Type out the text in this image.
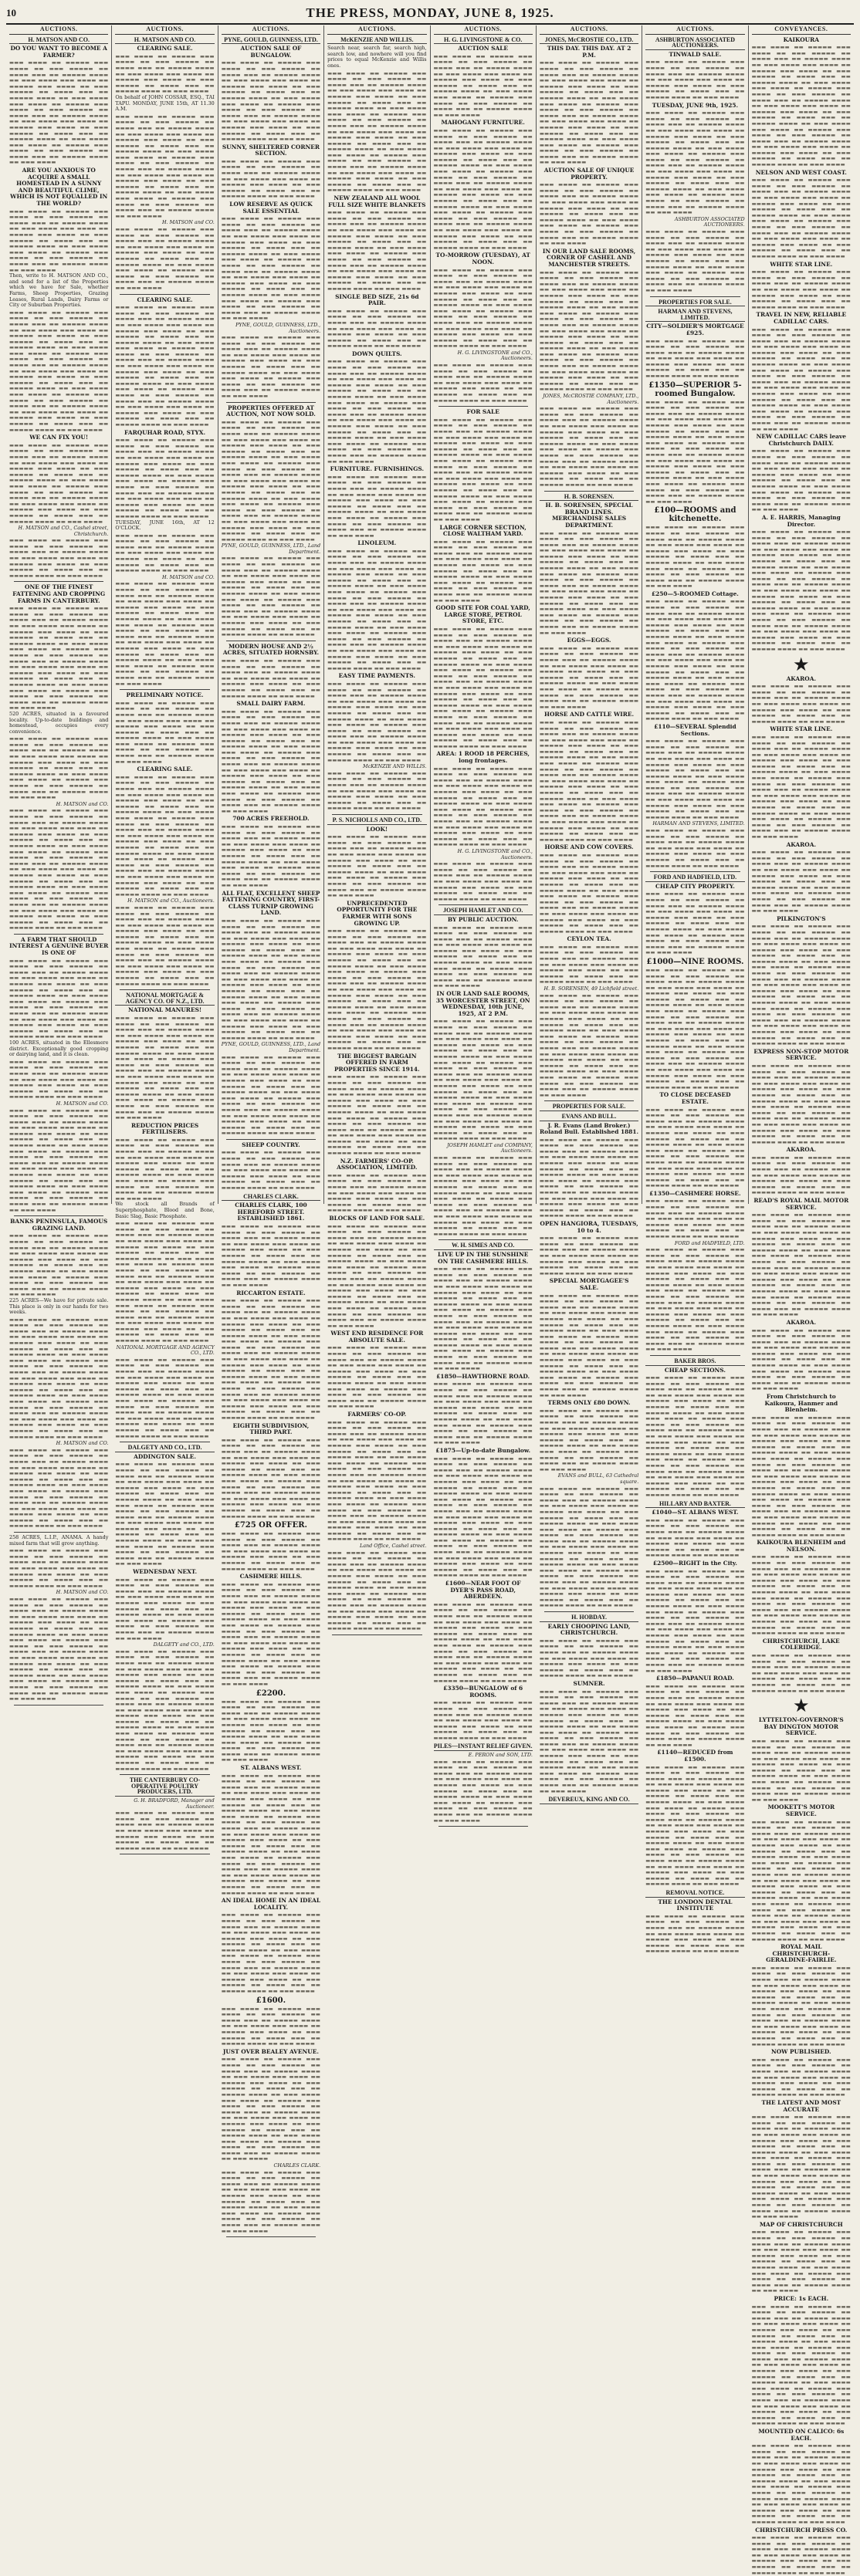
10	THE PRESS, MONDAY, JUNE 8, 1925.
AUCTIONS.
H. MATSON AND CO.
DO YOU WANT TO BECOME A FARMER?
▬▬▬ ▬▬▬▬ ▬▬ ▬▬▬▬▬ ▬▬▬ ▬▬▬▬ ▬▬ ▬▬▬ ▬▬▬▬▬ ▬▬ ▬▬▬▬ ▬▬▬ ▬▬ ▬▬▬▬▬ ▬▬▬▬ ▬▬ ▬▬▬ ▬▬▬▬ ▬▬▬ ▬▬▬▬ ▬▬ ▬▬▬▬▬ ▬▬▬ ▬▬▬▬ ▬▬ ▬▬▬ ▬▬▬▬▬ ▬▬ ▬▬▬▬ ▬▬▬ ▬▬ ▬▬▬▬▬ ▬▬▬▬ ▬▬ ▬▬▬ ▬▬▬▬ ▬▬▬ ▬▬▬▬ ▬▬ ▬▬▬▬▬ ▬▬▬ ▬▬▬▬ ▬▬ ▬▬▬ ▬▬▬▬▬ ▬▬ ▬▬▬▬ ▬▬▬ ▬▬ ▬▬▬▬▬ ▬▬▬▬ ▬▬ ▬▬▬ ▬▬▬▬ ▬▬▬ ▬▬▬▬ ▬▬ ▬▬▬▬▬ ▬▬▬ ▬▬▬▬ ▬▬ ▬▬▬ ▬▬▬▬▬ ▬▬ ▬▬▬▬ ▬▬▬ ▬▬ ▬▬▬▬▬ ▬▬▬▬ ▬▬ ▬▬▬ ▬▬▬▬ ▬▬▬ ▬▬▬▬ ▬▬ ▬▬▬▬▬ ▬▬▬ ▬▬▬▬ ▬▬ ▬▬▬ ▬▬▬▬▬ ▬▬ ▬▬▬▬ ▬▬▬ ▬▬ ▬▬▬▬▬ ▬▬▬▬ ▬▬ ▬▬▬ ▬▬▬▬
ARE YOU ANXIOUS TO ACQUIRE A SMALL HOMESTEAD IN A SUNNY AND BEAUTIFUL CLIME, WHICH IS NOT EQUALLED IN THE WORLD?
▬▬▬ ▬▬▬▬ ▬▬ ▬▬▬▬▬ ▬▬▬ ▬▬▬▬ ▬▬ ▬▬▬ ▬▬▬▬▬ ▬▬ ▬▬▬▬ ▬▬▬ ▬▬ ▬▬▬▬▬ ▬▬▬▬ ▬▬ ▬▬▬ ▬▬▬▬ ▬▬▬ ▬▬▬▬ ▬▬ ▬▬▬▬▬ ▬▬▬ ▬▬▬▬ ▬▬ ▬▬▬ ▬▬▬▬▬ ▬▬ ▬▬▬▬ ▬▬▬ ▬▬ ▬▬▬▬▬ ▬▬▬▬ ▬▬ ▬▬▬ ▬▬▬▬ ▬▬▬ ▬▬▬▬ ▬▬ ▬▬▬▬▬ ▬▬▬ ▬▬▬▬ ▬▬ ▬▬▬ ▬▬▬▬▬ ▬▬ ▬▬▬▬ ▬▬▬ ▬▬ ▬▬▬▬▬ ▬▬▬▬ ▬▬ ▬▬▬ ▬▬▬▬
Then, write to H. MATSON AND CO., and send for a list of the Properties which we have for Sale, whether Farms, Sheep Properties, Grazing Leases, Rural Lands, Dairy Farms or City or Suburban Properties.
▬▬▬ ▬▬▬▬ ▬▬ ▬▬▬▬▬ ▬▬▬ ▬▬▬▬ ▬▬ ▬▬▬ ▬▬▬▬▬ ▬▬ ▬▬▬▬ ▬▬▬ ▬▬ ▬▬▬▬▬ ▬▬▬▬ ▬▬ ▬▬▬ ▬▬▬▬ ▬▬▬ ▬▬▬▬ ▬▬ ▬▬▬▬▬ ▬▬▬ ▬▬▬▬ ▬▬ ▬▬▬ ▬▬▬▬▬ ▬▬ ▬▬▬▬ ▬▬▬ ▬▬ ▬▬▬▬▬ ▬▬▬▬ ▬▬ ▬▬▬ ▬▬▬▬ ▬▬▬ ▬▬▬▬ ▬▬ ▬▬▬▬▬ ▬▬▬ ▬▬▬▬ ▬▬ ▬▬▬ ▬▬▬▬▬ ▬▬ ▬▬▬▬ ▬▬▬ ▬▬ ▬▬▬▬▬ ▬▬▬▬ ▬▬ ▬▬▬ ▬▬▬▬ ▬▬▬ ▬▬▬▬ ▬▬ ▬▬▬▬▬ ▬▬▬ ▬▬▬▬ ▬▬ ▬▬▬ ▬▬▬▬▬ ▬▬ ▬▬▬▬ ▬▬▬ ▬▬ ▬▬▬▬▬ ▬▬▬▬ ▬▬ ▬▬▬ ▬▬▬▬ ▬▬▬ ▬▬▬▬ ▬▬ ▬▬▬▬▬ ▬▬▬ ▬▬▬▬ ▬▬ ▬▬▬ ▬▬▬▬▬ ▬▬ ▬▬▬▬ ▬▬▬ ▬▬ ▬▬▬▬▬ ▬▬▬▬ ▬▬ ▬▬▬ ▬▬▬▬ ▬▬▬ ▬▬▬▬ ▬▬ ▬▬▬▬▬ ▬▬▬ ▬▬▬▬ ▬▬ ▬▬▬ ▬▬▬▬▬ ▬▬ ▬▬▬▬ ▬▬▬ ▬▬ ▬▬▬▬▬ ▬▬▬▬ ▬▬ ▬▬▬ ▬▬▬▬
WE CAN FIX YOU!
▬▬▬ ▬▬▬▬ ▬▬ ▬▬▬▬▬ ▬▬▬ ▬▬▬▬ ▬▬ ▬▬▬ ▬▬▬▬▬ ▬▬ ▬▬▬▬ ▬▬▬ ▬▬ ▬▬▬▬▬ ▬▬▬▬ ▬▬ ▬▬▬ ▬▬▬▬ ▬▬▬ ▬▬▬▬ ▬▬ ▬▬▬▬▬ ▬▬▬ ▬▬▬▬ ▬▬ ▬▬▬ ▬▬▬▬▬ ▬▬ ▬▬▬▬ ▬▬▬ ▬▬ ▬▬▬▬▬ ▬▬▬▬ ▬▬ ▬▬▬ ▬▬▬▬ ▬▬▬ ▬▬▬▬ ▬▬ ▬▬▬▬▬ ▬▬▬ ▬▬▬▬ ▬▬ ▬▬▬ ▬▬▬▬▬ ▬▬ ▬▬▬▬ ▬▬▬ ▬▬ ▬▬▬▬▬ ▬▬▬▬ ▬▬ ▬▬▬ ▬▬▬▬ ▬▬▬ ▬▬▬▬ ▬▬ ▬▬▬▬▬ ▬▬▬ ▬▬▬▬ ▬▬ ▬▬▬ ▬▬▬▬▬ ▬▬ ▬▬▬▬ ▬▬▬ ▬▬ ▬▬▬▬▬ ▬▬▬▬ ▬▬ ▬▬▬ ▬▬▬▬
H. MATSON and CO., Cashel street, Christchurch.
▬▬▬ ▬▬▬▬ ▬▬ ▬▬▬▬▬ ▬▬▬ ▬▬▬▬ ▬▬ ▬▬▬ ▬▬▬▬▬ ▬▬ ▬▬▬▬ ▬▬▬ ▬▬ ▬▬▬▬▬ ▬▬▬▬ ▬▬ ▬▬▬ ▬▬▬▬ ▬▬▬ ▬▬▬▬ ▬▬ ▬▬▬▬▬ ▬▬▬ ▬▬▬▬ ▬▬ ▬▬▬ ▬▬▬▬▬ ▬▬ ▬▬▬▬ ▬▬▬ ▬▬ ▬▬▬▬▬ ▬▬▬▬ ▬▬ ▬▬▬ ▬▬▬▬
ONE OF THE FINEST FATTENING AND CROPPING FARMS IN CANTERBURY.
▬▬▬ ▬▬▬▬ ▬▬ ▬▬▬▬▬ ▬▬▬ ▬▬▬▬ ▬▬ ▬▬▬ ▬▬▬▬▬ ▬▬ ▬▬▬▬ ▬▬▬ ▬▬ ▬▬▬▬▬ ▬▬▬▬ ▬▬ ▬▬▬ ▬▬▬▬ ▬▬▬ ▬▬▬▬ ▬▬ ▬▬▬▬▬ ▬▬▬ ▬▬▬▬ ▬▬ ▬▬▬ ▬▬▬▬▬ ▬▬ ▬▬▬▬ ▬▬▬ ▬▬ ▬▬▬▬▬ ▬▬▬▬ ▬▬ ▬▬▬ ▬▬▬▬ ▬▬▬ ▬▬▬▬ ▬▬ ▬▬▬▬▬ ▬▬▬ ▬▬▬▬ ▬▬ ▬▬▬ ▬▬▬▬▬ ▬▬ ▬▬▬▬ ▬▬▬ ▬▬ ▬▬▬▬▬ ▬▬▬▬ ▬▬ ▬▬▬ ▬▬▬▬ ▬▬▬ ▬▬▬▬ ▬▬ ▬▬▬▬▬ ▬▬▬ ▬▬▬▬ ▬▬ ▬▬▬ ▬▬▬▬▬ ▬▬ ▬▬▬▬ ▬▬▬ ▬▬ ▬▬▬▬▬ ▬▬▬▬ ▬▬ ▬▬▬ ▬▬▬▬ ▬▬▬ ▬▬▬▬ ▬▬ ▬▬▬▬▬ ▬▬▬ ▬▬▬▬ ▬▬ ▬▬▬ ▬▬▬▬▬ ▬▬ ▬▬▬▬ ▬▬▬ ▬▬ ▬▬▬▬▬ ▬▬▬▬ ▬▬ ▬▬▬ ▬▬▬▬
520 ACRES, situated in a favoured locality. Up-to-date buildings and homestead, occupies every convenience.
▬▬▬ ▬▬▬▬ ▬▬ ▬▬▬▬▬ ▬▬▬ ▬▬▬▬ ▬▬ ▬▬▬ ▬▬▬▬▬ ▬▬ ▬▬▬▬ ▬▬▬ ▬▬ ▬▬▬▬▬ ▬▬▬▬ ▬▬ ▬▬▬ ▬▬▬▬ ▬▬▬ ▬▬▬▬ ▬▬ ▬▬▬▬▬ ▬▬▬ ▬▬▬▬ ▬▬ ▬▬▬ ▬▬▬▬▬ ▬▬ ▬▬▬▬ ▬▬▬ ▬▬ ▬▬▬▬▬ ▬▬▬▬ ▬▬ ▬▬▬ ▬▬▬▬ ▬▬▬ ▬▬▬▬ ▬▬ ▬▬▬▬▬ ▬▬▬ ▬▬▬▬ ▬▬ ▬▬▬ ▬▬▬▬▬ ▬▬ ▬▬▬▬ ▬▬▬ ▬▬ ▬▬▬▬▬ ▬▬▬▬ ▬▬ ▬▬▬ ▬▬▬▬
H. MATSON and CO.
▬▬▬ ▬▬▬▬ ▬▬ ▬▬▬▬▬ ▬▬▬ ▬▬▬▬ ▬▬ ▬▬▬ ▬▬▬▬▬ ▬▬ ▬▬▬▬ ▬▬▬ ▬▬ ▬▬▬▬▬ ▬▬▬▬ ▬▬ ▬▬▬ ▬▬▬▬ ▬▬▬ ▬▬▬▬ ▬▬ ▬▬▬▬▬ ▬▬▬ ▬▬▬▬ ▬▬ ▬▬▬ ▬▬▬▬▬ ▬▬ ▬▬▬▬ ▬▬▬ ▬▬ ▬▬▬▬▬ ▬▬▬▬ ▬▬ ▬▬▬ ▬▬▬▬ ▬▬▬ ▬▬▬▬ ▬▬ ▬▬▬▬▬ ▬▬▬ ▬▬▬▬ ▬▬ ▬▬▬ ▬▬▬▬▬ ▬▬ ▬▬▬▬ ▬▬▬ ▬▬ ▬▬▬▬▬ ▬▬▬▬ ▬▬ ▬▬▬ ▬▬▬▬ ▬▬▬ ▬▬▬▬ ▬▬ ▬▬▬▬▬ ▬▬▬ ▬▬▬▬ ▬▬ ▬▬▬ ▬▬▬▬▬ ▬▬ ▬▬▬▬ ▬▬▬ ▬▬ ▬▬▬▬▬ ▬▬▬▬ ▬▬ ▬▬▬ ▬▬▬▬ ▬▬▬ ▬▬▬▬ ▬▬ ▬▬▬▬▬ ▬▬▬ ▬▬▬▬ ▬▬ ▬▬▬ ▬▬▬▬▬ ▬▬ ▬▬▬▬ ▬▬▬ ▬▬ ▬▬▬▬▬ ▬▬▬▬ ▬▬ ▬▬▬ ▬▬▬▬ ▬▬▬ ▬▬▬▬ ▬▬ ▬▬▬▬▬ ▬▬▬ ▬▬▬▬ ▬▬ ▬▬▬ ▬▬▬▬▬ ▬▬ ▬▬▬▬ ▬▬▬ ▬▬ ▬▬▬▬▬ ▬▬▬▬ ▬▬ ▬▬▬ ▬▬▬▬
A FARM THAT SHOULD INTEREST A GENUINE BUYER IS ONE OF
▬▬▬ ▬▬▬▬ ▬▬ ▬▬▬▬▬ ▬▬▬ ▬▬▬▬ ▬▬ ▬▬▬ ▬▬▬▬▬ ▬▬ ▬▬▬▬ ▬▬▬ ▬▬ ▬▬▬▬▬ ▬▬▬▬ ▬▬ ▬▬▬ ▬▬▬▬ ▬▬▬ ▬▬▬▬ ▬▬ ▬▬▬▬▬ ▬▬▬ ▬▬▬▬ ▬▬ ▬▬▬ ▬▬▬▬▬ ▬▬ ▬▬▬▬ ▬▬▬ ▬▬ ▬▬▬▬▬ ▬▬▬▬ ▬▬ ▬▬▬ ▬▬▬▬ ▬▬▬ ▬▬▬▬ ▬▬ ▬▬▬▬▬ ▬▬▬ ▬▬▬▬ ▬▬ ▬▬▬ ▬▬▬▬▬ ▬▬ ▬▬▬▬ ▬▬▬ ▬▬ ▬▬▬▬▬ ▬▬▬▬ ▬▬ ▬▬▬ ▬▬▬▬ ▬▬▬ ▬▬▬▬ ▬▬ ▬▬▬▬▬ ▬▬▬ ▬▬▬▬ ▬▬ ▬▬▬ ▬▬▬▬▬ ▬▬ ▬▬▬▬ ▬▬▬ ▬▬ ▬▬▬▬▬ ▬▬▬▬ ▬▬ ▬▬▬ ▬▬▬▬
100 ACRES, situated in the Ellesmere district. Exceptionally good cropping or dairying land, and it is clean.
▬▬▬ ▬▬▬▬ ▬▬ ▬▬▬▬▬ ▬▬▬ ▬▬▬▬ ▬▬ ▬▬▬ ▬▬▬▬▬ ▬▬ ▬▬▬▬ ▬▬▬ ▬▬ ▬▬▬▬▬ ▬▬▬▬ ▬▬ ▬▬▬ ▬▬▬▬ ▬▬▬ ▬▬▬▬ ▬▬ ▬▬▬▬▬ ▬▬▬ ▬▬▬▬ ▬▬ ▬▬▬ ▬▬▬▬▬ ▬▬ ▬▬▬▬ ▬▬▬ ▬▬ ▬▬▬▬▬ ▬▬▬▬ ▬▬ ▬▬▬ ▬▬▬▬
H. MATSON and CO.
▬▬▬ ▬▬▬▬ ▬▬ ▬▬▬▬▬ ▬▬▬ ▬▬▬▬ ▬▬ ▬▬▬ ▬▬▬▬▬ ▬▬ ▬▬▬▬ ▬▬▬ ▬▬ ▬▬▬▬▬ ▬▬▬▬ ▬▬ ▬▬▬ ▬▬▬▬ ▬▬▬ ▬▬▬▬ ▬▬ ▬▬▬▬▬ ▬▬▬ ▬▬▬▬ ▬▬ ▬▬▬ ▬▬▬▬▬ ▬▬ ▬▬▬▬ ▬▬▬ ▬▬ ▬▬▬▬▬ ▬▬▬▬ ▬▬ ▬▬▬ ▬▬▬▬ ▬▬▬ ▬▬▬▬ ▬▬ ▬▬▬▬▬ ▬▬▬ ▬▬▬▬ ▬▬ ▬▬▬ ▬▬▬▬▬ ▬▬ ▬▬▬▬ ▬▬▬ ▬▬ ▬▬▬▬▬ ▬▬▬▬ ▬▬ ▬▬▬ ▬▬▬▬ ▬▬▬ ▬▬▬▬ ▬▬ ▬▬▬▬▬ ▬▬▬ ▬▬▬▬ ▬▬ ▬▬▬ ▬▬▬▬▬ ▬▬ ▬▬▬▬ ▬▬▬ ▬▬ ▬▬▬▬▬ ▬▬▬▬ ▬▬ ▬▬▬ ▬▬▬▬ ▬▬▬ ▬▬▬▬ ▬▬ ▬▬▬▬▬ ▬▬▬ ▬▬▬▬ ▬▬ ▬▬▬ ▬▬▬▬▬ ▬▬ ▬▬▬▬ ▬▬▬ ▬▬ ▬▬▬▬▬ ▬▬▬▬ ▬▬ ▬▬▬ ▬▬▬▬
BANKS PENINSULA, FAMOUS GRAZING LAND.
▬▬▬ ▬▬▬▬ ▬▬ ▬▬▬▬▬ ▬▬▬ ▬▬▬▬ ▬▬ ▬▬▬ ▬▬▬▬▬ ▬▬ ▬▬▬▬ ▬▬▬ ▬▬ ▬▬▬▬▬ ▬▬▬▬ ▬▬ ▬▬▬ ▬▬▬▬ ▬▬▬ ▬▬▬▬ ▬▬ ▬▬▬▬▬ ▬▬▬ ▬▬▬▬ ▬▬ ▬▬▬ ▬▬▬▬▬ ▬▬ ▬▬▬▬ ▬▬▬ ▬▬ ▬▬▬▬▬ ▬▬▬▬ ▬▬ ▬▬▬ ▬▬▬▬ ▬▬▬ ▬▬▬▬ ▬▬ ▬▬▬▬▬ ▬▬▬ ▬▬▬▬ ▬▬ ▬▬▬ ▬▬▬▬▬ ▬▬ ▬▬▬▬ ▬▬▬ ▬▬ ▬▬▬▬▬ ▬▬▬▬ ▬▬ ▬▬▬ ▬▬▬▬
225 ACRES—We have for private sale. This place is only in our hands for two weeks.
▬▬▬ ▬▬▬▬ ▬▬ ▬▬▬▬▬ ▬▬▬ ▬▬▬▬ ▬▬ ▬▬▬ ▬▬▬▬▬ ▬▬ ▬▬▬▬ ▬▬▬ ▬▬ ▬▬▬▬▬ ▬▬▬▬ ▬▬ ▬▬▬ ▬▬▬▬ ▬▬▬ ▬▬▬▬ ▬▬ ▬▬▬▬▬ ▬▬▬ ▬▬▬▬ ▬▬ ▬▬▬ ▬▬▬▬▬ ▬▬ ▬▬▬▬ ▬▬▬ ▬▬ ▬▬▬▬▬ ▬▬▬▬ ▬▬ ▬▬▬ ▬▬▬▬ ▬▬▬ ▬▬▬▬ ▬▬ ▬▬▬▬▬ ▬▬▬ ▬▬▬▬ ▬▬ ▬▬▬ ▬▬▬▬▬ ▬▬ ▬▬▬▬ ▬▬▬ ▬▬ ▬▬▬▬▬ ▬▬▬▬ ▬▬ ▬▬▬ ▬▬▬▬ ▬▬▬ ▬▬▬▬ ▬▬ ▬▬▬▬▬ ▬▬▬ ▬▬▬▬ ▬▬ ▬▬▬ ▬▬▬▬▬ ▬▬ ▬▬▬▬ ▬▬▬ ▬▬ ▬▬▬▬▬ ▬▬▬▬ ▬▬ ▬▬▬ ▬▬▬▬ ▬▬▬ ▬▬▬▬ ▬▬ ▬▬▬▬▬ ▬▬▬ ▬▬▬▬ ▬▬ ▬▬▬ ▬▬▬▬▬ ▬▬ ▬▬▬▬ ▬▬▬ ▬▬ ▬▬▬▬▬ ▬▬▬▬ ▬▬ ▬▬▬ ▬▬▬▬ ▬▬▬ ▬▬▬▬ ▬▬ ▬▬▬▬▬ ▬▬▬ ▬▬▬▬ ▬▬ ▬▬▬ ▬▬▬▬▬ ▬▬ ▬▬▬▬ ▬▬▬ ▬▬ ▬▬▬▬▬ ▬▬▬▬ ▬▬ ▬▬▬ ▬▬▬▬
H. MATSON and CO.
▬▬▬ ▬▬▬▬ ▬▬ ▬▬▬▬▬ ▬▬▬ ▬▬▬▬ ▬▬ ▬▬▬ ▬▬▬▬▬ ▬▬ ▬▬▬▬ ▬▬▬ ▬▬ ▬▬▬▬▬ ▬▬▬▬ ▬▬ ▬▬▬ ▬▬▬▬ ▬▬▬ ▬▬▬▬ ▬▬ ▬▬▬▬▬ ▬▬▬ ▬▬▬▬ ▬▬ ▬▬▬ ▬▬▬▬▬ ▬▬ ▬▬▬▬ ▬▬▬ ▬▬ ▬▬▬▬▬ ▬▬▬▬ ▬▬ ▬▬▬ ▬▬▬▬ ▬▬▬ ▬▬▬▬ ▬▬ ▬▬▬▬▬ ▬▬▬ ▬▬▬▬ ▬▬ ▬▬▬ ▬▬▬▬▬ ▬▬ ▬▬▬▬ ▬▬▬ ▬▬ ▬▬▬▬▬ ▬▬▬▬ ▬▬ ▬▬▬ ▬▬▬▬ ▬▬▬ ▬▬▬▬ ▬▬ ▬▬▬▬▬ ▬▬▬ ▬▬▬▬ ▬▬ ▬▬▬ ▬▬▬▬▬ ▬▬ ▬▬▬▬ ▬▬▬ ▬▬ ▬▬▬▬▬ ▬▬▬▬ ▬▬ ▬▬▬ ▬▬▬▬
258 ACRES, L.I.P., ANAMA. A handy mixed farm that will grow anything.
▬▬▬ ▬▬▬▬ ▬▬ ▬▬▬▬▬ ▬▬▬ ▬▬▬▬ ▬▬ ▬▬▬ ▬▬▬▬▬ ▬▬ ▬▬▬▬ ▬▬▬ ▬▬ ▬▬▬▬▬ ▬▬▬▬ ▬▬ ▬▬▬ ▬▬▬▬ ▬▬▬ ▬▬▬▬ ▬▬ ▬▬▬▬▬ ▬▬▬ ▬▬▬▬ ▬▬ ▬▬▬ ▬▬▬▬▬ ▬▬ ▬▬▬▬ ▬▬▬ ▬▬ ▬▬▬▬▬ ▬▬▬▬ ▬▬ ▬▬▬ ▬▬▬▬
H. MATSON and CO.
▬▬▬ ▬▬▬▬ ▬▬ ▬▬▬▬▬ ▬▬▬ ▬▬▬▬ ▬▬ ▬▬▬ ▬▬▬▬▬ ▬▬ ▬▬▬▬ ▬▬▬ ▬▬ ▬▬▬▬▬ ▬▬▬▬ ▬▬ ▬▬▬ ▬▬▬▬ ▬▬▬ ▬▬▬▬ ▬▬ ▬▬▬▬▬ ▬▬▬ ▬▬▬▬ ▬▬ ▬▬▬ ▬▬▬▬▬ ▬▬ ▬▬▬▬ ▬▬▬ ▬▬ ▬▬▬▬▬ ▬▬▬▬ ▬▬ ▬▬▬ ▬▬▬▬ ▬▬▬ ▬▬▬▬ ▬▬ ▬▬▬▬▬ ▬▬▬ ▬▬▬▬ ▬▬ ▬▬▬ ▬▬▬▬▬ ▬▬ ▬▬▬▬ ▬▬▬ ▬▬ ▬▬▬▬▬ ▬▬▬▬ ▬▬ ▬▬▬ ▬▬▬▬ ▬▬▬ ▬▬▬▬ ▬▬ ▬▬▬▬▬ ▬▬▬ ▬▬▬▬ ▬▬ ▬▬▬ ▬▬▬▬▬ ▬▬ ▬▬▬▬ ▬▬▬ ▬▬ ▬▬▬▬▬ ▬▬▬▬ ▬▬ ▬▬▬ ▬▬▬▬ ▬▬▬ ▬▬▬▬ ▬▬ ▬▬▬▬▬ ▬▬▬ ▬▬▬▬ ▬▬ ▬▬▬ ▬▬▬▬▬ ▬▬ ▬▬▬▬ ▬▬▬ ▬▬ ▬▬▬▬▬ ▬▬▬▬ ▬▬ ▬▬▬ ▬▬▬▬
AUCTIONS.
H. MATSON AND CO.
CLEARING SALE.
▬▬▬ ▬▬▬▬ ▬▬ ▬▬▬▬▬ ▬▬▬ ▬▬▬▬ ▬▬ ▬▬▬ ▬▬▬▬▬ ▬▬ ▬▬▬▬ ▬▬▬ ▬▬ ▬▬▬▬▬ ▬▬▬▬ ▬▬ ▬▬▬ ▬▬▬▬ ▬▬▬ ▬▬▬▬ ▬▬ ▬▬▬▬▬ ▬▬▬ ▬▬▬▬ ▬▬ ▬▬▬ ▬▬▬▬▬ ▬▬ ▬▬▬▬ ▬▬▬ ▬▬ ▬▬▬▬▬ ▬▬▬▬ ▬▬ ▬▬▬ ▬▬▬▬
On behalf of JOHN COSSAR, ESQ., TAI TAPU. MONDAY, JUNE 15th, AT 11.30 A.M.
▬▬▬ ▬▬▬▬ ▬▬ ▬▬▬▬▬ ▬▬▬ ▬▬▬▬ ▬▬ ▬▬▬ ▬▬▬▬▬ ▬▬ ▬▬▬▬ ▬▬▬ ▬▬ ▬▬▬▬▬ ▬▬▬▬ ▬▬ ▬▬▬ ▬▬▬▬ ▬▬▬ ▬▬▬▬ ▬▬ ▬▬▬▬▬ ▬▬▬ ▬▬▬▬ ▬▬ ▬▬▬ ▬▬▬▬▬ ▬▬ ▬▬▬▬ ▬▬▬ ▬▬ ▬▬▬▬▬ ▬▬▬▬ ▬▬ ▬▬▬ ▬▬▬▬ ▬▬▬ ▬▬▬▬ ▬▬ ▬▬▬▬▬ ▬▬▬ ▬▬▬▬ ▬▬ ▬▬▬ ▬▬▬▬▬ ▬▬ ▬▬▬▬ ▬▬▬ ▬▬ ▬▬▬▬▬ ▬▬▬▬ ▬▬ ▬▬▬ ▬▬▬▬ ▬▬▬ ▬▬▬▬ ▬▬ ▬▬▬▬▬ ▬▬▬ ▬▬▬▬ ▬▬ ▬▬▬ ▬▬▬▬▬ ▬▬ ▬▬▬▬ ▬▬▬ ▬▬ ▬▬▬▬▬ ▬▬▬▬ ▬▬ ▬▬▬ ▬▬▬▬ ▬▬▬ ▬▬▬▬ ▬▬ ▬▬▬▬▬ ▬▬▬ ▬▬▬▬ ▬▬ ▬▬▬ ▬▬▬▬▬ ▬▬ ▬▬▬▬ ▬▬▬ ▬▬ ▬▬▬▬▬ ▬▬▬▬ ▬▬ ▬▬▬ ▬▬▬▬
H. MATSON and CO.
▬▬▬ ▬▬▬▬ ▬▬ ▬▬▬▬▬ ▬▬▬ ▬▬▬▬ ▬▬ ▬▬▬ ▬▬▬▬▬ ▬▬ ▬▬▬▬ ▬▬▬ ▬▬ ▬▬▬▬▬ ▬▬▬▬ ▬▬ ▬▬▬ ▬▬▬▬ ▬▬▬ ▬▬▬▬ ▬▬ ▬▬▬▬▬ ▬▬▬ ▬▬▬▬ ▬▬ ▬▬▬ ▬▬▬▬▬ ▬▬ ▬▬▬▬ ▬▬▬ ▬▬ ▬▬▬▬▬ ▬▬▬▬ ▬▬ ▬▬▬ ▬▬▬▬ ▬▬▬ ▬▬▬▬ ▬▬ ▬▬▬▬▬ ▬▬▬ ▬▬▬▬ ▬▬ ▬▬▬ ▬▬▬▬▬ ▬▬ ▬▬▬▬ ▬▬▬ ▬▬ ▬▬▬▬▬ ▬▬▬▬ ▬▬ ▬▬▬ ▬▬▬▬
CLEARING SALE.
▬▬▬ ▬▬▬▬ ▬▬ ▬▬▬▬▬ ▬▬▬ ▬▬▬▬ ▬▬ ▬▬▬ ▬▬▬▬▬ ▬▬ ▬▬▬▬ ▬▬▬ ▬▬ ▬▬▬▬▬ ▬▬▬▬ ▬▬ ▬▬▬ ▬▬▬▬ ▬▬▬ ▬▬▬▬ ▬▬ ▬▬▬▬▬ ▬▬▬ ▬▬▬▬ ▬▬ ▬▬▬ ▬▬▬▬▬ ▬▬ ▬▬▬▬ ▬▬▬ ▬▬ ▬▬▬▬▬ ▬▬▬▬ ▬▬ ▬▬▬ ▬▬▬▬ ▬▬▬ ▬▬▬▬ ▬▬ ▬▬▬▬▬ ▬▬▬ ▬▬▬▬ ▬▬ ▬▬▬ ▬▬▬▬▬ ▬▬ ▬▬▬▬ ▬▬▬ ▬▬ ▬▬▬▬▬ ▬▬▬▬ ▬▬ ▬▬▬ ▬▬▬▬ ▬▬▬ ▬▬▬▬ ▬▬ ▬▬▬▬▬ ▬▬▬ ▬▬▬▬ ▬▬ ▬▬▬ ▬▬▬▬▬ ▬▬ ▬▬▬▬ ▬▬▬ ▬▬ ▬▬▬▬▬ ▬▬▬▬ ▬▬ ▬▬▬ ▬▬▬▬ ▬▬▬ ▬▬▬▬ ▬▬ ▬▬▬▬▬ ▬▬▬ ▬▬▬▬ ▬▬ ▬▬▬ ▬▬▬▬▬ ▬▬ ▬▬▬▬ ▬▬▬ ▬▬ ▬▬▬▬▬ ▬▬▬▬ ▬▬ ▬▬▬ ▬▬▬▬ ▬▬▬ ▬▬▬▬ ▬▬ ▬▬▬▬▬ ▬▬▬ ▬▬▬▬ ▬▬ ▬▬▬ ▬▬▬▬▬ ▬▬ ▬▬▬▬ ▬▬▬ ▬▬ ▬▬▬▬▬ ▬▬▬▬ ▬▬ ▬▬▬ ▬▬▬▬
FARQUHAR ROAD, STYX.
▬▬▬ ▬▬▬▬ ▬▬ ▬▬▬▬▬ ▬▬▬ ▬▬▬▬ ▬▬ ▬▬▬ ▬▬▬▬▬ ▬▬ ▬▬▬▬ ▬▬▬ ▬▬ ▬▬▬▬▬ ▬▬▬▬ ▬▬ ▬▬▬ ▬▬▬▬ ▬▬▬ ▬▬▬▬ ▬▬ ▬▬▬▬▬ ▬▬▬ ▬▬▬▬ ▬▬ ▬▬▬ ▬▬▬▬▬ ▬▬ ▬▬▬▬ ▬▬▬ ▬▬ ▬▬▬▬▬ ▬▬▬▬ ▬▬ ▬▬▬ ▬▬▬▬ ▬▬▬ ▬▬▬▬ ▬▬ ▬▬▬▬▬ ▬▬▬ ▬▬▬▬ ▬▬ ▬▬▬ ▬▬▬▬▬ ▬▬ ▬▬▬▬ ▬▬▬ ▬▬ ▬▬▬▬▬ ▬▬▬▬ ▬▬ ▬▬▬ ▬▬▬▬ ▬▬▬ ▬▬▬▬ ▬▬ ▬▬▬▬▬ ▬▬▬ ▬▬▬▬ ▬▬ ▬▬▬ ▬▬▬▬▬ ▬▬ ▬▬▬▬ ▬▬▬ ▬▬ ▬▬▬▬▬ ▬▬▬▬ ▬▬ ▬▬▬ ▬▬▬▬
TUESDAY, JUNE 16th, AT 12 O'CLOCK.
▬▬▬ ▬▬▬▬ ▬▬ ▬▬▬▬▬ ▬▬▬ ▬▬▬▬ ▬▬ ▬▬▬ ▬▬▬▬▬ ▬▬ ▬▬▬▬ ▬▬▬ ▬▬ ▬▬▬▬▬ ▬▬▬▬ ▬▬ ▬▬▬ ▬▬▬▬ ▬▬▬ ▬▬▬▬ ▬▬ ▬▬▬▬▬ ▬▬▬ ▬▬▬▬ ▬▬ ▬▬▬ ▬▬▬▬▬ ▬▬ ▬▬▬▬ ▬▬▬ ▬▬ ▬▬▬▬▬ ▬▬▬▬ ▬▬ ▬▬▬ ▬▬▬▬
H. MATSON and CO.
▬▬▬ ▬▬▬▬ ▬▬ ▬▬▬▬▬ ▬▬▬ ▬▬▬▬ ▬▬ ▬▬▬ ▬▬▬▬▬ ▬▬ ▬▬▬▬ ▬▬▬ ▬▬ ▬▬▬▬▬ ▬▬▬▬ ▬▬ ▬▬▬ ▬▬▬▬ ▬▬▬ ▬▬▬▬ ▬▬ ▬▬▬▬▬ ▬▬▬ ▬▬▬▬ ▬▬ ▬▬▬ ▬▬▬▬▬ ▬▬ ▬▬▬▬ ▬▬▬ ▬▬ ▬▬▬▬▬ ▬▬▬▬ ▬▬ ▬▬▬ ▬▬▬▬ ▬▬▬ ▬▬▬▬ ▬▬ ▬▬▬▬▬ ▬▬▬ ▬▬▬▬ ▬▬ ▬▬▬ ▬▬▬▬▬ ▬▬ ▬▬▬▬ ▬▬▬ ▬▬ ▬▬▬▬▬ ▬▬▬▬ ▬▬ ▬▬▬ ▬▬▬▬ ▬▬▬ ▬▬▬▬ ▬▬ ▬▬▬▬▬ ▬▬▬ ▬▬▬▬ ▬▬ ▬▬▬ ▬▬▬▬▬ ▬▬ ▬▬▬▬ ▬▬▬ ▬▬ ▬▬▬▬▬ ▬▬▬▬ ▬▬ ▬▬▬ ▬▬▬▬ ▬▬▬ ▬▬▬▬ ▬▬ ▬▬▬▬▬ ▬▬▬ ▬▬▬▬ ▬▬ ▬▬▬ ▬▬▬▬▬ ▬▬ ▬▬▬▬ ▬▬▬ ▬▬ ▬▬▬▬▬ ▬▬▬▬ ▬▬ ▬▬▬ ▬▬▬▬
PRELIMINARY NOTICE.
▬▬▬ ▬▬▬▬ ▬▬ ▬▬▬▬▬ ▬▬▬ ▬▬▬▬ ▬▬ ▬▬▬ ▬▬▬▬▬ ▬▬ ▬▬▬▬ ▬▬▬ ▬▬ ▬▬▬▬▬ ▬▬▬▬ ▬▬ ▬▬▬ ▬▬▬▬ ▬▬▬ ▬▬▬▬ ▬▬ ▬▬▬▬▬ ▬▬▬ ▬▬▬▬ ▬▬ ▬▬▬ ▬▬▬▬▬ ▬▬ ▬▬▬▬ ▬▬▬ ▬▬ ▬▬▬▬▬ ▬▬▬▬ ▬▬ ▬▬▬ ▬▬▬▬ ▬▬▬ ▬▬▬▬ ▬▬ ▬▬▬▬▬ ▬▬▬ ▬▬▬▬ ▬▬ ▬▬▬ ▬▬▬▬▬ ▬▬ ▬▬▬▬ ▬▬▬ ▬▬ ▬▬▬▬▬ ▬▬▬▬ ▬▬ ▬▬▬ ▬▬▬▬
CLEARING SALE.
▬▬▬ ▬▬▬▬ ▬▬ ▬▬▬▬▬ ▬▬▬ ▬▬▬▬ ▬▬ ▬▬▬ ▬▬▬▬▬ ▬▬ ▬▬▬▬ ▬▬▬ ▬▬ ▬▬▬▬▬ ▬▬▬▬ ▬▬ ▬▬▬ ▬▬▬▬ ▬▬▬ ▬▬▬▬ ▬▬ ▬▬▬▬▬ ▬▬▬ ▬▬▬▬ ▬▬ ▬▬▬ ▬▬▬▬▬ ▬▬ ▬▬▬▬ ▬▬▬ ▬▬ ▬▬▬▬▬ ▬▬▬▬ ▬▬ ▬▬▬ ▬▬▬▬ ▬▬▬ ▬▬▬▬ ▬▬ ▬▬▬▬▬ ▬▬▬ ▬▬▬▬ ▬▬ ▬▬▬ ▬▬▬▬▬ ▬▬ ▬▬▬▬ ▬▬▬ ▬▬ ▬▬▬▬▬ ▬▬▬▬ ▬▬ ▬▬▬ ▬▬▬▬ ▬▬▬ ▬▬▬▬ ▬▬ ▬▬▬▬▬ ▬▬▬ ▬▬▬▬ ▬▬ ▬▬▬ ▬▬▬▬▬ ▬▬ ▬▬▬▬ ▬▬▬ ▬▬ ▬▬▬▬▬ ▬▬▬▬ ▬▬ ▬▬▬ ▬▬▬▬ ▬▬▬ ▬▬▬▬ ▬▬ ▬▬▬▬▬ ▬▬▬ ▬▬▬▬ ▬▬ ▬▬▬ ▬▬▬▬▬ ▬▬ ▬▬▬▬ ▬▬▬ ▬▬ ▬▬▬▬▬ ▬▬▬▬ ▬▬ ▬▬▬ ▬▬▬▬ ▬▬▬ ▬▬▬▬ ▬▬ ▬▬▬▬▬ ▬▬▬ ▬▬▬▬ ▬▬ ▬▬▬ ▬▬▬▬▬ ▬▬ ▬▬▬▬ ▬▬▬ ▬▬ ▬▬▬▬▬ ▬▬▬▬ ▬▬ ▬▬▬ ▬▬▬▬
H. MATSON and CO., Auctioneers.
▬▬▬ ▬▬▬▬ ▬▬ ▬▬▬▬▬ ▬▬▬ ▬▬▬▬ ▬▬ ▬▬▬ ▬▬▬▬▬ ▬▬ ▬▬▬▬ ▬▬▬ ▬▬ ▬▬▬▬▬ ▬▬▬▬ ▬▬ ▬▬▬ ▬▬▬▬ ▬▬▬ ▬▬▬▬ ▬▬ ▬▬▬▬▬ ▬▬▬ ▬▬▬▬ ▬▬ ▬▬▬ ▬▬▬▬▬ ▬▬ ▬▬▬▬ ▬▬▬ ▬▬ ▬▬▬▬▬ ▬▬▬▬ ▬▬ ▬▬▬ ▬▬▬▬ ▬▬▬ ▬▬▬▬ ▬▬ ▬▬▬▬▬ ▬▬▬ ▬▬▬▬ ▬▬ ▬▬▬ ▬▬▬▬▬ ▬▬ ▬▬▬▬ ▬▬▬ ▬▬ ▬▬▬▬▬ ▬▬▬▬ ▬▬ ▬▬▬ ▬▬▬▬ ▬▬▬ ▬▬▬▬ ▬▬ ▬▬▬▬▬ ▬▬▬ ▬▬▬▬ ▬▬ ▬▬▬ ▬▬▬▬▬ ▬▬ ▬▬▬▬ ▬▬▬ ▬▬ ▬▬▬▬▬ ▬▬▬▬ ▬▬ ▬▬▬ ▬▬▬▬
NATIONAL MORTGAGE & AGENCY CO. OF N.Z., LTD.
NATIONAL MANURES!
▬▬▬ ▬▬▬▬ ▬▬ ▬▬▬▬▬ ▬▬▬ ▬▬▬▬ ▬▬ ▬▬▬ ▬▬▬▬▬ ▬▬ ▬▬▬▬ ▬▬▬ ▬▬ ▬▬▬▬▬ ▬▬▬▬ ▬▬ ▬▬▬ ▬▬▬▬ ▬▬▬ ▬▬▬▬ ▬▬ ▬▬▬▬▬ ▬▬▬ ▬▬▬▬ ▬▬ ▬▬▬ ▬▬▬▬▬ ▬▬ ▬▬▬▬ ▬▬▬ ▬▬ ▬▬▬▬▬ ▬▬▬▬ ▬▬ ▬▬▬ ▬▬▬▬ ▬▬▬ ▬▬▬▬ ▬▬ ▬▬▬▬▬ ▬▬▬ ▬▬▬▬ ▬▬ ▬▬▬ ▬▬▬▬▬ ▬▬ ▬▬▬▬ ▬▬▬ ▬▬ ▬▬▬▬▬ ▬▬▬▬ ▬▬ ▬▬▬ ▬▬▬▬ ▬▬▬ ▬▬▬▬ ▬▬ ▬▬▬▬▬ ▬▬▬ ▬▬▬▬ ▬▬ ▬▬▬ ▬▬▬▬▬ ▬▬ ▬▬▬▬ ▬▬▬ ▬▬ ▬▬▬▬▬ ▬▬▬▬ ▬▬ ▬▬▬ ▬▬▬▬ ▬▬▬ ▬▬▬▬ ▬▬ ▬▬▬▬▬ ▬▬▬ ▬▬▬▬ ▬▬ ▬▬▬ ▬▬▬▬▬ ▬▬ ▬▬▬▬ ▬▬▬ ▬▬ ▬▬▬▬▬ ▬▬▬▬ ▬▬ ▬▬▬ ▬▬▬▬
REDUCTION PRICES FERTILISERS.
▬▬▬ ▬▬▬▬ ▬▬ ▬▬▬▬▬ ▬▬▬ ▬▬▬▬ ▬▬ ▬▬▬ ▬▬▬▬▬ ▬▬ ▬▬▬▬ ▬▬▬ ▬▬ ▬▬▬▬▬ ▬▬▬▬ ▬▬ ▬▬▬ ▬▬▬▬ ▬▬▬ ▬▬▬▬ ▬▬ ▬▬▬▬▬ ▬▬▬ ▬▬▬▬ ▬▬ ▬▬▬ ▬▬▬▬▬ ▬▬ ▬▬▬▬ ▬▬▬ ▬▬ ▬▬▬▬▬ ▬▬▬▬ ▬▬ ▬▬▬ ▬▬▬▬ ▬▬▬ ▬▬▬▬ ▬▬ ▬▬▬▬▬ ▬▬▬ ▬▬▬▬ ▬▬ ▬▬▬ ▬▬▬▬▬ ▬▬ ▬▬▬▬ ▬▬▬ ▬▬ ▬▬▬▬▬ ▬▬▬▬ ▬▬ ▬▬▬ ▬▬▬▬
We stock all Brands of Superphosphate, Blood and Bone, Basic Slag, Basic Phosphate.
▬▬▬ ▬▬▬▬ ▬▬ ▬▬▬▬▬ ▬▬▬ ▬▬▬▬ ▬▬ ▬▬▬ ▬▬▬▬▬ ▬▬ ▬▬▬▬ ▬▬▬ ▬▬ ▬▬▬▬▬ ▬▬▬▬ ▬▬ ▬▬▬ ▬▬▬▬ ▬▬▬ ▬▬▬▬ ▬▬ ▬▬▬▬▬ ▬▬▬ ▬▬▬▬ ▬▬ ▬▬▬ ▬▬▬▬▬ ▬▬ ▬▬▬▬ ▬▬▬ ▬▬ ▬▬▬▬▬ ▬▬▬▬ ▬▬ ▬▬▬ ▬▬▬▬ ▬▬▬ ▬▬▬▬ ▬▬ ▬▬▬▬▬ ▬▬▬ ▬▬▬▬ ▬▬ ▬▬▬ ▬▬▬▬▬ ▬▬ ▬▬▬▬ ▬▬▬ ▬▬ ▬▬▬▬▬ ▬▬▬▬ ▬▬ ▬▬▬ ▬▬▬▬ ▬▬▬ ▬▬▬▬ ▬▬ ▬▬▬▬▬ ▬▬▬ ▬▬▬▬ ▬▬ ▬▬▬ ▬▬▬▬▬ ▬▬ ▬▬▬▬ ▬▬▬ ▬▬ ▬▬▬▬▬ ▬▬▬▬ ▬▬ ▬▬▬ ▬▬▬▬ ▬▬▬ ▬▬▬▬ ▬▬ ▬▬▬▬▬ ▬▬▬ ▬▬▬▬ ▬▬ ▬▬▬ ▬▬▬▬▬ ▬▬ ▬▬▬▬ ▬▬▬ ▬▬ ▬▬▬▬▬ ▬▬▬▬ ▬▬ ▬▬▬ ▬▬▬▬ ▬▬▬ ▬▬▬▬ ▬▬ ▬▬▬▬▬ ▬▬▬ ▬▬▬▬ ▬▬ ▬▬▬ ▬▬▬▬▬ ▬▬ ▬▬▬▬ ▬▬▬ ▬▬ ▬▬▬▬▬ ▬▬▬▬ ▬▬ ▬▬▬ ▬▬▬▬
NATIONAL MORTGAGE AND AGENCY CO., LTD.
▬▬▬ ▬▬▬▬ ▬▬ ▬▬▬▬▬ ▬▬▬ ▬▬▬▬ ▬▬ ▬▬▬ ▬▬▬▬▬ ▬▬ ▬▬▬▬ ▬▬▬ ▬▬ ▬▬▬▬▬ ▬▬▬▬ ▬▬ ▬▬▬ ▬▬▬▬ ▬▬▬ ▬▬▬▬ ▬▬ ▬▬▬▬▬ ▬▬▬ ▬▬▬▬ ▬▬ ▬▬▬ ▬▬▬▬▬ ▬▬ ▬▬▬▬ ▬▬▬ ▬▬ ▬▬▬▬▬ ▬▬▬▬ ▬▬ ▬▬▬ ▬▬▬▬ ▬▬▬ ▬▬▬▬ ▬▬ ▬▬▬▬▬ ▬▬▬ ▬▬▬▬ ▬▬ ▬▬▬ ▬▬▬▬▬ ▬▬ ▬▬▬▬ ▬▬▬ ▬▬ ▬▬▬▬▬ ▬▬▬▬ ▬▬ ▬▬▬ ▬▬▬▬ ▬▬▬ ▬▬▬▬ ▬▬ ▬▬▬▬▬ ▬▬▬ ▬▬▬▬ ▬▬ ▬▬▬ ▬▬▬▬▬ ▬▬ ▬▬▬▬ ▬▬▬ ▬▬ ▬▬▬▬▬ ▬▬▬▬ ▬▬ ▬▬▬ ▬▬▬▬
DALGETY AND CO., LTD.
ADDINGTON SALE.
▬▬▬ ▬▬▬▬ ▬▬ ▬▬▬▬▬ ▬▬▬ ▬▬▬▬ ▬▬ ▬▬▬ ▬▬▬▬▬ ▬▬ ▬▬▬▬ ▬▬▬ ▬▬ ▬▬▬▬▬ ▬▬▬▬ ▬▬ ▬▬▬ ▬▬▬▬ ▬▬▬ ▬▬▬▬ ▬▬ ▬▬▬▬▬ ▬▬▬ ▬▬▬▬ ▬▬ ▬▬▬ ▬▬▬▬▬ ▬▬ ▬▬▬▬ ▬▬▬ ▬▬ ▬▬▬▬▬ ▬▬▬▬ ▬▬ ▬▬▬ ▬▬▬▬ ▬▬▬ ▬▬▬▬ ▬▬ ▬▬▬▬▬ ▬▬▬ ▬▬▬▬ ▬▬ ▬▬▬ ▬▬▬▬▬ ▬▬ ▬▬▬▬ ▬▬▬ ▬▬ ▬▬▬▬▬ ▬▬▬▬ ▬▬ ▬▬▬ ▬▬▬▬ ▬▬▬ ▬▬▬▬ ▬▬ ▬▬▬▬▬ ▬▬▬ ▬▬▬▬ ▬▬ ▬▬▬ ▬▬▬▬▬ ▬▬ ▬▬▬▬ ▬▬▬ ▬▬ ▬▬▬▬▬ ▬▬▬▬ ▬▬ ▬▬▬ ▬▬▬▬ ▬▬▬ ▬▬▬▬ ▬▬ ▬▬▬▬▬ ▬▬▬ ▬▬▬▬ ▬▬ ▬▬▬ ▬▬▬▬▬ ▬▬ ▬▬▬▬ ▬▬▬ ▬▬ ▬▬▬▬▬ ▬▬▬▬ ▬▬ ▬▬▬ ▬▬▬▬
WEDNESDAY NEXT.
▬▬▬ ▬▬▬▬ ▬▬ ▬▬▬▬▬ ▬▬▬ ▬▬▬▬ ▬▬ ▬▬▬ ▬▬▬▬▬ ▬▬ ▬▬▬▬ ▬▬▬ ▬▬ ▬▬▬▬▬ ▬▬▬▬ ▬▬ ▬▬▬ ▬▬▬▬ ▬▬▬ ▬▬▬▬ ▬▬ ▬▬▬▬▬ ▬▬▬ ▬▬▬▬ ▬▬ ▬▬▬ ▬▬▬▬▬ ▬▬ ▬▬▬▬ ▬▬▬ ▬▬ ▬▬▬▬▬ ▬▬▬▬ ▬▬ ▬▬▬ ▬▬▬▬ ▬▬▬ ▬▬▬▬ ▬▬ ▬▬▬▬▬ ▬▬▬ ▬▬▬▬ ▬▬ ▬▬▬ ▬▬▬▬▬ ▬▬ ▬▬▬▬ ▬▬▬ ▬▬ ▬▬▬▬▬ ▬▬▬▬ ▬▬ ▬▬▬ ▬▬▬▬
DALGETY and CO., LTD.
▬▬▬ ▬▬▬▬ ▬▬ ▬▬▬▬▬ ▬▬▬ ▬▬▬▬ ▬▬ ▬▬▬ ▬▬▬▬▬ ▬▬ ▬▬▬▬ ▬▬▬ ▬▬ ▬▬▬▬▬ ▬▬▬▬ ▬▬ ▬▬▬ ▬▬▬▬ ▬▬▬ ▬▬▬▬ ▬▬ ▬▬▬▬▬ ▬▬▬ ▬▬▬▬ ▬▬ ▬▬▬ ▬▬▬▬▬ ▬▬ ▬▬▬▬ ▬▬▬ ▬▬ ▬▬▬▬▬ ▬▬▬▬ ▬▬ ▬▬▬ ▬▬▬▬ ▬▬▬ ▬▬▬▬ ▬▬ ▬▬▬▬▬ ▬▬▬ ▬▬▬▬ ▬▬ ▬▬▬ ▬▬▬▬▬ ▬▬ ▬▬▬▬ ▬▬▬ ▬▬ ▬▬▬▬▬ ▬▬▬▬ ▬▬ ▬▬▬ ▬▬▬▬ ▬▬▬ ▬▬▬▬ ▬▬ ▬▬▬▬▬ ▬▬▬ ▬▬▬▬ ▬▬ ▬▬▬ ▬▬▬▬▬ ▬▬ ▬▬▬▬ ▬▬▬ ▬▬ ▬▬▬▬▬ ▬▬▬▬ ▬▬ ▬▬▬ ▬▬▬▬ ▬▬▬ ▬▬▬▬ ▬▬ ▬▬▬▬▬ ▬▬▬ ▬▬▬▬ ▬▬ ▬▬▬ ▬▬▬▬▬ ▬▬ ▬▬▬▬ ▬▬▬ ▬▬ ▬▬▬▬▬ ▬▬▬▬ ▬▬ ▬▬▬ ▬▬▬▬ ▬▬▬ ▬▬▬▬ ▬▬ ▬▬▬▬▬ ▬▬▬ ▬▬▬▬ ▬▬ ▬▬▬ ▬▬▬▬▬ ▬▬ ▬▬▬▬ ▬▬▬ ▬▬ ▬▬▬▬▬ ▬▬▬▬ ▬▬ ▬▬▬ ▬▬▬▬
THE CANTERBURY CO-OPERATIVE POULTRY PRODUCERS, LTD.
G. H. BRADFORD, Manager and Auctioneer.
▬▬▬ ▬▬▬▬ ▬▬ ▬▬▬▬▬ ▬▬▬ ▬▬▬▬ ▬▬ ▬▬▬ ▬▬▬▬▬ ▬▬ ▬▬▬▬ ▬▬▬ ▬▬ ▬▬▬▬▬ ▬▬▬▬ ▬▬ ▬▬▬ ▬▬▬▬ ▬▬▬ ▬▬▬▬ ▬▬ ▬▬▬▬▬ ▬▬▬ ▬▬▬▬ ▬▬ ▬▬▬ ▬▬▬▬▬ ▬▬ ▬▬▬▬ ▬▬▬ ▬▬ ▬▬▬▬▬ ▬▬▬▬ ▬▬ ▬▬▬ ▬▬▬▬
AUCTIONS.
PYNE, GOULD, GUINNESS, LTD.
AUCTION SALE OF BUNGALOW.
▬▬▬ ▬▬▬▬ ▬▬ ▬▬▬▬▬ ▬▬▬ ▬▬▬▬ ▬▬ ▬▬▬ ▬▬▬▬▬ ▬▬ ▬▬▬▬ ▬▬▬ ▬▬ ▬▬▬▬▬ ▬▬▬▬ ▬▬ ▬▬▬ ▬▬▬▬ ▬▬▬ ▬▬▬▬ ▬▬ ▬▬▬▬▬ ▬▬▬ ▬▬▬▬ ▬▬ ▬▬▬ ▬▬▬▬▬ ▬▬ ▬▬▬▬ ▬▬▬ ▬▬ ▬▬▬▬▬ ▬▬▬▬ ▬▬ ▬▬▬ ▬▬▬▬ ▬▬▬ ▬▬▬▬ ▬▬ ▬▬▬▬▬ ▬▬▬ ▬▬▬▬ ▬▬ ▬▬▬ ▬▬▬▬▬ ▬▬ ▬▬▬▬ ▬▬▬ ▬▬ ▬▬▬▬▬ ▬▬▬▬ ▬▬ ▬▬▬ ▬▬▬▬ ▬▬▬ ▬▬▬▬ ▬▬ ▬▬▬▬▬ ▬▬▬ ▬▬▬▬ ▬▬ ▬▬▬ ▬▬▬▬▬ ▬▬ ▬▬▬▬ ▬▬▬ ▬▬ ▬▬▬▬▬ ▬▬▬▬ ▬▬ ▬▬▬ ▬▬▬▬
SUNNY, SHELTERED CORNER SECTION.
▬▬▬ ▬▬▬▬ ▬▬ ▬▬▬▬▬ ▬▬▬ ▬▬▬▬ ▬▬ ▬▬▬ ▬▬▬▬▬ ▬▬ ▬▬▬▬ ▬▬▬ ▬▬ ▬▬▬▬▬ ▬▬▬▬ ▬▬ ▬▬▬ ▬▬▬▬ ▬▬▬ ▬▬▬▬ ▬▬ ▬▬▬▬▬ ▬▬▬ ▬▬▬▬ ▬▬ ▬▬▬ ▬▬▬▬▬ ▬▬ ▬▬▬▬ ▬▬▬ ▬▬ ▬▬▬▬▬ ▬▬▬▬ ▬▬ ▬▬▬ ▬▬▬▬
LOW RESERVE AS QUICK SALE ESSENTIAL
▬▬▬ ▬▬▬▬ ▬▬ ▬▬▬▬▬ ▬▬▬ ▬▬▬▬ ▬▬ ▬▬▬ ▬▬▬▬▬ ▬▬ ▬▬▬▬ ▬▬▬ ▬▬ ▬▬▬▬▬ ▬▬▬▬ ▬▬ ▬▬▬ ▬▬▬▬ ▬▬▬ ▬▬▬▬ ▬▬ ▬▬▬▬▬ ▬▬▬ ▬▬▬▬ ▬▬ ▬▬▬ ▬▬▬▬▬ ▬▬ ▬▬▬▬ ▬▬▬ ▬▬ ▬▬▬▬▬ ▬▬▬▬ ▬▬ ▬▬▬ ▬▬▬▬ ▬▬▬ ▬▬▬▬ ▬▬ ▬▬▬▬▬ ▬▬▬ ▬▬▬▬ ▬▬ ▬▬▬ ▬▬▬▬▬ ▬▬ ▬▬▬▬ ▬▬▬ ▬▬ ▬▬▬▬▬ ▬▬▬▬ ▬▬ ▬▬▬ ▬▬▬▬ ▬▬▬ ▬▬▬▬ ▬▬ ▬▬▬▬▬ ▬▬▬ ▬▬▬▬ ▬▬ ▬▬▬ ▬▬▬▬▬ ▬▬ ▬▬▬▬ ▬▬▬ ▬▬ ▬▬▬▬▬ ▬▬▬▬ ▬▬ ▬▬▬ ▬▬▬▬ ▬▬▬ ▬▬▬▬ ▬▬ ▬▬▬▬▬ ▬▬▬ ▬▬▬▬ ▬▬ ▬▬▬ ▬▬▬▬▬ ▬▬ ▬▬▬▬ ▬▬▬ ▬▬ ▬▬▬▬▬ ▬▬▬▬ ▬▬ ▬▬▬ ▬▬▬▬
PYNE, GOULD, GUINNESS, LTD., Auctioneers.
▬▬▬ ▬▬▬▬ ▬▬ ▬▬▬▬▬ ▬▬▬ ▬▬▬▬ ▬▬ ▬▬▬ ▬▬▬▬▬ ▬▬ ▬▬▬▬ ▬▬▬ ▬▬ ▬▬▬▬▬ ▬▬▬▬ ▬▬ ▬▬▬ ▬▬▬▬ ▬▬▬ ▬▬▬▬ ▬▬ ▬▬▬▬▬ ▬▬▬ ▬▬▬▬ ▬▬ ▬▬▬ ▬▬▬▬▬ ▬▬ ▬▬▬▬ ▬▬▬ ▬▬ ▬▬▬▬▬ ▬▬▬▬ ▬▬ ▬▬▬ ▬▬▬▬ ▬▬▬ ▬▬▬▬ ▬▬ ▬▬▬▬▬ ▬▬▬ ▬▬▬▬ ▬▬ ▬▬▬ ▬▬▬▬▬ ▬▬ ▬▬▬▬ ▬▬▬ ▬▬ ▬▬▬▬▬ ▬▬▬▬ ▬▬ ▬▬▬ ▬▬▬▬
PROPERTIES OFFERED AT AUCTION, NOT NOW SOLD.
▬▬▬ ▬▬▬▬ ▬▬ ▬▬▬▬▬ ▬▬▬ ▬▬▬▬ ▬▬ ▬▬▬ ▬▬▬▬▬ ▬▬ ▬▬▬▬ ▬▬▬ ▬▬ ▬▬▬▬▬ ▬▬▬▬ ▬▬ ▬▬▬ ▬▬▬▬ ▬▬▬ ▬▬▬▬ ▬▬ ▬▬▬▬▬ ▬▬▬ ▬▬▬▬ ▬▬ ▬▬▬ ▬▬▬▬▬ ▬▬ ▬▬▬▬ ▬▬▬ ▬▬ ▬▬▬▬▬ ▬▬▬▬ ▬▬ ▬▬▬ ▬▬▬▬ ▬▬▬ ▬▬▬▬ ▬▬ ▬▬▬▬▬ ▬▬▬ ▬▬▬▬ ▬▬ ▬▬▬ ▬▬▬▬▬ ▬▬ ▬▬▬▬ ▬▬▬ ▬▬ ▬▬▬▬▬ ▬▬▬▬ ▬▬ ▬▬▬ ▬▬▬▬ ▬▬▬ ▬▬▬▬ ▬▬ ▬▬▬▬▬ ▬▬▬ ▬▬▬▬ ▬▬ ▬▬▬ ▬▬▬▬▬ ▬▬ ▬▬▬▬ ▬▬▬ ▬▬ ▬▬▬▬▬ ▬▬▬▬ ▬▬ ▬▬▬ ▬▬▬▬ ▬▬▬ ▬▬▬▬ ▬▬ ▬▬▬▬▬ ▬▬▬ ▬▬▬▬ ▬▬ ▬▬▬ ▬▬▬▬▬ ▬▬ ▬▬▬▬ ▬▬▬ ▬▬ ▬▬▬▬▬ ▬▬▬▬ ▬▬ ▬▬▬ ▬▬▬▬ ▬▬▬ ▬▬▬▬ ▬▬ ▬▬▬▬▬ ▬▬▬ ▬▬▬▬ ▬▬ ▬▬▬ ▬▬▬▬▬ ▬▬ ▬▬▬▬ ▬▬▬ ▬▬ ▬▬▬▬▬ ▬▬▬▬ ▬▬ ▬▬▬ ▬▬▬▬
PYNE, GOULD, GUINNESS, LTD., Land Department.
▬▬▬ ▬▬▬▬ ▬▬ ▬▬▬▬▬ ▬▬▬ ▬▬▬▬ ▬▬ ▬▬▬ ▬▬▬▬▬ ▬▬ ▬▬▬▬ ▬▬▬ ▬▬ ▬▬▬▬▬ ▬▬▬▬ ▬▬ ▬▬▬ ▬▬▬▬ ▬▬▬ ▬▬▬▬ ▬▬ ▬▬▬▬▬ ▬▬▬ ▬▬▬▬ ▬▬ ▬▬▬ ▬▬▬▬▬ ▬▬ ▬▬▬▬ ▬▬▬ ▬▬ ▬▬▬▬▬ ▬▬▬▬ ▬▬ ▬▬▬ ▬▬▬▬ ▬▬▬ ▬▬▬▬ ▬▬ ▬▬▬▬▬ ▬▬▬ ▬▬▬▬ ▬▬ ▬▬▬ ▬▬▬▬▬ ▬▬ ▬▬▬▬ ▬▬▬ ▬▬ ▬▬▬▬▬ ▬▬▬▬ ▬▬ ▬▬▬ ▬▬▬▬ ▬▬▬ ▬▬▬▬ ▬▬ ▬▬▬▬▬ ▬▬▬ ▬▬▬▬ ▬▬ ▬▬▬ ▬▬▬▬▬ ▬▬ ▬▬▬▬ ▬▬▬ ▬▬ ▬▬▬▬▬ ▬▬▬▬ ▬▬ ▬▬▬ ▬▬▬▬
MODERN HOUSE AND 2½ ACRES, SITUATED HORNSBY.
▬▬▬ ▬▬▬▬ ▬▬ ▬▬▬▬▬ ▬▬▬ ▬▬▬▬ ▬▬ ▬▬▬ ▬▬▬▬▬ ▬▬ ▬▬▬▬ ▬▬▬ ▬▬ ▬▬▬▬▬ ▬▬▬▬ ▬▬ ▬▬▬ ▬▬▬▬ ▬▬▬ ▬▬▬▬ ▬▬ ▬▬▬▬▬ ▬▬▬ ▬▬▬▬ ▬▬ ▬▬▬ ▬▬▬▬▬ ▬▬ ▬▬▬▬ ▬▬▬ ▬▬ ▬▬▬▬▬ ▬▬▬▬ ▬▬ ▬▬▬ ▬▬▬▬
SMALL DAIRY FARM.
▬▬▬ ▬▬▬▬ ▬▬ ▬▬▬▬▬ ▬▬▬ ▬▬▬▬ ▬▬ ▬▬▬ ▬▬▬▬▬ ▬▬ ▬▬▬▬ ▬▬▬ ▬▬ ▬▬▬▬▬ ▬▬▬▬ ▬▬ ▬▬▬ ▬▬▬▬ ▬▬▬ ▬▬▬▬ ▬▬ ▬▬▬▬▬ ▬▬▬ ▬▬▬▬ ▬▬ ▬▬▬ ▬▬▬▬▬ ▬▬ ▬▬▬▬ ▬▬▬ ▬▬ ▬▬▬▬▬ ▬▬▬▬ ▬▬ ▬▬▬ ▬▬▬▬ ▬▬▬ ▬▬▬▬ ▬▬ ▬▬▬▬▬ ▬▬▬ ▬▬▬▬ ▬▬ ▬▬▬ ▬▬▬▬▬ ▬▬ ▬▬▬▬ ▬▬▬ ▬▬ ▬▬▬▬▬ ▬▬▬▬ ▬▬ ▬▬▬ ▬▬▬▬ ▬▬▬ ▬▬▬▬ ▬▬ ▬▬▬▬▬ ▬▬▬ ▬▬▬▬ ▬▬ ▬▬▬ ▬▬▬▬▬ ▬▬ ▬▬▬▬ ▬▬▬ ▬▬ ▬▬▬▬▬ ▬▬▬▬ ▬▬ ▬▬▬ ▬▬▬▬ ▬▬▬ ▬▬▬▬ ▬▬ ▬▬▬▬▬ ▬▬▬ ▬▬▬▬ ▬▬ ▬▬▬ ▬▬▬▬▬ ▬▬ ▬▬▬▬ ▬▬▬ ▬▬ ▬▬▬▬▬ ▬▬▬▬ ▬▬ ▬▬▬ ▬▬▬▬
700 ACRES FREEHOLD.
▬▬▬ ▬▬▬▬ ▬▬ ▬▬▬▬▬ ▬▬▬ ▬▬▬▬ ▬▬ ▬▬▬ ▬▬▬▬▬ ▬▬ ▬▬▬▬ ▬▬▬ ▬▬ ▬▬▬▬▬ ▬▬▬▬ ▬▬ ▬▬▬ ▬▬▬▬ ▬▬▬ ▬▬▬▬ ▬▬ ▬▬▬▬▬ ▬▬▬ ▬▬▬▬ ▬▬ ▬▬▬ ▬▬▬▬▬ ▬▬ ▬▬▬▬ ▬▬▬ ▬▬ ▬▬▬▬▬ ▬▬▬▬ ▬▬ ▬▬▬ ▬▬▬▬ ▬▬▬ ▬▬▬▬ ▬▬ ▬▬▬▬▬ ▬▬▬ ▬▬▬▬ ▬▬ ▬▬▬ ▬▬▬▬▬ ▬▬ ▬▬▬▬ ▬▬▬ ▬▬ ▬▬▬▬▬ ▬▬▬▬ ▬▬ ▬▬▬ ▬▬▬▬
ALL FLAT, EXCELLENT SHEEP FATTENING COUNTRY, FIRST-CLASS TURNIP GROWING LAND.
▬▬▬ ▬▬▬▬ ▬▬ ▬▬▬▬▬ ▬▬▬ ▬▬▬▬ ▬▬ ▬▬▬ ▬▬▬▬▬ ▬▬ ▬▬▬▬ ▬▬▬ ▬▬ ▬▬▬▬▬ ▬▬▬▬ ▬▬ ▬▬▬ ▬▬▬▬ ▬▬▬ ▬▬▬▬ ▬▬ ▬▬▬▬▬ ▬▬▬ ▬▬▬▬ ▬▬ ▬▬▬ ▬▬▬▬▬ ▬▬ ▬▬▬▬ ▬▬▬ ▬▬ ▬▬▬▬▬ ▬▬▬▬ ▬▬ ▬▬▬ ▬▬▬▬ ▬▬▬ ▬▬▬▬ ▬▬ ▬▬▬▬▬ ▬▬▬ ▬▬▬▬ ▬▬ ▬▬▬ ▬▬▬▬▬ ▬▬ ▬▬▬▬ ▬▬▬ ▬▬ ▬▬▬▬▬ ▬▬▬▬ ▬▬ ▬▬▬ ▬▬▬▬ ▬▬▬ ▬▬▬▬ ▬▬ ▬▬▬▬▬ ▬▬▬ ▬▬▬▬ ▬▬ ▬▬▬ ▬▬▬▬▬ ▬▬ ▬▬▬▬ ▬▬▬ ▬▬ ▬▬▬▬▬ ▬▬▬▬ ▬▬ ▬▬▬ ▬▬▬▬ ▬▬▬ ▬▬▬▬ ▬▬ ▬▬▬▬▬ ▬▬▬ ▬▬▬▬ ▬▬ ▬▬▬ ▬▬▬▬▬ ▬▬ ▬▬▬▬ ▬▬▬ ▬▬ ▬▬▬▬▬ ▬▬▬▬ ▬▬ ▬▬▬ ▬▬▬▬ ▬▬▬ ▬▬▬▬ ▬▬ ▬▬▬▬▬ ▬▬▬ ▬▬▬▬ ▬▬ ▬▬▬ ▬▬▬▬▬ ▬▬ ▬▬▬▬ ▬▬▬ ▬▬ ▬▬▬▬▬ ▬▬▬▬ ▬▬ ▬▬▬ ▬▬▬▬
PYNE, GOULD, GUINNESS, LTD., Land Department.
▬▬▬ ▬▬▬▬ ▬▬ ▬▬▬▬▬ ▬▬▬ ▬▬▬▬ ▬▬ ▬▬▬ ▬▬▬▬▬ ▬▬ ▬▬▬▬ ▬▬▬ ▬▬ ▬▬▬▬▬ ▬▬▬▬ ▬▬ ▬▬▬ ▬▬▬▬ ▬▬▬ ▬▬▬▬ ▬▬ ▬▬▬▬▬ ▬▬▬ ▬▬▬▬ ▬▬ ▬▬▬ ▬▬▬▬▬ ▬▬ ▬▬▬▬ ▬▬▬ ▬▬ ▬▬▬▬▬ ▬▬▬▬ ▬▬ ▬▬▬ ▬▬▬▬ ▬▬▬ ▬▬▬▬ ▬▬ ▬▬▬▬▬ ▬▬▬ ▬▬▬▬ ▬▬ ▬▬▬ ▬▬▬▬▬ ▬▬ ▬▬▬▬ ▬▬▬ ▬▬ ▬▬▬▬▬ ▬▬▬▬ ▬▬ ▬▬▬ ▬▬▬▬ ▬▬▬ ▬▬▬▬ ▬▬ ▬▬▬▬▬ ▬▬▬ ▬▬▬▬ ▬▬ ▬▬▬ ▬▬▬▬▬ ▬▬ ▬▬▬▬ ▬▬▬ ▬▬ ▬▬▬▬▬ ▬▬▬▬ ▬▬ ▬▬▬ ▬▬▬▬
SHEEP COUNTRY.
▬▬▬ ▬▬▬▬ ▬▬ ▬▬▬▬▬ ▬▬▬ ▬▬▬▬ ▬▬ ▬▬▬ ▬▬▬▬▬ ▬▬ ▬▬▬▬ ▬▬▬ ▬▬ ▬▬▬▬▬ ▬▬▬▬ ▬▬ ▬▬▬ ▬▬▬▬ ▬▬▬ ▬▬▬▬ ▬▬ ▬▬▬▬▬ ▬▬▬ ▬▬▬▬ ▬▬ ▬▬▬ ▬▬▬▬▬ ▬▬ ▬▬▬▬ ▬▬▬ ▬▬ ▬▬▬▬▬ ▬▬▬▬ ▬▬ ▬▬▬ ▬▬▬▬
CHARLES CLARK.
CHARLES CLARK, 100 HEREFORD STREET. ESTABLISHED 1861.
▬▬▬ ▬▬▬▬ ▬▬ ▬▬▬▬▬ ▬▬▬ ▬▬▬▬ ▬▬ ▬▬▬ ▬▬▬▬▬ ▬▬ ▬▬▬▬ ▬▬▬ ▬▬ ▬▬▬▬▬ ▬▬▬▬ ▬▬ ▬▬▬ ▬▬▬▬ ▬▬▬ ▬▬▬▬ ▬▬ ▬▬▬▬▬ ▬▬▬ ▬▬▬▬ ▬▬ ▬▬▬ ▬▬▬▬▬ ▬▬ ▬▬▬▬ ▬▬▬ ▬▬ ▬▬▬▬▬ ▬▬▬▬ ▬▬ ▬▬▬ ▬▬▬▬ ▬▬▬ ▬▬▬▬ ▬▬ ▬▬▬▬▬ ▬▬▬ ▬▬▬▬ ▬▬ ▬▬▬ ▬▬▬▬▬ ▬▬ ▬▬▬▬ ▬▬▬ ▬▬ ▬▬▬▬▬ ▬▬▬▬ ▬▬ ▬▬▬ ▬▬▬▬
RICCARTON ESTATE.
▬▬▬ ▬▬▬▬ ▬▬ ▬▬▬▬▬ ▬▬▬ ▬▬▬▬ ▬▬ ▬▬▬ ▬▬▬▬▬ ▬▬ ▬▬▬▬ ▬▬▬ ▬▬ ▬▬▬▬▬ ▬▬▬▬ ▬▬ ▬▬▬ ▬▬▬▬ ▬▬▬ ▬▬▬▬ ▬▬ ▬▬▬▬▬ ▬▬▬ ▬▬▬▬ ▬▬ ▬▬▬ ▬▬▬▬▬ ▬▬ ▬▬▬▬ ▬▬▬ ▬▬ ▬▬▬▬▬ ▬▬▬▬ ▬▬ ▬▬▬ ▬▬▬▬ ▬▬▬ ▬▬▬▬ ▬▬ ▬▬▬▬▬ ▬▬▬ ▬▬▬▬ ▬▬ ▬▬▬ ▬▬▬▬▬ ▬▬ ▬▬▬▬ ▬▬▬ ▬▬ ▬▬▬▬▬ ▬▬▬▬ ▬▬ ▬▬▬ ▬▬▬▬ ▬▬▬ ▬▬▬▬ ▬▬ ▬▬▬▬▬ ▬▬▬ ▬▬▬▬ ▬▬ ▬▬▬ ▬▬▬▬▬ ▬▬ ▬▬▬▬ ▬▬▬ ▬▬ ▬▬▬▬▬ ▬▬▬▬ ▬▬ ▬▬▬ ▬▬▬▬ ▬▬▬ ▬▬▬▬ ▬▬ ▬▬▬▬▬ ▬▬▬ ▬▬▬▬ ▬▬ ▬▬▬ ▬▬▬▬▬ ▬▬ ▬▬▬▬ ▬▬▬ ▬▬ ▬▬▬▬▬ ▬▬▬▬ ▬▬ ▬▬▬ ▬▬▬▬ ▬▬▬ ▬▬▬▬ ▬▬ ▬▬▬▬▬ ▬▬▬ ▬▬▬▬ ▬▬ ▬▬▬ ▬▬▬▬▬ ▬▬ ▬▬▬▬ ▬▬▬ ▬▬ ▬▬▬▬▬ ▬▬▬▬ ▬▬ ▬▬▬ ▬▬▬▬
EIGHTH SUBDIVISION, THIRD PART.
▬▬▬ ▬▬▬▬ ▬▬ ▬▬▬▬▬ ▬▬▬ ▬▬▬▬ ▬▬ ▬▬▬ ▬▬▬▬▬ ▬▬ ▬▬▬▬ ▬▬▬ ▬▬ ▬▬▬▬▬ ▬▬▬▬ ▬▬ ▬▬▬ ▬▬▬▬ ▬▬▬ ▬▬▬▬ ▬▬ ▬▬▬▬▬ ▬▬▬ ▬▬▬▬ ▬▬ ▬▬▬ ▬▬▬▬▬ ▬▬ ▬▬▬▬ ▬▬▬ ▬▬ ▬▬▬▬▬ ▬▬▬▬ ▬▬ ▬▬▬ ▬▬▬▬ ▬▬▬ ▬▬▬▬ ▬▬ ▬▬▬▬▬ ▬▬▬ ▬▬▬▬ ▬▬ ▬▬▬ ▬▬▬▬▬ ▬▬ ▬▬▬▬ ▬▬▬ ▬▬ ▬▬▬▬▬ ▬▬▬▬ ▬▬ ▬▬▬ ▬▬▬▬ ▬▬▬ ▬▬▬▬ ▬▬ ▬▬▬▬▬ ▬▬▬ ▬▬▬▬ ▬▬ ▬▬▬ ▬▬▬▬▬ ▬▬ ▬▬▬▬ ▬▬▬ ▬▬ ▬▬▬▬▬ ▬▬▬▬ ▬▬ ▬▬▬ ▬▬▬▬
£725 OR OFFER.
▬▬▬ ▬▬▬▬ ▬▬ ▬▬▬▬▬ ▬▬▬ ▬▬▬▬ ▬▬ ▬▬▬ ▬▬▬▬▬ ▬▬ ▬▬▬▬ ▬▬▬ ▬▬ ▬▬▬▬▬ ▬▬▬▬ ▬▬ ▬▬▬ ▬▬▬▬ ▬▬▬ ▬▬▬▬ ▬▬ ▬▬▬▬▬ ▬▬▬ ▬▬▬▬ ▬▬ ▬▬▬ ▬▬▬▬▬ ▬▬ ▬▬▬▬ ▬▬▬ ▬▬ ▬▬▬▬▬ ▬▬▬▬ ▬▬ ▬▬▬ ▬▬▬▬
CASHMERE HILLS.
▬▬▬ ▬▬▬▬ ▬▬ ▬▬▬▬▬ ▬▬▬ ▬▬▬▬ ▬▬ ▬▬▬ ▬▬▬▬▬ ▬▬ ▬▬▬▬ ▬▬▬ ▬▬ ▬▬▬▬▬ ▬▬▬▬ ▬▬ ▬▬▬ ▬▬▬▬ ▬▬▬ ▬▬▬▬ ▬▬ ▬▬▬▬▬ ▬▬▬ ▬▬▬▬ ▬▬ ▬▬▬ ▬▬▬▬▬ ▬▬ ▬▬▬▬ ▬▬▬ ▬▬ ▬▬▬▬▬ ▬▬▬▬ ▬▬ ▬▬▬ ▬▬▬▬ ▬▬▬ ▬▬▬▬ ▬▬ ▬▬▬▬▬ ▬▬▬ ▬▬▬▬ ▬▬ ▬▬▬ ▬▬▬▬▬ ▬▬ ▬▬▬▬ ▬▬▬ ▬▬ ▬▬▬▬▬ ▬▬▬▬ ▬▬ ▬▬▬ ▬▬▬▬ ▬▬▬ ▬▬▬▬ ▬▬ ▬▬▬▬▬ ▬▬▬ ▬▬▬▬ ▬▬ ▬▬▬ ▬▬▬▬▬ ▬▬ ▬▬▬▬ ▬▬▬ ▬▬ ▬▬▬▬▬ ▬▬▬▬ ▬▬ ▬▬▬ ▬▬▬▬ ▬▬▬ ▬▬▬▬ ▬▬ ▬▬▬▬▬ ▬▬▬ ▬▬▬▬ ▬▬ ▬▬▬ ▬▬▬▬▬ ▬▬ ▬▬▬▬ ▬▬▬ ▬▬ ▬▬▬▬▬ ▬▬▬▬ ▬▬ ▬▬▬ ▬▬▬▬
£2200.
▬▬▬ ▬▬▬▬ ▬▬ ▬▬▬▬▬ ▬▬▬ ▬▬▬▬ ▬▬ ▬▬▬ ▬▬▬▬▬ ▬▬ ▬▬▬▬ ▬▬▬ ▬▬ ▬▬▬▬▬ ▬▬▬▬ ▬▬ ▬▬▬ ▬▬▬▬ ▬▬▬ ▬▬▬▬ ▬▬ ▬▬▬▬▬ ▬▬▬ ▬▬▬▬ ▬▬ ▬▬▬ ▬▬▬▬▬ ▬▬ ▬▬▬▬ ▬▬▬ ▬▬ ▬▬▬▬▬ ▬▬▬▬ ▬▬ ▬▬▬ ▬▬▬▬ ▬▬▬ ▬▬▬▬ ▬▬ ▬▬▬▬▬ ▬▬▬ ▬▬▬▬ ▬▬ ▬▬▬ ▬▬▬▬▬ ▬▬ ▬▬▬▬ ▬▬▬ ▬▬ ▬▬▬▬▬ ▬▬▬▬ ▬▬ ▬▬▬ ▬▬▬▬
ST. ALBANS WEST.
▬▬▬ ▬▬▬▬ ▬▬ ▬▬▬▬▬ ▬▬▬ ▬▬▬▬ ▬▬ ▬▬▬ ▬▬▬▬▬ ▬▬ ▬▬▬▬ ▬▬▬ ▬▬ ▬▬▬▬▬ ▬▬▬▬ ▬▬ ▬▬▬ ▬▬▬▬ ▬▬▬ ▬▬▬▬ ▬▬ ▬▬▬▬▬ ▬▬▬ ▬▬▬▬ ▬▬ ▬▬▬ ▬▬▬▬▬ ▬▬ ▬▬▬▬ ▬▬▬ ▬▬ ▬▬▬▬▬ ▬▬▬▬ ▬▬ ▬▬▬ ▬▬▬▬ ▬▬▬ ▬▬▬▬ ▬▬ ▬▬▬▬▬ ▬▬▬ ▬▬▬▬ ▬▬ ▬▬▬ ▬▬▬▬▬ ▬▬ ▬▬▬▬ ▬▬▬ ▬▬ ▬▬▬▬▬ ▬▬▬▬ ▬▬ ▬▬▬ ▬▬▬▬ ▬▬▬ ▬▬▬▬ ▬▬ ▬▬▬▬▬ ▬▬▬ ▬▬▬▬ ▬▬ ▬▬▬ ▬▬▬▬▬ ▬▬ ▬▬▬▬ ▬▬▬ ▬▬ ▬▬▬▬▬ ▬▬▬▬ ▬▬ ▬▬▬ ▬▬▬▬ ▬▬▬ ▬▬▬▬ ▬▬ ▬▬▬▬▬ ▬▬▬ ▬▬▬▬ ▬▬ ▬▬▬ ▬▬▬▬▬ ▬▬ ▬▬▬▬ ▬▬▬ ▬▬ ▬▬▬▬▬ ▬▬▬▬ ▬▬ ▬▬▬ ▬▬▬▬ ▬▬▬ ▬▬▬▬ ▬▬ ▬▬▬▬▬ ▬▬▬ ▬▬▬▬ ▬▬ ▬▬▬ ▬▬▬▬▬ ▬▬ ▬▬▬▬ ▬▬▬ ▬▬ ▬▬▬▬▬ ▬▬▬▬ ▬▬ ▬▬▬ ▬▬▬▬
AN IDEAL HOME IN AN IDEAL LOCALITY.
▬▬▬ ▬▬▬▬ ▬▬ ▬▬▬▬▬ ▬▬▬ ▬▬▬▬ ▬▬ ▬▬▬ ▬▬▬▬▬ ▬▬ ▬▬▬▬ ▬▬▬ ▬▬ ▬▬▬▬▬ ▬▬▬▬ ▬▬ ▬▬▬ ▬▬▬▬ ▬▬▬ ▬▬▬▬ ▬▬ ▬▬▬▬▬ ▬▬▬ ▬▬▬▬ ▬▬ ▬▬▬ ▬▬▬▬▬ ▬▬ ▬▬▬▬ ▬▬▬ ▬▬ ▬▬▬▬▬ ▬▬▬▬ ▬▬ ▬▬▬ ▬▬▬▬ ▬▬▬ ▬▬▬▬ ▬▬ ▬▬▬▬▬ ▬▬▬ ▬▬▬▬ ▬▬ ▬▬▬ ▬▬▬▬▬ ▬▬ ▬▬▬▬ ▬▬▬ ▬▬ ▬▬▬▬▬ ▬▬▬▬ ▬▬ ▬▬▬ ▬▬▬▬ ▬▬▬ ▬▬▬▬ ▬▬ ▬▬▬▬▬ ▬▬▬ ▬▬▬▬ ▬▬ ▬▬▬ ▬▬▬▬▬ ▬▬ ▬▬▬▬ ▬▬▬ ▬▬ ▬▬▬▬▬ ▬▬▬▬ ▬▬ ▬▬▬ ▬▬▬▬
£1600.
▬▬▬ ▬▬▬▬ ▬▬ ▬▬▬▬▬ ▬▬▬ ▬▬▬▬ ▬▬ ▬▬▬ ▬▬▬▬▬ ▬▬ ▬▬▬▬ ▬▬▬ ▬▬ ▬▬▬▬▬ ▬▬▬▬ ▬▬ ▬▬▬ ▬▬▬▬ ▬▬▬ ▬▬▬▬ ▬▬ ▬▬▬▬▬ ▬▬▬ ▬▬▬▬ ▬▬ ▬▬▬ ▬▬▬▬▬ ▬▬ ▬▬▬▬ ▬▬▬ ▬▬ ▬▬▬▬▬ ▬▬▬▬ ▬▬ ▬▬▬ ▬▬▬▬
JUST OVER BEALEY AVENUE.
▬▬▬ ▬▬▬▬ ▬▬ ▬▬▬▬▬ ▬▬▬ ▬▬▬▬ ▬▬ ▬▬▬ ▬▬▬▬▬ ▬▬ ▬▬▬▬ ▬▬▬ ▬▬ ▬▬▬▬▬ ▬▬▬▬ ▬▬ ▬▬▬ ▬▬▬▬ ▬▬▬ ▬▬▬▬ ▬▬ ▬▬▬▬▬ ▬▬▬ ▬▬▬▬ ▬▬ ▬▬▬ ▬▬▬▬▬ ▬▬ ▬▬▬▬ ▬▬▬ ▬▬ ▬▬▬▬▬ ▬▬▬▬ ▬▬ ▬▬▬ ▬▬▬▬ ▬▬▬ ▬▬▬▬ ▬▬ ▬▬▬▬▬ ▬▬▬ ▬▬▬▬ ▬▬ ▬▬▬ ▬▬▬▬▬ ▬▬ ▬▬▬▬ ▬▬▬ ▬▬ ▬▬▬▬▬ ▬▬▬▬ ▬▬ ▬▬▬ ▬▬▬▬ ▬▬▬ ▬▬▬▬ ▬▬ ▬▬▬▬▬ ▬▬▬ ▬▬▬▬ ▬▬ ▬▬▬ ▬▬▬▬▬ ▬▬ ▬▬▬▬ ▬▬▬ ▬▬ ▬▬▬▬▬ ▬▬▬▬ ▬▬ ▬▬▬ ▬▬▬▬ ▬▬▬ ▬▬▬▬ ▬▬ ▬▬▬▬▬ ▬▬▬ ▬▬▬▬ ▬▬ ▬▬▬ ▬▬▬▬▬ ▬▬ ▬▬▬▬ ▬▬▬ ▬▬ ▬▬▬▬▬ ▬▬▬▬ ▬▬ ▬▬▬ ▬▬▬▬
CHARLES CLARK.
▬▬▬ ▬▬▬▬ ▬▬ ▬▬▬▬▬ ▬▬▬ ▬▬▬▬ ▬▬ ▬▬▬ ▬▬▬▬▬ ▬▬ ▬▬▬▬ ▬▬▬ ▬▬ ▬▬▬▬▬ ▬▬▬▬ ▬▬ ▬▬▬ ▬▬▬▬ ▬▬▬ ▬▬▬▬ ▬▬ ▬▬▬▬▬ ▬▬▬ ▬▬▬▬ ▬▬ ▬▬▬ ▬▬▬▬▬ ▬▬ ▬▬▬▬ ▬▬▬ ▬▬ ▬▬▬▬▬ ▬▬▬▬ ▬▬ ▬▬▬ ▬▬▬▬ ▬▬▬ ▬▬▬▬ ▬▬ ▬▬▬▬▬ ▬▬▬ ▬▬▬▬ ▬▬ ▬▬▬ ▬▬▬▬▬ ▬▬ ▬▬▬▬ ▬▬▬ ▬▬ ▬▬▬▬▬ ▬▬▬▬ ▬▬ ▬▬▬ ▬▬▬▬
AUCTIONS.
McKENZIE AND WILLIS.
Search near, search far, search high, search low, and nowhere will you find prices to equal McKenzie and Willis ones.
▬▬▬ ▬▬▬▬ ▬▬ ▬▬▬▬▬ ▬▬▬ ▬▬▬▬ ▬▬ ▬▬▬ ▬▬▬▬▬ ▬▬ ▬▬▬▬ ▬▬▬ ▬▬ ▬▬▬▬▬ ▬▬▬▬ ▬▬ ▬▬▬ ▬▬▬▬ ▬▬▬ ▬▬▬▬ ▬▬ ▬▬▬▬▬ ▬▬▬ ▬▬▬▬ ▬▬ ▬▬▬ ▬▬▬▬▬ ▬▬ ▬▬▬▬ ▬▬▬ ▬▬ ▬▬▬▬▬ ▬▬▬▬ ▬▬ ▬▬▬ ▬▬▬▬ ▬▬▬ ▬▬▬▬ ▬▬ ▬▬▬▬▬ ▬▬▬ ▬▬▬▬ ▬▬ ▬▬▬ ▬▬▬▬▬ ▬▬ ▬▬▬▬ ▬▬▬ ▬▬ ▬▬▬▬▬ ▬▬▬▬ ▬▬ ▬▬▬ ▬▬▬▬ ▬▬▬ ▬▬▬▬ ▬▬ ▬▬▬▬▬ ▬▬▬ ▬▬▬▬ ▬▬ ▬▬▬ ▬▬▬▬▬ ▬▬ ▬▬▬▬ ▬▬▬ ▬▬ ▬▬▬▬▬ ▬▬▬▬ ▬▬ ▬▬▬ ▬▬▬▬ ▬▬▬ ▬▬▬▬ ▬▬ ▬▬▬▬▬ ▬▬▬ ▬▬▬▬ ▬▬ ▬▬▬ ▬▬▬▬▬ ▬▬ ▬▬▬▬ ▬▬▬ ▬▬ ▬▬▬▬▬ ▬▬▬▬ ▬▬ ▬▬▬ ▬▬▬▬ ▬▬▬ ▬▬▬▬ ▬▬ ▬▬▬▬▬ ▬▬▬ ▬▬▬▬ ▬▬ ▬▬▬ ▬▬▬▬▬ ▬▬ ▬▬▬▬ ▬▬▬ ▬▬ ▬▬▬▬▬ ▬▬▬▬ ▬▬ ▬▬▬ ▬▬▬▬
NEW ZEALAND ALL WOOL FULL SIZE WHITE BLANKETS
▬▬▬ ▬▬▬▬ ▬▬ ▬▬▬▬▬ ▬▬▬ ▬▬▬▬ ▬▬ ▬▬▬ ▬▬▬▬▬ ▬▬ ▬▬▬▬ ▬▬▬ ▬▬ ▬▬▬▬▬ ▬▬▬▬ ▬▬ ▬▬▬ ▬▬▬▬ ▬▬▬ ▬▬▬▬ ▬▬ ▬▬▬▬▬ ▬▬▬ ▬▬▬▬ ▬▬ ▬▬▬ ▬▬▬▬▬ ▬▬ ▬▬▬▬ ▬▬▬ ▬▬ ▬▬▬▬▬ ▬▬▬▬ ▬▬ ▬▬▬ ▬▬▬▬ ▬▬▬ ▬▬▬▬ ▬▬ ▬▬▬▬▬ ▬▬▬ ▬▬▬▬ ▬▬ ▬▬▬ ▬▬▬▬▬ ▬▬ ▬▬▬▬ ▬▬▬ ▬▬ ▬▬▬▬▬ ▬▬▬▬ ▬▬ ▬▬▬ ▬▬▬▬ ▬▬▬ ▬▬▬▬ ▬▬ ▬▬▬▬▬ ▬▬▬ ▬▬▬▬ ▬▬ ▬▬▬ ▬▬▬▬▬ ▬▬ ▬▬▬▬ ▬▬▬ ▬▬ ▬▬▬▬▬ ▬▬▬▬ ▬▬ ▬▬▬ ▬▬▬▬
SINGLE BED SIZE, 21s 6d PAIR.
▬▬▬ ▬▬▬▬ ▬▬ ▬▬▬▬▬ ▬▬▬ ▬▬▬▬ ▬▬ ▬▬▬ ▬▬▬▬▬ ▬▬ ▬▬▬▬ ▬▬▬ ▬▬ ▬▬▬▬▬ ▬▬▬▬ ▬▬ ▬▬▬ ▬▬▬▬ ▬▬▬ ▬▬▬▬ ▬▬ ▬▬▬▬▬ ▬▬▬ ▬▬▬▬ ▬▬ ▬▬▬ ▬▬▬▬▬ ▬▬ ▬▬▬▬ ▬▬▬ ▬▬ ▬▬▬▬▬ ▬▬▬▬ ▬▬ ▬▬▬ ▬▬▬▬
DOWN QUILTS.
▬▬▬ ▬▬▬▬ ▬▬ ▬▬▬▬▬ ▬▬▬ ▬▬▬▬ ▬▬ ▬▬▬ ▬▬▬▬▬ ▬▬ ▬▬▬▬ ▬▬▬ ▬▬ ▬▬▬▬▬ ▬▬▬▬ ▬▬ ▬▬▬ ▬▬▬▬ ▬▬▬ ▬▬▬▬ ▬▬ ▬▬▬▬▬ ▬▬▬ ▬▬▬▬ ▬▬ ▬▬▬ ▬▬▬▬▬ ▬▬ ▬▬▬▬ ▬▬▬ ▬▬ ▬▬▬▬▬ ▬▬▬▬ ▬▬ ▬▬▬ ▬▬▬▬ ▬▬▬ ▬▬▬▬ ▬▬ ▬▬▬▬▬ ▬▬▬ ▬▬▬▬ ▬▬ ▬▬▬ ▬▬▬▬▬ ▬▬ ▬▬▬▬ ▬▬▬ ▬▬ ▬▬▬▬▬ ▬▬▬▬ ▬▬ ▬▬▬ ▬▬▬▬ ▬▬▬ ▬▬▬▬ ▬▬ ▬▬▬▬▬ ▬▬▬ ▬▬▬▬ ▬▬ ▬▬▬ ▬▬▬▬▬ ▬▬ ▬▬▬▬ ▬▬▬ ▬▬ ▬▬▬▬▬ ▬▬▬▬ ▬▬ ▬▬▬ ▬▬▬▬ ▬▬▬ ▬▬▬▬ ▬▬ ▬▬▬▬▬ ▬▬▬ ▬▬▬▬ ▬▬ ▬▬▬ ▬▬▬▬▬ ▬▬ ▬▬▬▬ ▬▬▬ ▬▬ ▬▬▬▬▬ ▬▬▬▬ ▬▬ ▬▬▬ ▬▬▬▬
FURNITURE. FURNISHINGS.
▬▬▬ ▬▬▬▬ ▬▬ ▬▬▬▬▬ ▬▬▬ ▬▬▬▬ ▬▬ ▬▬▬ ▬▬▬▬▬ ▬▬ ▬▬▬▬ ▬▬▬ ▬▬ ▬▬▬▬▬ ▬▬▬▬ ▬▬ ▬▬▬ ▬▬▬▬ ▬▬▬ ▬▬▬▬ ▬▬ ▬▬▬▬▬ ▬▬▬ ▬▬▬▬ ▬▬ ▬▬▬ ▬▬▬▬▬ ▬▬ ▬▬▬▬ ▬▬▬ ▬▬ ▬▬▬▬▬ ▬▬▬▬ ▬▬ ▬▬▬ ▬▬▬▬ ▬▬▬ ▬▬▬▬ ▬▬ ▬▬▬▬▬ ▬▬▬ ▬▬▬▬ ▬▬ ▬▬▬ ▬▬▬▬▬ ▬▬ ▬▬▬▬ ▬▬▬ ▬▬ ▬▬▬▬▬ ▬▬▬▬ ▬▬ ▬▬▬ ▬▬▬▬
LINOLEUM.
▬▬▬ ▬▬▬▬ ▬▬ ▬▬▬▬▬ ▬▬▬ ▬▬▬▬ ▬▬ ▬▬▬ ▬▬▬▬▬ ▬▬ ▬▬▬▬ ▬▬▬ ▬▬ ▬▬▬▬▬ ▬▬▬▬ ▬▬ ▬▬▬ ▬▬▬▬ ▬▬▬ ▬▬▬▬ ▬▬ ▬▬▬▬▬ ▬▬▬ ▬▬▬▬ ▬▬ ▬▬▬ ▬▬▬▬▬ ▬▬ ▬▬▬▬ ▬▬▬ ▬▬ ▬▬▬▬▬ ▬▬▬▬ ▬▬ ▬▬▬ ▬▬▬▬ ▬▬▬ ▬▬▬▬ ▬▬ ▬▬▬▬▬ ▬▬▬ ▬▬▬▬ ▬▬ ▬▬▬ ▬▬▬▬▬ ▬▬ ▬▬▬▬ ▬▬▬ ▬▬ ▬▬▬▬▬ ▬▬▬▬ ▬▬ ▬▬▬ ▬▬▬▬ ▬▬▬ ▬▬▬▬ ▬▬ ▬▬▬▬▬ ▬▬▬ ▬▬▬▬ ▬▬ ▬▬▬ ▬▬▬▬▬ ▬▬ ▬▬▬▬ ▬▬▬ ▬▬ ▬▬▬▬▬ ▬▬▬▬ ▬▬ ▬▬▬ ▬▬▬▬ ▬▬▬ ▬▬▬▬ ▬▬ ▬▬▬▬▬ ▬▬▬ ▬▬▬▬ ▬▬ ▬▬▬ ▬▬▬▬▬ ▬▬ ▬▬▬▬ ▬▬▬ ▬▬ ▬▬▬▬▬ ▬▬▬▬ ▬▬ ▬▬▬ ▬▬▬▬ ▬▬▬ ▬▬▬▬ ▬▬ ▬▬▬▬▬ ▬▬▬ ▬▬▬▬ ▬▬ ▬▬▬ ▬▬▬▬▬ ▬▬ ▬▬▬▬ ▬▬▬ ▬▬ ▬▬▬▬▬ ▬▬▬▬ ▬▬ ▬▬▬ ▬▬▬▬
EASY TIME PAYMENTS.
▬▬▬ ▬▬▬▬ ▬▬ ▬▬▬▬▬ ▬▬▬ ▬▬▬▬ ▬▬ ▬▬▬ ▬▬▬▬▬ ▬▬ ▬▬▬▬ ▬▬▬ ▬▬ ▬▬▬▬▬ ▬▬▬▬ ▬▬ ▬▬▬ ▬▬▬▬ ▬▬▬ ▬▬▬▬ ▬▬ ▬▬▬▬▬ ▬▬▬ ▬▬▬▬ ▬▬ ▬▬▬ ▬▬▬▬▬ ▬▬ ▬▬▬▬ ▬▬▬ ▬▬ ▬▬▬▬▬ ▬▬▬▬ ▬▬ ▬▬▬ ▬▬▬▬ ▬▬▬ ▬▬▬▬ ▬▬ ▬▬▬▬▬ ▬▬▬ ▬▬▬▬ ▬▬ ▬▬▬ ▬▬▬▬▬ ▬▬ ▬▬▬▬ ▬▬▬ ▬▬ ▬▬▬▬▬ ▬▬▬▬ ▬▬ ▬▬▬ ▬▬▬▬ ▬▬▬ ▬▬▬▬ ▬▬ ▬▬▬▬▬ ▬▬▬ ▬▬▬▬ ▬▬ ▬▬▬ ▬▬▬▬▬ ▬▬ ▬▬▬▬ ▬▬▬ ▬▬ ▬▬▬▬▬ ▬▬▬▬ ▬▬ ▬▬▬ ▬▬▬▬
McKENZIE AND WILLIS.
▬▬▬ ▬▬▬▬ ▬▬ ▬▬▬▬▬ ▬▬▬ ▬▬▬▬ ▬▬ ▬▬▬ ▬▬▬▬▬ ▬▬ ▬▬▬▬ ▬▬▬ ▬▬ ▬▬▬▬▬ ▬▬▬▬ ▬▬ ▬▬▬ ▬▬▬▬ ▬▬▬ ▬▬▬▬ ▬▬ ▬▬▬▬▬ ▬▬▬ ▬▬▬▬ ▬▬ ▬▬▬ ▬▬▬▬▬ ▬▬ ▬▬▬▬ ▬▬▬ ▬▬ ▬▬▬▬▬ ▬▬▬▬ ▬▬ ▬▬▬ ▬▬▬▬
P. S. NICHOLLS AND CO., LTD.
LOOK!
▬▬▬ ▬▬▬▬ ▬▬ ▬▬▬▬▬ ▬▬▬ ▬▬▬▬ ▬▬ ▬▬▬ ▬▬▬▬▬ ▬▬ ▬▬▬▬ ▬▬▬ ▬▬ ▬▬▬▬▬ ▬▬▬▬ ▬▬ ▬▬▬ ▬▬▬▬ ▬▬▬ ▬▬▬▬ ▬▬ ▬▬▬▬▬ ▬▬▬ ▬▬▬▬ ▬▬ ▬▬▬ ▬▬▬▬▬ ▬▬ ▬▬▬▬ ▬▬▬ ▬▬ ▬▬▬▬▬ ▬▬▬▬ ▬▬ ▬▬▬ ▬▬▬▬ ▬▬▬ ▬▬▬▬ ▬▬ ▬▬▬▬▬ ▬▬▬ ▬▬▬▬ ▬▬ ▬▬▬ ▬▬▬▬▬ ▬▬ ▬▬▬▬ ▬▬▬ ▬▬ ▬▬▬▬▬ ▬▬▬▬ ▬▬ ▬▬▬ ▬▬▬▬
UNPRECEDENTED OPPORTUNITY FOR THE FARMER WITH SONS GROWING UP.
▬▬▬ ▬▬▬▬ ▬▬ ▬▬▬▬▬ ▬▬▬ ▬▬▬▬ ▬▬ ▬▬▬ ▬▬▬▬▬ ▬▬ ▬▬▬▬ ▬▬▬ ▬▬ ▬▬▬▬▬ ▬▬▬▬ ▬▬ ▬▬▬ ▬▬▬▬ ▬▬▬ ▬▬▬▬ ▬▬ ▬▬▬▬▬ ▬▬▬ ▬▬▬▬ ▬▬ ▬▬▬ ▬▬▬▬▬ ▬▬ ▬▬▬▬ ▬▬▬ ▬▬ ▬▬▬▬▬ ▬▬▬▬ ▬▬ ▬▬▬ ▬▬▬▬ ▬▬▬ ▬▬▬▬ ▬▬ ▬▬▬▬▬ ▬▬▬ ▬▬▬▬ ▬▬ ▬▬▬ ▬▬▬▬▬ ▬▬ ▬▬▬▬ ▬▬▬ ▬▬ ▬▬▬▬▬ ▬▬▬▬ ▬▬ ▬▬▬ ▬▬▬▬ ▬▬▬ ▬▬▬▬ ▬▬ ▬▬▬▬▬ ▬▬▬ ▬▬▬▬ ▬▬ ▬▬▬ ▬▬▬▬▬ ▬▬ ▬▬▬▬ ▬▬▬ ▬▬ ▬▬▬▬▬ ▬▬▬▬ ▬▬ ▬▬▬ ▬▬▬▬ ▬▬▬ ▬▬▬▬ ▬▬ ▬▬▬▬▬ ▬▬▬ ▬▬▬▬ ▬▬ ▬▬▬ ▬▬▬▬▬ ▬▬ ▬▬▬▬ ▬▬▬ ▬▬ ▬▬▬▬▬ ▬▬▬▬ ▬▬ ▬▬▬ ▬▬▬▬ ▬▬▬ ▬▬▬▬ ▬▬ ▬▬▬▬▬ ▬▬▬ ▬▬▬▬ ▬▬ ▬▬▬ ▬▬▬▬▬ ▬▬ ▬▬▬▬ ▬▬▬ ▬▬ ▬▬▬▬▬ ▬▬▬▬ ▬▬ ▬▬▬ ▬▬▬▬
THE BIGGEST BARGAIN OFFERED IN FARM PROPERTIES SINCE 1914.
▬▬▬ ▬▬▬▬ ▬▬ ▬▬▬▬▬ ▬▬▬ ▬▬▬▬ ▬▬ ▬▬▬ ▬▬▬▬▬ ▬▬ ▬▬▬▬ ▬▬▬ ▬▬ ▬▬▬▬▬ ▬▬▬▬ ▬▬ ▬▬▬ ▬▬▬▬ ▬▬▬ ▬▬▬▬ ▬▬ ▬▬▬▬▬ ▬▬▬ ▬▬▬▬ ▬▬ ▬▬▬ ▬▬▬▬▬ ▬▬ ▬▬▬▬ ▬▬▬ ▬▬ ▬▬▬▬▬ ▬▬▬▬ ▬▬ ▬▬▬ ▬▬▬▬ ▬▬▬ ▬▬▬▬ ▬▬ ▬▬▬▬▬ ▬▬▬ ▬▬▬▬ ▬▬ ▬▬▬ ▬▬▬▬▬ ▬▬ ▬▬▬▬ ▬▬▬ ▬▬ ▬▬▬▬▬ ▬▬▬▬ ▬▬ ▬▬▬ ▬▬▬▬ ▬▬▬ ▬▬▬▬ ▬▬ ▬▬▬▬▬ ▬▬▬ ▬▬▬▬ ▬▬ ▬▬▬ ▬▬▬▬▬ ▬▬ ▬▬▬▬ ▬▬▬ ▬▬ ▬▬▬▬▬ ▬▬▬▬ ▬▬ ▬▬▬ ▬▬▬▬
N.Z. FARMERS' CO-OP. ASSOCIATION, LIMITED.
▬▬▬ ▬▬▬▬ ▬▬ ▬▬▬▬▬ ▬▬▬ ▬▬▬▬ ▬▬ ▬▬▬ ▬▬▬▬▬ ▬▬ ▬▬▬▬ ▬▬▬ ▬▬ ▬▬▬▬▬ ▬▬▬▬ ▬▬ ▬▬▬ ▬▬▬▬ ▬▬▬ ▬▬▬▬ ▬▬ ▬▬▬▬▬ ▬▬▬ ▬▬▬▬ ▬▬ ▬▬▬ ▬▬▬▬▬ ▬▬ ▬▬▬▬ ▬▬▬ ▬▬ ▬▬▬▬▬ ▬▬▬▬ ▬▬ ▬▬▬ ▬▬▬▬
BLOCKS OF LAND FOR SALE.
▬▬▬ ▬▬▬▬ ▬▬ ▬▬▬▬▬ ▬▬▬ ▬▬▬▬ ▬▬ ▬▬▬ ▬▬▬▬▬ ▬▬ ▬▬▬▬ ▬▬▬ ▬▬ ▬▬▬▬▬ ▬▬▬▬ ▬▬ ▬▬▬ ▬▬▬▬ ▬▬▬ ▬▬▬▬ ▬▬ ▬▬▬▬▬ ▬▬▬ ▬▬▬▬ ▬▬ ▬▬▬ ▬▬▬▬▬ ▬▬ ▬▬▬▬ ▬▬▬ ▬▬ ▬▬▬▬▬ ▬▬▬▬ ▬▬ ▬▬▬ ▬▬▬▬ ▬▬▬ ▬▬▬▬ ▬▬ ▬▬▬▬▬ ▬▬▬ ▬▬▬▬ ▬▬ ▬▬▬ ▬▬▬▬▬ ▬▬ ▬▬▬▬ ▬▬▬ ▬▬ ▬▬▬▬▬ ▬▬▬▬ ▬▬ ▬▬▬ ▬▬▬▬ ▬▬▬ ▬▬▬▬ ▬▬ ▬▬▬▬▬ ▬▬▬ ▬▬▬▬ ▬▬ ▬▬▬ ▬▬▬▬▬ ▬▬ ▬▬▬▬ ▬▬▬ ▬▬ ▬▬▬▬▬ ▬▬▬▬ ▬▬ ▬▬▬ ▬▬▬▬ ▬▬▬ ▬▬▬▬ ▬▬ ▬▬▬▬▬ ▬▬▬ ▬▬▬▬ ▬▬ ▬▬▬ ▬▬▬▬▬ ▬▬ ▬▬▬▬ ▬▬▬ ▬▬ ▬▬▬▬▬ ▬▬▬▬ ▬▬ ▬▬▬ ▬▬▬▬
WEST END RESIDENCE FOR ABSOLUTE SALE.
▬▬▬ ▬▬▬▬ ▬▬ ▬▬▬▬▬ ▬▬▬ ▬▬▬▬ ▬▬ ▬▬▬ ▬▬▬▬▬ ▬▬ ▬▬▬▬ ▬▬▬ ▬▬ ▬▬▬▬▬ ▬▬▬▬ ▬▬ ▬▬▬ ▬▬▬▬ ▬▬▬ ▬▬▬▬ ▬▬ ▬▬▬▬▬ ▬▬▬ ▬▬▬▬ ▬▬ ▬▬▬ ▬▬▬▬▬ ▬▬ ▬▬▬▬ ▬▬▬ ▬▬ ▬▬▬▬▬ ▬▬▬▬ ▬▬ ▬▬▬ ▬▬▬▬ ▬▬▬ ▬▬▬▬ ▬▬ ▬▬▬▬▬ ▬▬▬ ▬▬▬▬ ▬▬ ▬▬▬ ▬▬▬▬▬ ▬▬ ▬▬▬▬ ▬▬▬ ▬▬ ▬▬▬▬▬ ▬▬▬▬ ▬▬ ▬▬▬ ▬▬▬▬
FARMERS' CO-OP.
▬▬▬ ▬▬▬▬ ▬▬ ▬▬▬▬▬ ▬▬▬ ▬▬▬▬ ▬▬ ▬▬▬ ▬▬▬▬▬ ▬▬ ▬▬▬▬ ▬▬▬ ▬▬ ▬▬▬▬▬ ▬▬▬▬ ▬▬ ▬▬▬ ▬▬▬▬ ▬▬▬ ▬▬▬▬ ▬▬ ▬▬▬▬▬ ▬▬▬ ▬▬▬▬ ▬▬ ▬▬▬ ▬▬▬▬▬ ▬▬ ▬▬▬▬ ▬▬▬ ▬▬ ▬▬▬▬▬ ▬▬▬▬ ▬▬ ▬▬▬ ▬▬▬▬ ▬▬▬ ▬▬▬▬ ▬▬ ▬▬▬▬▬ ▬▬▬ ▬▬▬▬ ▬▬ ▬▬▬ ▬▬▬▬▬ ▬▬ ▬▬▬▬ ▬▬▬ ▬▬ ▬▬▬▬▬ ▬▬▬▬ ▬▬ ▬▬▬ ▬▬▬▬ ▬▬▬ ▬▬▬▬ ▬▬ ▬▬▬▬▬ ▬▬▬ ▬▬▬▬ ▬▬ ▬▬▬ ▬▬▬▬▬ ▬▬ ▬▬▬▬ ▬▬▬ ▬▬ ▬▬▬▬▬ ▬▬▬▬ ▬▬ ▬▬▬ ▬▬▬▬ ▬▬▬ ▬▬▬▬ ▬▬ ▬▬▬▬▬ ▬▬▬ ▬▬▬▬ ▬▬ ▬▬▬ ▬▬▬▬▬ ▬▬ ▬▬▬▬ ▬▬▬ ▬▬ ▬▬▬▬▬ ▬▬▬▬ ▬▬ ▬▬▬ ▬▬▬▬ ▬▬▬ ▬▬▬▬ ▬▬ ▬▬▬▬▬ ▬▬▬ ▬▬▬▬ ▬▬ ▬▬▬ ▬▬▬▬▬ ▬▬ ▬▬▬▬ ▬▬▬ ▬▬ ▬▬▬▬▬ ▬▬▬▬ ▬▬ ▬▬▬ ▬▬▬▬
Land Office, Cashel street.
▬▬▬ ▬▬▬▬ ▬▬ ▬▬▬▬▬ ▬▬▬ ▬▬▬▬ ▬▬ ▬▬▬ ▬▬▬▬▬ ▬▬ ▬▬▬▬ ▬▬▬ ▬▬ ▬▬▬▬▬ ▬▬▬▬ ▬▬ ▬▬▬ ▬▬▬▬ ▬▬▬ ▬▬▬▬ ▬▬ ▬▬▬▬▬ ▬▬▬ ▬▬▬▬ ▬▬ ▬▬▬ ▬▬▬▬▬ ▬▬ ▬▬▬▬ ▬▬▬ ▬▬ ▬▬▬▬▬ ▬▬▬▬ ▬▬ ▬▬▬ ▬▬▬▬ ▬▬▬ ▬▬▬▬ ▬▬ ▬▬▬▬▬ ▬▬▬ ▬▬▬▬ ▬▬ ▬▬▬ ▬▬▬▬▬ ▬▬ ▬▬▬▬ ▬▬▬ ▬▬ ▬▬▬▬▬ ▬▬▬▬ ▬▬ ▬▬▬ ▬▬▬▬ ▬▬▬ ▬▬▬▬ ▬▬ ▬▬▬▬▬ ▬▬▬ ▬▬▬▬ ▬▬ ▬▬▬ ▬▬▬▬▬ ▬▬ ▬▬▬▬ ▬▬▬ ▬▬ ▬▬▬▬▬ ▬▬▬▬ ▬▬ ▬▬▬ ▬▬▬▬
AUCTIONS.
H. G. LIVINGSTONE & CO.
AUCTION SALE
▬▬▬ ▬▬▬▬ ▬▬ ▬▬▬▬▬ ▬▬▬ ▬▬▬▬ ▬▬ ▬▬▬ ▬▬▬▬▬ ▬▬ ▬▬▬▬ ▬▬▬ ▬▬ ▬▬▬▬▬ ▬▬▬▬ ▬▬ ▬▬▬ ▬▬▬▬ ▬▬▬ ▬▬▬▬ ▬▬ ▬▬▬▬▬ ▬▬▬ ▬▬▬▬ ▬▬ ▬▬▬ ▬▬▬▬▬ ▬▬ ▬▬▬▬ ▬▬▬ ▬▬ ▬▬▬▬▬ ▬▬▬▬ ▬▬ ▬▬▬ ▬▬▬▬ ▬▬▬ ▬▬▬▬ ▬▬ ▬▬▬▬▬ ▬▬▬ ▬▬▬▬ ▬▬ ▬▬▬ ▬▬▬▬▬ ▬▬ ▬▬▬▬ ▬▬▬ ▬▬ ▬▬▬▬▬ ▬▬▬▬ ▬▬ ▬▬▬ ▬▬▬▬
MAHOGANY FURNITURE.
▬▬▬ ▬▬▬▬ ▬▬ ▬▬▬▬▬ ▬▬▬ ▬▬▬▬ ▬▬ ▬▬▬ ▬▬▬▬▬ ▬▬ ▬▬▬▬ ▬▬▬ ▬▬ ▬▬▬▬▬ ▬▬▬▬ ▬▬ ▬▬▬ ▬▬▬▬ ▬▬▬ ▬▬▬▬ ▬▬ ▬▬▬▬▬ ▬▬▬ ▬▬▬▬ ▬▬ ▬▬▬ ▬▬▬▬▬ ▬▬ ▬▬▬▬ ▬▬▬ ▬▬ ▬▬▬▬▬ ▬▬▬▬ ▬▬ ▬▬▬ ▬▬▬▬ ▬▬▬ ▬▬▬▬ ▬▬ ▬▬▬▬▬ ▬▬▬ ▬▬▬▬ ▬▬ ▬▬▬ ▬▬▬▬▬ ▬▬ ▬▬▬▬ ▬▬▬ ▬▬ ▬▬▬▬▬ ▬▬▬▬ ▬▬ ▬▬▬ ▬▬▬▬ ▬▬▬ ▬▬▬▬ ▬▬ ▬▬▬▬▬ ▬▬▬ ▬▬▬▬ ▬▬ ▬▬▬ ▬▬▬▬▬ ▬▬ ▬▬▬▬ ▬▬▬ ▬▬ ▬▬▬▬▬ ▬▬▬▬ ▬▬ ▬▬▬ ▬▬▬▬ ▬▬▬ ▬▬▬▬ ▬▬ ▬▬▬▬▬ ▬▬▬ ▬▬▬▬ ▬▬ ▬▬▬ ▬▬▬▬▬ ▬▬ ▬▬▬▬ ▬▬▬ ▬▬ ▬▬▬▬▬ ▬▬▬▬ ▬▬ ▬▬▬ ▬▬▬▬ ▬▬▬ ▬▬▬▬ ▬▬ ▬▬▬▬▬ ▬▬▬ ▬▬▬▬ ▬▬ ▬▬▬ ▬▬▬▬▬ ▬▬ ▬▬▬▬ ▬▬▬ ▬▬ ▬▬▬▬▬ ▬▬▬▬ ▬▬ ▬▬▬ ▬▬▬▬
TO-MORROW (TUESDAY), AT NOON.
▬▬▬ ▬▬▬▬ ▬▬ ▬▬▬▬▬ ▬▬▬ ▬▬▬▬ ▬▬ ▬▬▬ ▬▬▬▬▬ ▬▬ ▬▬▬▬ ▬▬▬ ▬▬ ▬▬▬▬▬ ▬▬▬▬ ▬▬ ▬▬▬ ▬▬▬▬ ▬▬▬ ▬▬▬▬ ▬▬ ▬▬▬▬▬ ▬▬▬ ▬▬▬▬ ▬▬ ▬▬▬ ▬▬▬▬▬ ▬▬ ▬▬▬▬ ▬▬▬ ▬▬ ▬▬▬▬▬ ▬▬▬▬ ▬▬ ▬▬▬ ▬▬▬▬ ▬▬▬ ▬▬▬▬ ▬▬ ▬▬▬▬▬ ▬▬▬ ▬▬▬▬ ▬▬ ▬▬▬ ▬▬▬▬▬ ▬▬ ▬▬▬▬ ▬▬▬ ▬▬ ▬▬▬▬▬ ▬▬▬▬ ▬▬ ▬▬▬ ▬▬▬▬ ▬▬▬ ▬▬▬▬ ▬▬ ▬▬▬▬▬ ▬▬▬ ▬▬▬▬ ▬▬ ▬▬▬ ▬▬▬▬▬ ▬▬ ▬▬▬▬ ▬▬▬ ▬▬ ▬▬▬▬▬ ▬▬▬▬ ▬▬ ▬▬▬ ▬▬▬▬
H. G. LIVINGSTONE and CO., Auctioneers.
▬▬▬ ▬▬▬▬ ▬▬ ▬▬▬▬▬ ▬▬▬ ▬▬▬▬ ▬▬ ▬▬▬ ▬▬▬▬▬ ▬▬ ▬▬▬▬ ▬▬▬ ▬▬ ▬▬▬▬▬ ▬▬▬▬ ▬▬ ▬▬▬ ▬▬▬▬ ▬▬▬ ▬▬▬▬ ▬▬ ▬▬▬▬▬ ▬▬▬ ▬▬▬▬ ▬▬ ▬▬▬ ▬▬▬▬▬ ▬▬ ▬▬▬▬ ▬▬▬ ▬▬ ▬▬▬▬▬ ▬▬▬▬ ▬▬ ▬▬▬ ▬▬▬▬
FOR SALE
▬▬▬ ▬▬▬▬ ▬▬ ▬▬▬▬▬ ▬▬▬ ▬▬▬▬ ▬▬ ▬▬▬ ▬▬▬▬▬ ▬▬ ▬▬▬▬ ▬▬▬ ▬▬ ▬▬▬▬▬ ▬▬▬▬ ▬▬ ▬▬▬ ▬▬▬▬ ▬▬▬ ▬▬▬▬ ▬▬ ▬▬▬▬▬ ▬▬▬ ▬▬▬▬ ▬▬ ▬▬▬ ▬▬▬▬▬ ▬▬ ▬▬▬▬ ▬▬▬ ▬▬ ▬▬▬▬▬ ▬▬▬▬ ▬▬ ▬▬▬ ▬▬▬▬ ▬▬▬ ▬▬▬▬ ▬▬ ▬▬▬▬▬ ▬▬▬ ▬▬▬▬ ▬▬ ▬▬▬ ▬▬▬▬▬ ▬▬ ▬▬▬▬ ▬▬▬ ▬▬ ▬▬▬▬▬ ▬▬▬▬ ▬▬ ▬▬▬ ▬▬▬▬ ▬▬▬ ▬▬▬▬ ▬▬ ▬▬▬▬▬ ▬▬▬ ▬▬▬▬ ▬▬ ▬▬▬ ▬▬▬▬▬ ▬▬ ▬▬▬▬ ▬▬▬ ▬▬ ▬▬▬▬▬ ▬▬▬▬ ▬▬ ▬▬▬ ▬▬▬▬ ▬▬▬ ▬▬▬▬ ▬▬ ▬▬▬▬▬ ▬▬▬ ▬▬▬▬ ▬▬ ▬▬▬ ▬▬▬▬▬ ▬▬ ▬▬▬▬ ▬▬▬ ▬▬ ▬▬▬▬▬ ▬▬▬▬ ▬▬ ▬▬▬ ▬▬▬▬
LARGE CORNER SECTION, CLOSE WALTHAM YARD.
▬▬▬ ▬▬▬▬ ▬▬ ▬▬▬▬▬ ▬▬▬ ▬▬▬▬ ▬▬ ▬▬▬ ▬▬▬▬▬ ▬▬ ▬▬▬▬ ▬▬▬ ▬▬ ▬▬▬▬▬ ▬▬▬▬ ▬▬ ▬▬▬ ▬▬▬▬ ▬▬▬ ▬▬▬▬ ▬▬ ▬▬▬▬▬ ▬▬▬ ▬▬▬▬ ▬▬ ▬▬▬ ▬▬▬▬▬ ▬▬ ▬▬▬▬ ▬▬▬ ▬▬ ▬▬▬▬▬ ▬▬▬▬ ▬▬ ▬▬▬ ▬▬▬▬ ▬▬▬ ▬▬▬▬ ▬▬ ▬▬▬▬▬ ▬▬▬ ▬▬▬▬ ▬▬ ▬▬▬ ▬▬▬▬▬ ▬▬ ▬▬▬▬ ▬▬▬ ▬▬ ▬▬▬▬▬ ▬▬▬▬ ▬▬ ▬▬▬ ▬▬▬▬
GOOD SITE FOR COAL YARD, LARGE STORE, PETROL STORE, ETC.
▬▬▬ ▬▬▬▬ ▬▬ ▬▬▬▬▬ ▬▬▬ ▬▬▬▬ ▬▬ ▬▬▬ ▬▬▬▬▬ ▬▬ ▬▬▬▬ ▬▬▬ ▬▬ ▬▬▬▬▬ ▬▬▬▬ ▬▬ ▬▬▬ ▬▬▬▬ ▬▬▬ ▬▬▬▬ ▬▬ ▬▬▬▬▬ ▬▬▬ ▬▬▬▬ ▬▬ ▬▬▬ ▬▬▬▬▬ ▬▬ ▬▬▬▬ ▬▬▬ ▬▬ ▬▬▬▬▬ ▬▬▬▬ ▬▬ ▬▬▬ ▬▬▬▬ ▬▬▬ ▬▬▬▬ ▬▬ ▬▬▬▬▬ ▬▬▬ ▬▬▬▬ ▬▬ ▬▬▬ ▬▬▬▬▬ ▬▬ ▬▬▬▬ ▬▬▬ ▬▬ ▬▬▬▬▬ ▬▬▬▬ ▬▬ ▬▬▬ ▬▬▬▬ ▬▬▬ ▬▬▬▬ ▬▬ ▬▬▬▬▬ ▬▬▬ ▬▬▬▬ ▬▬ ▬▬▬ ▬▬▬▬▬ ▬▬ ▬▬▬▬ ▬▬▬ ▬▬ ▬▬▬▬▬ ▬▬▬▬ ▬▬ ▬▬▬ ▬▬▬▬ ▬▬▬ ▬▬▬▬ ▬▬ ▬▬▬▬▬ ▬▬▬ ▬▬▬▬ ▬▬ ▬▬▬ ▬▬▬▬▬ ▬▬ ▬▬▬▬ ▬▬▬ ▬▬ ▬▬▬▬▬ ▬▬▬▬ ▬▬ ▬▬▬ ▬▬▬▬ ▬▬▬ ▬▬▬▬ ▬▬ ▬▬▬▬▬ ▬▬▬ ▬▬▬▬ ▬▬ ▬▬▬ ▬▬▬▬▬ ▬▬ ▬▬▬▬ ▬▬▬ ▬▬ ▬▬▬▬▬ ▬▬▬▬ ▬▬ ▬▬▬ ▬▬▬▬
AREA: 1 ROOD 18 PERCHES, long frontages.
▬▬▬ ▬▬▬▬ ▬▬ ▬▬▬▬▬ ▬▬▬ ▬▬▬▬ ▬▬ ▬▬▬ ▬▬▬▬▬ ▬▬ ▬▬▬▬ ▬▬▬ ▬▬ ▬▬▬▬▬ ▬▬▬▬ ▬▬ ▬▬▬ ▬▬▬▬ ▬▬▬ ▬▬▬▬ ▬▬ ▬▬▬▬▬ ▬▬▬ ▬▬▬▬ ▬▬ ▬▬▬ ▬▬▬▬▬ ▬▬ ▬▬▬▬ ▬▬▬ ▬▬ ▬▬▬▬▬ ▬▬▬▬ ▬▬ ▬▬▬ ▬▬▬▬ ▬▬▬ ▬▬▬▬ ▬▬ ▬▬▬▬▬ ▬▬▬ ▬▬▬▬ ▬▬ ▬▬▬ ▬▬▬▬▬ ▬▬ ▬▬▬▬ ▬▬▬ ▬▬ ▬▬▬▬▬ ▬▬▬▬ ▬▬ ▬▬▬ ▬▬▬▬ ▬▬▬ ▬▬▬▬ ▬▬ ▬▬▬▬▬ ▬▬▬ ▬▬▬▬ ▬▬ ▬▬▬ ▬▬▬▬▬ ▬▬ ▬▬▬▬ ▬▬▬ ▬▬ ▬▬▬▬▬ ▬▬▬▬ ▬▬ ▬▬▬ ▬▬▬▬
H. G. LIVINGSTONE and CO., Auctioneers.
▬▬▬ ▬▬▬▬ ▬▬ ▬▬▬▬▬ ▬▬▬ ▬▬▬▬ ▬▬ ▬▬▬ ▬▬▬▬▬ ▬▬ ▬▬▬▬ ▬▬▬ ▬▬ ▬▬▬▬▬ ▬▬▬▬ ▬▬ ▬▬▬ ▬▬▬▬ ▬▬▬ ▬▬▬▬ ▬▬ ▬▬▬▬▬ ▬▬▬ ▬▬▬▬ ▬▬ ▬▬▬ ▬▬▬▬▬ ▬▬ ▬▬▬▬ ▬▬▬ ▬▬ ▬▬▬▬▬ ▬▬▬▬ ▬▬ ▬▬▬ ▬▬▬▬
JOSEPH HAMLET AND CO.
BY PUBLIC AUCTION.
▬▬▬ ▬▬▬▬ ▬▬ ▬▬▬▬▬ ▬▬▬ ▬▬▬▬ ▬▬ ▬▬▬ ▬▬▬▬▬ ▬▬ ▬▬▬▬ ▬▬▬ ▬▬ ▬▬▬▬▬ ▬▬▬▬ ▬▬ ▬▬▬ ▬▬▬▬ ▬▬▬ ▬▬▬▬ ▬▬ ▬▬▬▬▬ ▬▬▬ ▬▬▬▬ ▬▬ ▬▬▬ ▬▬▬▬▬ ▬▬ ▬▬▬▬ ▬▬▬ ▬▬ ▬▬▬▬▬ ▬▬▬▬ ▬▬ ▬▬▬ ▬▬▬▬ ▬▬▬ ▬▬▬▬ ▬▬ ▬▬▬▬▬ ▬▬▬ ▬▬▬▬ ▬▬ ▬▬▬ ▬▬▬▬▬ ▬▬ ▬▬▬▬ ▬▬▬ ▬▬ ▬▬▬▬▬ ▬▬▬▬ ▬▬ ▬▬▬ ▬▬▬▬
IN OUR LAND SALE ROOMS, 35 WORCESTER STREET, ON WEDNESDAY, 10th JUNE, 1925, AT 2 P.M.
▬▬▬ ▬▬▬▬ ▬▬ ▬▬▬▬▬ ▬▬▬ ▬▬▬▬ ▬▬ ▬▬▬ ▬▬▬▬▬ ▬▬ ▬▬▬▬ ▬▬▬ ▬▬ ▬▬▬▬▬ ▬▬▬▬ ▬▬ ▬▬▬ ▬▬▬▬ ▬▬▬ ▬▬▬▬ ▬▬ ▬▬▬▬▬ ▬▬▬ ▬▬▬▬ ▬▬ ▬▬▬ ▬▬▬▬▬ ▬▬ ▬▬▬▬ ▬▬▬ ▬▬ ▬▬▬▬▬ ▬▬▬▬ ▬▬ ▬▬▬ ▬▬▬▬ ▬▬▬ ▬▬▬▬ ▬▬ ▬▬▬▬▬ ▬▬▬ ▬▬▬▬ ▬▬ ▬▬▬ ▬▬▬▬▬ ▬▬ ▬▬▬▬ ▬▬▬ ▬▬ ▬▬▬▬▬ ▬▬▬▬ ▬▬ ▬▬▬ ▬▬▬▬ ▬▬▬ ▬▬▬▬ ▬▬ ▬▬▬▬▬ ▬▬▬ ▬▬▬▬ ▬▬ ▬▬▬ ▬▬▬▬▬ ▬▬ ▬▬▬▬ ▬▬▬ ▬▬ ▬▬▬▬▬ ▬▬▬▬ ▬▬ ▬▬▬ ▬▬▬▬ ▬▬▬ ▬▬▬▬ ▬▬ ▬▬▬▬▬ ▬▬▬ ▬▬▬▬ ▬▬ ▬▬▬ ▬▬▬▬▬ ▬▬ ▬▬▬▬ ▬▬▬ ▬▬ ▬▬▬▬▬ ▬▬▬▬ ▬▬ ▬▬▬ ▬▬▬▬ ▬▬▬ ▬▬▬▬ ▬▬ ▬▬▬▬▬ ▬▬▬ ▬▬▬▬ ▬▬ ▬▬▬ ▬▬▬▬▬ ▬▬ ▬▬▬▬ ▬▬▬ ▬▬ ▬▬▬▬▬ ▬▬▬▬ ▬▬ ▬▬▬ ▬▬▬▬
JOSEPH HAMLET and COMPANY, Auctioneers.
▬▬▬ ▬▬▬▬ ▬▬ ▬▬▬▬▬ ▬▬▬ ▬▬▬▬ ▬▬ ▬▬▬ ▬▬▬▬▬ ▬▬ ▬▬▬▬ ▬▬▬ ▬▬ ▬▬▬▬▬ ▬▬▬▬ ▬▬ ▬▬▬ ▬▬▬▬ ▬▬▬ ▬▬▬▬ ▬▬ ▬▬▬▬▬ ▬▬▬ ▬▬▬▬ ▬▬ ▬▬▬ ▬▬▬▬▬ ▬▬ ▬▬▬▬ ▬▬▬ ▬▬ ▬▬▬▬▬ ▬▬▬▬ ▬▬ ▬▬▬ ▬▬▬▬ ▬▬▬ ▬▬▬▬ ▬▬ ▬▬▬▬▬ ▬▬▬ ▬▬▬▬ ▬▬ ▬▬▬ ▬▬▬▬▬ ▬▬ ▬▬▬▬ ▬▬▬ ▬▬ ▬▬▬▬▬ ▬▬▬▬ ▬▬ ▬▬▬ ▬▬▬▬ ▬▬▬ ▬▬▬▬ ▬▬ ▬▬▬▬▬ ▬▬▬ ▬▬▬▬ ▬▬ ▬▬▬ ▬▬▬▬▬ ▬▬ ▬▬▬▬ ▬▬▬ ▬▬ ▬▬▬▬▬ ▬▬▬▬ ▬▬ ▬▬▬ ▬▬▬▬
W. H. SIMES AND CO.
LIVE UP IN THE SUNSHINE ON THE CASHMERE HILLS.
▬▬▬ ▬▬▬▬ ▬▬ ▬▬▬▬▬ ▬▬▬ ▬▬▬▬ ▬▬ ▬▬▬ ▬▬▬▬▬ ▬▬ ▬▬▬▬ ▬▬▬ ▬▬ ▬▬▬▬▬ ▬▬▬▬ ▬▬ ▬▬▬ ▬▬▬▬ ▬▬▬ ▬▬▬▬ ▬▬ ▬▬▬▬▬ ▬▬▬ ▬▬▬▬ ▬▬ ▬▬▬ ▬▬▬▬▬ ▬▬ ▬▬▬▬ ▬▬▬ ▬▬ ▬▬▬▬▬ ▬▬▬▬ ▬▬ ▬▬▬ ▬▬▬▬ ▬▬▬ ▬▬▬▬ ▬▬ ▬▬▬▬▬ ▬▬▬ ▬▬▬▬ ▬▬ ▬▬▬ ▬▬▬▬▬ ▬▬ ▬▬▬▬ ▬▬▬ ▬▬ ▬▬▬▬▬ ▬▬▬▬ ▬▬ ▬▬▬ ▬▬▬▬ ▬▬▬ ▬▬▬▬ ▬▬ ▬▬▬▬▬ ▬▬▬ ▬▬▬▬ ▬▬ ▬▬▬ ▬▬▬▬▬ ▬▬ ▬▬▬▬ ▬▬▬ ▬▬ ▬▬▬▬▬ ▬▬▬▬ ▬▬ ▬▬▬ ▬▬▬▬ ▬▬▬ ▬▬▬▬ ▬▬ ▬▬▬▬▬ ▬▬▬ ▬▬▬▬ ▬▬ ▬▬▬ ▬▬▬▬▬ ▬▬ ▬▬▬▬ ▬▬▬ ▬▬ ▬▬▬▬▬ ▬▬▬▬ ▬▬ ▬▬▬ ▬▬▬▬
£1850—HAWTHORNE ROAD.
▬▬▬ ▬▬▬▬ ▬▬ ▬▬▬▬▬ ▬▬▬ ▬▬▬▬ ▬▬ ▬▬▬ ▬▬▬▬▬ ▬▬ ▬▬▬▬ ▬▬▬ ▬▬ ▬▬▬▬▬ ▬▬▬▬ ▬▬ ▬▬▬ ▬▬▬▬ ▬▬▬ ▬▬▬▬ ▬▬ ▬▬▬▬▬ ▬▬▬ ▬▬▬▬ ▬▬ ▬▬▬ ▬▬▬▬▬ ▬▬ ▬▬▬▬ ▬▬▬ ▬▬ ▬▬▬▬▬ ▬▬▬▬ ▬▬ ▬▬▬ ▬▬▬▬ ▬▬▬ ▬▬▬▬ ▬▬ ▬▬▬▬▬ ▬▬▬ ▬▬▬▬ ▬▬ ▬▬▬ ▬▬▬▬▬ ▬▬ ▬▬▬▬ ▬▬▬ ▬▬ ▬▬▬▬▬ ▬▬▬▬ ▬▬ ▬▬▬ ▬▬▬▬
£1875—Up-to-date Bungalow.
▬▬▬ ▬▬▬▬ ▬▬ ▬▬▬▬▬ ▬▬▬ ▬▬▬▬ ▬▬ ▬▬▬ ▬▬▬▬▬ ▬▬ ▬▬▬▬ ▬▬▬ ▬▬ ▬▬▬▬▬ ▬▬▬▬ ▬▬ ▬▬▬ ▬▬▬▬ ▬▬▬ ▬▬▬▬ ▬▬ ▬▬▬▬▬ ▬▬▬ ▬▬▬▬ ▬▬ ▬▬▬ ▬▬▬▬▬ ▬▬ ▬▬▬▬ ▬▬▬ ▬▬ ▬▬▬▬▬ ▬▬▬▬ ▬▬ ▬▬▬ ▬▬▬▬ ▬▬▬ ▬▬▬▬ ▬▬ ▬▬▬▬▬ ▬▬▬ ▬▬▬▬ ▬▬ ▬▬▬ ▬▬▬▬▬ ▬▬ ▬▬▬▬ ▬▬▬ ▬▬ ▬▬▬▬▬ ▬▬▬▬ ▬▬ ▬▬▬ ▬▬▬▬ ▬▬▬ ▬▬▬▬ ▬▬ ▬▬▬▬▬ ▬▬▬ ▬▬▬▬ ▬▬ ▬▬▬ ▬▬▬▬▬ ▬▬ ▬▬▬▬ ▬▬▬ ▬▬ ▬▬▬▬▬ ▬▬▬▬ ▬▬ ▬▬▬ ▬▬▬▬ ▬▬▬ ▬▬▬▬ ▬▬ ▬▬▬▬▬ ▬▬▬ ▬▬▬▬ ▬▬ ▬▬▬ ▬▬▬▬▬ ▬▬ ▬▬▬▬ ▬▬▬ ▬▬ ▬▬▬▬▬ ▬▬▬▬ ▬▬ ▬▬▬ ▬▬▬▬ ▬▬▬ ▬▬▬▬ ▬▬ ▬▬▬▬▬ ▬▬▬ ▬▬▬▬ ▬▬ ▬▬▬ ▬▬▬▬▬ ▬▬ ▬▬▬▬ ▬▬▬ ▬▬ ▬▬▬▬▬ ▬▬▬▬ ▬▬ ▬▬▬ ▬▬▬▬
£1600—NEAR FOOT OF DYER'S PASS ROAD, ABERDEEN.
▬▬▬ ▬▬▬▬ ▬▬ ▬▬▬▬▬ ▬▬▬ ▬▬▬▬ ▬▬ ▬▬▬ ▬▬▬▬▬ ▬▬ ▬▬▬▬ ▬▬▬ ▬▬ ▬▬▬▬▬ ▬▬▬▬ ▬▬ ▬▬▬ ▬▬▬▬ ▬▬▬ ▬▬▬▬ ▬▬ ▬▬▬▬▬ ▬▬▬ ▬▬▬▬ ▬▬ ▬▬▬ ▬▬▬▬▬ ▬▬ ▬▬▬▬ ▬▬▬ ▬▬ ▬▬▬▬▬ ▬▬▬▬ ▬▬ ▬▬▬ ▬▬▬▬ ▬▬▬ ▬▬▬▬ ▬▬ ▬▬▬▬▬ ▬▬▬ ▬▬▬▬ ▬▬ ▬▬▬ ▬▬▬▬▬ ▬▬ ▬▬▬▬ ▬▬▬ ▬▬ ▬▬▬▬▬ ▬▬▬▬ ▬▬ ▬▬▬ ▬▬▬▬ ▬▬▬ ▬▬▬▬ ▬▬ ▬▬▬▬▬ ▬▬▬ ▬▬▬▬ ▬▬ ▬▬▬ ▬▬▬▬▬ ▬▬ ▬▬▬▬ ▬▬▬ ▬▬ ▬▬▬▬▬ ▬▬▬▬ ▬▬ ▬▬▬ ▬▬▬▬
£3350—BUNGALOW of 6 ROOMS.
▬▬▬ ▬▬▬▬ ▬▬ ▬▬▬▬▬ ▬▬▬ ▬▬▬▬ ▬▬ ▬▬▬ ▬▬▬▬▬ ▬▬ ▬▬▬▬ ▬▬▬ ▬▬ ▬▬▬▬▬ ▬▬▬▬ ▬▬ ▬▬▬ ▬▬▬▬ ▬▬▬ ▬▬▬▬ ▬▬ ▬▬▬▬▬ ▬▬▬ ▬▬▬▬ ▬▬ ▬▬▬ ▬▬▬▬▬ ▬▬ ▬▬▬▬ ▬▬▬ ▬▬ ▬▬▬▬▬ ▬▬▬▬ ▬▬ ▬▬▬ ▬▬▬▬
PILES—INSTANT RELIEF GIVEN.
E. PERON and SON, LTD.
▬▬▬ ▬▬▬▬ ▬▬ ▬▬▬▬▬ ▬▬▬ ▬▬▬▬ ▬▬ ▬▬▬ ▬▬▬▬▬ ▬▬ ▬▬▬▬ ▬▬▬ ▬▬ ▬▬▬▬▬ ▬▬▬▬ ▬▬ ▬▬▬ ▬▬▬▬ ▬▬▬ ▬▬▬▬ ▬▬ ▬▬▬▬▬ ▬▬▬ ▬▬▬▬ ▬▬ ▬▬▬ ▬▬▬▬▬ ▬▬ ▬▬▬▬ ▬▬▬ ▬▬ ▬▬▬▬▬ ▬▬▬▬ ▬▬ ▬▬▬ ▬▬▬▬ ▬▬▬ ▬▬▬▬ ▬▬ ▬▬▬▬▬ ▬▬▬ ▬▬▬▬ ▬▬ ▬▬▬ ▬▬▬▬▬ ▬▬ ▬▬▬▬ ▬▬▬ ▬▬ ▬▬▬▬▬ ▬▬▬▬ ▬▬ ▬▬▬ ▬▬▬▬
AUCTIONS.
JONES, McCROSTIE CO., LTD.
THIS DAY. THIS DAY. AT 2 P.M.
▬▬▬ ▬▬▬▬ ▬▬ ▬▬▬▬▬ ▬▬▬ ▬▬▬▬ ▬▬ ▬▬▬ ▬▬▬▬▬ ▬▬ ▬▬▬▬ ▬▬▬ ▬▬ ▬▬▬▬▬ ▬▬▬▬ ▬▬ ▬▬▬ ▬▬▬▬ ▬▬▬ ▬▬▬▬ ▬▬ ▬▬▬▬▬ ▬▬▬ ▬▬▬▬ ▬▬ ▬▬▬ ▬▬▬▬▬ ▬▬ ▬▬▬▬ ▬▬▬ ▬▬ ▬▬▬▬▬ ▬▬▬▬ ▬▬ ▬▬▬ ▬▬▬▬ ▬▬▬ ▬▬▬▬ ▬▬ ▬▬▬▬▬ ▬▬▬ ▬▬▬▬ ▬▬ ▬▬▬ ▬▬▬▬▬ ▬▬ ▬▬▬▬ ▬▬▬ ▬▬ ▬▬▬▬▬ ▬▬▬▬ ▬▬ ▬▬▬ ▬▬▬▬ ▬▬▬ ▬▬▬▬ ▬▬ ▬▬▬▬▬ ▬▬▬ ▬▬▬▬ ▬▬ ▬▬▬ ▬▬▬▬▬ ▬▬ ▬▬▬▬ ▬▬▬ ▬▬ ▬▬▬▬▬ ▬▬▬▬ ▬▬ ▬▬▬ ▬▬▬▬ ▬▬▬ ▬▬▬▬ ▬▬ ▬▬▬▬▬ ▬▬▬ ▬▬▬▬ ▬▬ ▬▬▬ ▬▬▬▬▬ ▬▬ ▬▬▬▬ ▬▬▬ ▬▬ ▬▬▬▬▬ ▬▬▬▬ ▬▬ ▬▬▬ ▬▬▬▬
AUCTION SALE OF UNIQUE PROPERTY.
▬▬▬ ▬▬▬▬ ▬▬ ▬▬▬▬▬ ▬▬▬ ▬▬▬▬ ▬▬ ▬▬▬ ▬▬▬▬▬ ▬▬ ▬▬▬▬ ▬▬▬ ▬▬ ▬▬▬▬▬ ▬▬▬▬ ▬▬ ▬▬▬ ▬▬▬▬ ▬▬▬ ▬▬▬▬ ▬▬ ▬▬▬▬▬ ▬▬▬ ▬▬▬▬ ▬▬ ▬▬▬ ▬▬▬▬▬ ▬▬ ▬▬▬▬ ▬▬▬ ▬▬ ▬▬▬▬▬ ▬▬▬▬ ▬▬ ▬▬▬ ▬▬▬▬ ▬▬▬ ▬▬▬▬ ▬▬ ▬▬▬▬▬ ▬▬▬ ▬▬▬▬ ▬▬ ▬▬▬ ▬▬▬▬▬ ▬▬ ▬▬▬▬ ▬▬▬ ▬▬ ▬▬▬▬▬ ▬▬▬▬ ▬▬ ▬▬▬ ▬▬▬▬
IN OUR LAND SALE ROOMS, CORNER OF CASHEL AND MANCHESTER STREETS.
▬▬▬ ▬▬▬▬ ▬▬ ▬▬▬▬▬ ▬▬▬ ▬▬▬▬ ▬▬ ▬▬▬ ▬▬▬▬▬ ▬▬ ▬▬▬▬ ▬▬▬ ▬▬ ▬▬▬▬▬ ▬▬▬▬ ▬▬ ▬▬▬ ▬▬▬▬ ▬▬▬ ▬▬▬▬ ▬▬ ▬▬▬▬▬ ▬▬▬ ▬▬▬▬ ▬▬ ▬▬▬ ▬▬▬▬▬ ▬▬ ▬▬▬▬ ▬▬▬ ▬▬ ▬▬▬▬▬ ▬▬▬▬ ▬▬ ▬▬▬ ▬▬▬▬ ▬▬▬ ▬▬▬▬ ▬▬ ▬▬▬▬▬ ▬▬▬ ▬▬▬▬ ▬▬ ▬▬▬ ▬▬▬▬▬ ▬▬ ▬▬▬▬ ▬▬▬ ▬▬ ▬▬▬▬▬ ▬▬▬▬ ▬▬ ▬▬▬ ▬▬▬▬ ▬▬▬ ▬▬▬▬ ▬▬ ▬▬▬▬▬ ▬▬▬ ▬▬▬▬ ▬▬ ▬▬▬ ▬▬▬▬▬ ▬▬ ▬▬▬▬ ▬▬▬ ▬▬ ▬▬▬▬▬ ▬▬▬▬ ▬▬ ▬▬▬ ▬▬▬▬ ▬▬▬ ▬▬▬▬ ▬▬ ▬▬▬▬▬ ▬▬▬ ▬▬▬▬ ▬▬ ▬▬▬ ▬▬▬▬▬ ▬▬ ▬▬▬▬ ▬▬▬ ▬▬ ▬▬▬▬▬ ▬▬▬▬ ▬▬ ▬▬▬ ▬▬▬▬ ▬▬▬ ▬▬▬▬ ▬▬ ▬▬▬▬▬ ▬▬▬ ▬▬▬▬ ▬▬ ▬▬▬ ▬▬▬▬▬ ▬▬ ▬▬▬▬ ▬▬▬ ▬▬ ▬▬▬▬▬ ▬▬▬▬ ▬▬ ▬▬▬ ▬▬▬▬
JONES, McCROSTIE COMPANY, LTD., Auctioneers.
▬▬▬ ▬▬▬▬ ▬▬ ▬▬▬▬▬ ▬▬▬ ▬▬▬▬ ▬▬ ▬▬▬ ▬▬▬▬▬ ▬▬ ▬▬▬▬ ▬▬▬ ▬▬ ▬▬▬▬▬ ▬▬▬▬ ▬▬ ▬▬▬ ▬▬▬▬ ▬▬▬ ▬▬▬▬ ▬▬ ▬▬▬▬▬ ▬▬▬ ▬▬▬▬ ▬▬ ▬▬▬ ▬▬▬▬▬ ▬▬ ▬▬▬▬ ▬▬▬ ▬▬ ▬▬▬▬▬ ▬▬▬▬ ▬▬ ▬▬▬ ▬▬▬▬ ▬▬▬ ▬▬▬▬ ▬▬ ▬▬▬▬▬ ▬▬▬ ▬▬▬▬ ▬▬ ▬▬▬ ▬▬▬▬▬ ▬▬ ▬▬▬▬ ▬▬▬ ▬▬ ▬▬▬▬▬ ▬▬▬▬ ▬▬ ▬▬▬ ▬▬▬▬ ▬▬▬ ▬▬▬▬ ▬▬ ▬▬▬▬▬ ▬▬▬ ▬▬▬▬ ▬▬ ▬▬▬ ▬▬▬▬▬ ▬▬ ▬▬▬▬ ▬▬▬ ▬▬ ▬▬▬▬▬ ▬▬▬▬ ▬▬ ▬▬▬ ▬▬▬▬
H. B. SORENSEN.
H. B. SORENSEN, SPECIAL BRAND LINES. MERCHANDISE SALES DEPARTMENT.
▬▬▬ ▬▬▬▬ ▬▬ ▬▬▬▬▬ ▬▬▬ ▬▬▬▬ ▬▬ ▬▬▬ ▬▬▬▬▬ ▬▬ ▬▬▬▬ ▬▬▬ ▬▬ ▬▬▬▬▬ ▬▬▬▬ ▬▬ ▬▬▬ ▬▬▬▬ ▬▬▬ ▬▬▬▬ ▬▬ ▬▬▬▬▬ ▬▬▬ ▬▬▬▬ ▬▬ ▬▬▬ ▬▬▬▬▬ ▬▬ ▬▬▬▬ ▬▬▬ ▬▬ ▬▬▬▬▬ ▬▬▬▬ ▬▬ ▬▬▬ ▬▬▬▬ ▬▬▬ ▬▬▬▬ ▬▬ ▬▬▬▬▬ ▬▬▬ ▬▬▬▬ ▬▬ ▬▬▬ ▬▬▬▬▬ ▬▬ ▬▬▬▬ ▬▬▬ ▬▬ ▬▬▬▬▬ ▬▬▬▬ ▬▬ ▬▬▬ ▬▬▬▬ ▬▬▬ ▬▬▬▬ ▬▬ ▬▬▬▬▬ ▬▬▬ ▬▬▬▬ ▬▬ ▬▬▬ ▬▬▬▬▬ ▬▬ ▬▬▬▬ ▬▬▬ ▬▬ ▬▬▬▬▬ ▬▬▬▬ ▬▬ ▬▬▬ ▬▬▬▬ ▬▬▬ ▬▬▬▬ ▬▬ ▬▬▬▬▬ ▬▬▬ ▬▬▬▬ ▬▬ ▬▬▬ ▬▬▬▬▬ ▬▬ ▬▬▬▬ ▬▬▬ ▬▬ ▬▬▬▬▬ ▬▬▬▬ ▬▬ ▬▬▬ ▬▬▬▬
EGGS—EGGS.
▬▬▬ ▬▬▬▬ ▬▬ ▬▬▬▬▬ ▬▬▬ ▬▬▬▬ ▬▬ ▬▬▬ ▬▬▬▬▬ ▬▬ ▬▬▬▬ ▬▬▬ ▬▬ ▬▬▬▬▬ ▬▬▬▬ ▬▬ ▬▬▬ ▬▬▬▬ ▬▬▬ ▬▬▬▬ ▬▬ ▬▬▬▬▬ ▬▬▬ ▬▬▬▬ ▬▬ ▬▬▬ ▬▬▬▬▬ ▬▬ ▬▬▬▬ ▬▬▬ ▬▬ ▬▬▬▬▬ ▬▬▬▬ ▬▬ ▬▬▬ ▬▬▬▬ ▬▬▬ ▬▬▬▬ ▬▬ ▬▬▬▬▬ ▬▬▬ ▬▬▬▬ ▬▬ ▬▬▬ ▬▬▬▬▬ ▬▬ ▬▬▬▬ ▬▬▬ ▬▬ ▬▬▬▬▬ ▬▬▬▬ ▬▬ ▬▬▬ ▬▬▬▬
HORSE AND CATTLE WIRE.
▬▬▬ ▬▬▬▬ ▬▬ ▬▬▬▬▬ ▬▬▬ ▬▬▬▬ ▬▬ ▬▬▬ ▬▬▬▬▬ ▬▬ ▬▬▬▬ ▬▬▬ ▬▬ ▬▬▬▬▬ ▬▬▬▬ ▬▬ ▬▬▬ ▬▬▬▬ ▬▬▬ ▬▬▬▬ ▬▬ ▬▬▬▬▬ ▬▬▬ ▬▬▬▬ ▬▬ ▬▬▬ ▬▬▬▬▬ ▬▬ ▬▬▬▬ ▬▬▬ ▬▬ ▬▬▬▬▬ ▬▬▬▬ ▬▬ ▬▬▬ ▬▬▬▬ ▬▬▬ ▬▬▬▬ ▬▬ ▬▬▬▬▬ ▬▬▬ ▬▬▬▬ ▬▬ ▬▬▬ ▬▬▬▬▬ ▬▬ ▬▬▬▬ ▬▬▬ ▬▬ ▬▬▬▬▬ ▬▬▬▬ ▬▬ ▬▬▬ ▬▬▬▬ ▬▬▬ ▬▬▬▬ ▬▬ ▬▬▬▬▬ ▬▬▬ ▬▬▬▬ ▬▬ ▬▬▬ ▬▬▬▬▬ ▬▬ ▬▬▬▬ ▬▬▬ ▬▬ ▬▬▬▬▬ ▬▬▬▬ ▬▬ ▬▬▬ ▬▬▬▬ ▬▬▬ ▬▬▬▬ ▬▬ ▬▬▬▬▬ ▬▬▬ ▬▬▬▬ ▬▬ ▬▬▬ ▬▬▬▬▬ ▬▬ ▬▬▬▬ ▬▬▬ ▬▬ ▬▬▬▬▬ ▬▬▬▬ ▬▬ ▬▬▬ ▬▬▬▬ ▬▬▬ ▬▬▬▬ ▬▬ ▬▬▬▬▬ ▬▬▬ ▬▬▬▬ ▬▬ ▬▬▬ ▬▬▬▬▬ ▬▬ ▬▬▬▬ ▬▬▬ ▬▬ ▬▬▬▬▬ ▬▬▬▬ ▬▬ ▬▬▬ ▬▬▬▬
HORSE AND COW COVERS.
▬▬▬ ▬▬▬▬ ▬▬ ▬▬▬▬▬ ▬▬▬ ▬▬▬▬ ▬▬ ▬▬▬ ▬▬▬▬▬ ▬▬ ▬▬▬▬ ▬▬▬ ▬▬ ▬▬▬▬▬ ▬▬▬▬ ▬▬ ▬▬▬ ▬▬▬▬ ▬▬▬ ▬▬▬▬ ▬▬ ▬▬▬▬▬ ▬▬▬ ▬▬▬▬ ▬▬ ▬▬▬ ▬▬▬▬▬ ▬▬ ▬▬▬▬ ▬▬▬ ▬▬ ▬▬▬▬▬ ▬▬▬▬ ▬▬ ▬▬▬ ▬▬▬▬ ▬▬▬ ▬▬▬▬ ▬▬ ▬▬▬▬▬ ▬▬▬ ▬▬▬▬ ▬▬ ▬▬▬ ▬▬▬▬▬ ▬▬ ▬▬▬▬ ▬▬▬ ▬▬ ▬▬▬▬▬ ▬▬▬▬ ▬▬ ▬▬▬ ▬▬▬▬ ▬▬▬ ▬▬▬▬ ▬▬ ▬▬▬▬▬ ▬▬▬ ▬▬▬▬ ▬▬ ▬▬▬ ▬▬▬▬▬ ▬▬ ▬▬▬▬ ▬▬▬ ▬▬ ▬▬▬▬▬ ▬▬▬▬ ▬▬ ▬▬▬ ▬▬▬▬
CEYLON TEA.
▬▬▬ ▬▬▬▬ ▬▬ ▬▬▬▬▬ ▬▬▬ ▬▬▬▬ ▬▬ ▬▬▬ ▬▬▬▬▬ ▬▬ ▬▬▬▬ ▬▬▬ ▬▬ ▬▬▬▬▬ ▬▬▬▬ ▬▬ ▬▬▬ ▬▬▬▬ ▬▬▬ ▬▬▬▬ ▬▬ ▬▬▬▬▬ ▬▬▬ ▬▬▬▬ ▬▬ ▬▬▬ ▬▬▬▬▬ ▬▬ ▬▬▬▬ ▬▬▬ ▬▬ ▬▬▬▬▬ ▬▬▬▬ ▬▬ ▬▬▬ ▬▬▬▬
H. B. SORENSEN, 49 Lichfield street.
▬▬▬ ▬▬▬▬ ▬▬ ▬▬▬▬▬ ▬▬▬ ▬▬▬▬ ▬▬ ▬▬▬ ▬▬▬▬▬ ▬▬ ▬▬▬▬ ▬▬▬ ▬▬ ▬▬▬▬▬ ▬▬▬▬ ▬▬ ▬▬▬ ▬▬▬▬ ▬▬▬ ▬▬▬▬ ▬▬ ▬▬▬▬▬ ▬▬▬ ▬▬▬▬ ▬▬ ▬▬▬ ▬▬▬▬▬ ▬▬ ▬▬▬▬ ▬▬▬ ▬▬ ▬▬▬▬▬ ▬▬▬▬ ▬▬ ▬▬▬ ▬▬▬▬ ▬▬▬ ▬▬▬▬ ▬▬ ▬▬▬▬▬ ▬▬▬ ▬▬▬▬ ▬▬ ▬▬▬ ▬▬▬▬▬ ▬▬ ▬▬▬▬ ▬▬▬ ▬▬ ▬▬▬▬▬ ▬▬▬▬ ▬▬ ▬▬▬ ▬▬▬▬ ▬▬▬ ▬▬▬▬ ▬▬ ▬▬▬▬▬ ▬▬▬ ▬▬▬▬ ▬▬ ▬▬▬ ▬▬▬▬▬ ▬▬ ▬▬▬▬ ▬▬▬ ▬▬ ▬▬▬▬▬ ▬▬▬▬ ▬▬ ▬▬▬ ▬▬▬▬ ▬▬▬ ▬▬▬▬ ▬▬ ▬▬▬▬▬ ▬▬▬ ▬▬▬▬ ▬▬ ▬▬▬ ▬▬▬▬▬ ▬▬ ▬▬▬▬ ▬▬▬ ▬▬ ▬▬▬▬▬ ▬▬▬▬ ▬▬ ▬▬▬ ▬▬▬▬
PROPERTIES FOR SALE.
EVANS AND BULL.
J. R. Evans (Land Broker.) Roland Bull. Established 1881.
▬▬▬ ▬▬▬▬ ▬▬ ▬▬▬▬▬ ▬▬▬ ▬▬▬▬ ▬▬ ▬▬▬ ▬▬▬▬▬ ▬▬ ▬▬▬▬ ▬▬▬ ▬▬ ▬▬▬▬▬ ▬▬▬▬ ▬▬ ▬▬▬ ▬▬▬▬ ▬▬▬ ▬▬▬▬ ▬▬ ▬▬▬▬▬ ▬▬▬ ▬▬▬▬ ▬▬ ▬▬▬ ▬▬▬▬▬ ▬▬ ▬▬▬▬ ▬▬▬ ▬▬ ▬▬▬▬▬ ▬▬▬▬ ▬▬ ▬▬▬ ▬▬▬▬ ▬▬▬ ▬▬▬▬ ▬▬ ▬▬▬▬▬ ▬▬▬ ▬▬▬▬ ▬▬ ▬▬▬ ▬▬▬▬▬ ▬▬ ▬▬▬▬ ▬▬▬ ▬▬ ▬▬▬▬▬ ▬▬▬▬ ▬▬ ▬▬▬ ▬▬▬▬ ▬▬▬ ▬▬▬▬ ▬▬ ▬▬▬▬▬ ▬▬▬ ▬▬▬▬ ▬▬ ▬▬▬ ▬▬▬▬▬ ▬▬ ▬▬▬▬ ▬▬▬ ▬▬ ▬▬▬▬▬ ▬▬▬▬ ▬▬ ▬▬▬ ▬▬▬▬
OPEN HANGIORA, TUESDAYS, 10 to 4.
▬▬▬ ▬▬▬▬ ▬▬ ▬▬▬▬▬ ▬▬▬ ▬▬▬▬ ▬▬ ▬▬▬ ▬▬▬▬▬ ▬▬ ▬▬▬▬ ▬▬▬ ▬▬ ▬▬▬▬▬ ▬▬▬▬ ▬▬ ▬▬▬ ▬▬▬▬ ▬▬▬ ▬▬▬▬ ▬▬ ▬▬▬▬▬ ▬▬▬ ▬▬▬▬ ▬▬ ▬▬▬ ▬▬▬▬▬ ▬▬ ▬▬▬▬ ▬▬▬ ▬▬ ▬▬▬▬▬ ▬▬▬▬ ▬▬ ▬▬▬ ▬▬▬▬
SPECIAL MORTGAGEE'S SALE.
▬▬▬ ▬▬▬▬ ▬▬ ▬▬▬▬▬ ▬▬▬ ▬▬▬▬ ▬▬ ▬▬▬ ▬▬▬▬▬ ▬▬ ▬▬▬▬ ▬▬▬ ▬▬ ▬▬▬▬▬ ▬▬▬▬ ▬▬ ▬▬▬ ▬▬▬▬ ▬▬▬ ▬▬▬▬ ▬▬ ▬▬▬▬▬ ▬▬▬ ▬▬▬▬ ▬▬ ▬▬▬ ▬▬▬▬▬ ▬▬ ▬▬▬▬ ▬▬▬ ▬▬ ▬▬▬▬▬ ▬▬▬▬ ▬▬ ▬▬▬ ▬▬▬▬ ▬▬▬ ▬▬▬▬ ▬▬ ▬▬▬▬▬ ▬▬▬ ▬▬▬▬ ▬▬ ▬▬▬ ▬▬▬▬▬ ▬▬ ▬▬▬▬ ▬▬▬ ▬▬ ▬▬▬▬▬ ▬▬▬▬ ▬▬ ▬▬▬ ▬▬▬▬ ▬▬▬ ▬▬▬▬ ▬▬ ▬▬▬▬▬ ▬▬▬ ▬▬▬▬ ▬▬ ▬▬▬ ▬▬▬▬▬ ▬▬ ▬▬▬▬ ▬▬▬ ▬▬ ▬▬▬▬▬ ▬▬▬▬ ▬▬ ▬▬▬ ▬▬▬▬ ▬▬▬ ▬▬▬▬ ▬▬ ▬▬▬▬▬ ▬▬▬ ▬▬▬▬ ▬▬ ▬▬▬ ▬▬▬▬▬ ▬▬ ▬▬▬▬ ▬▬▬ ▬▬ ▬▬▬▬▬ ▬▬▬▬ ▬▬ ▬▬▬ ▬▬▬▬
TERMS ONLY £80 DOWN.
▬▬▬ ▬▬▬▬ ▬▬ ▬▬▬▬▬ ▬▬▬ ▬▬▬▬ ▬▬ ▬▬▬ ▬▬▬▬▬ ▬▬ ▬▬▬▬ ▬▬▬ ▬▬ ▬▬▬▬▬ ▬▬▬▬ ▬▬ ▬▬▬ ▬▬▬▬ ▬▬▬ ▬▬▬▬ ▬▬ ▬▬▬▬▬ ▬▬▬ ▬▬▬▬ ▬▬ ▬▬▬ ▬▬▬▬▬ ▬▬ ▬▬▬▬ ▬▬▬ ▬▬ ▬▬▬▬▬ ▬▬▬▬ ▬▬ ▬▬▬ ▬▬▬▬ ▬▬▬ ▬▬▬▬ ▬▬ ▬▬▬▬▬ ▬▬▬ ▬▬▬▬ ▬▬ ▬▬▬ ▬▬▬▬▬ ▬▬ ▬▬▬▬ ▬▬▬ ▬▬ ▬▬▬▬▬ ▬▬▬▬ ▬▬ ▬▬▬ ▬▬▬▬
EVANS and BULL, 63 Cathedral square.
▬▬▬ ▬▬▬▬ ▬▬ ▬▬▬▬▬ ▬▬▬ ▬▬▬▬ ▬▬ ▬▬▬ ▬▬▬▬▬ ▬▬ ▬▬▬▬ ▬▬▬ ▬▬ ▬▬▬▬▬ ▬▬▬▬ ▬▬ ▬▬▬ ▬▬▬▬ ▬▬▬ ▬▬▬▬ ▬▬ ▬▬▬▬▬ ▬▬▬ ▬▬▬▬ ▬▬ ▬▬▬ ▬▬▬▬▬ ▬▬ ▬▬▬▬ ▬▬▬ ▬▬ ▬▬▬▬▬ ▬▬▬▬ ▬▬ ▬▬▬ ▬▬▬▬ ▬▬▬ ▬▬▬▬ ▬▬ ▬▬▬▬▬ ▬▬▬ ▬▬▬▬ ▬▬ ▬▬▬ ▬▬▬▬▬ ▬▬ ▬▬▬▬ ▬▬▬ ▬▬ ▬▬▬▬▬ ▬▬▬▬ ▬▬ ▬▬▬ ▬▬▬▬ ▬▬▬ ▬▬▬▬ ▬▬ ▬▬▬▬▬ ▬▬▬ ▬▬▬▬ ▬▬ ▬▬▬ ▬▬▬▬▬ ▬▬ ▬▬▬▬ ▬▬▬ ▬▬ ▬▬▬▬▬ ▬▬▬▬ ▬▬ ▬▬▬ ▬▬▬▬ ▬▬▬ ▬▬▬▬ ▬▬ ▬▬▬▬▬ ▬▬▬ ▬▬▬▬ ▬▬ ▬▬▬ ▬▬▬▬▬ ▬▬ ▬▬▬▬ ▬▬▬ ▬▬ ▬▬▬▬▬ ▬▬▬▬ ▬▬ ▬▬▬ ▬▬▬▬ ▬▬▬ ▬▬▬▬ ▬▬ ▬▬▬▬▬ ▬▬▬ ▬▬▬▬ ▬▬ ▬▬▬ ▬▬▬▬▬ ▬▬ ▬▬▬▬ ▬▬▬ ▬▬ ▬▬▬▬▬ ▬▬▬▬ ▬▬ ▬▬▬ ▬▬▬▬
H. HOBDAY.
EARLY CHOOPING LAND, CHRISTCHURCH.
▬▬▬ ▬▬▬▬ ▬▬ ▬▬▬▬▬ ▬▬▬ ▬▬▬▬ ▬▬ ▬▬▬ ▬▬▬▬▬ ▬▬ ▬▬▬▬ ▬▬▬ ▬▬ ▬▬▬▬▬ ▬▬▬▬ ▬▬ ▬▬▬ ▬▬▬▬ ▬▬▬ ▬▬▬▬ ▬▬ ▬▬▬▬▬ ▬▬▬ ▬▬▬▬ ▬▬ ▬▬▬ ▬▬▬▬▬ ▬▬ ▬▬▬▬ ▬▬▬ ▬▬ ▬▬▬▬▬ ▬▬▬▬ ▬▬ ▬▬▬ ▬▬▬▬
SUMNER.
▬▬▬ ▬▬▬▬ ▬▬ ▬▬▬▬▬ ▬▬▬ ▬▬▬▬ ▬▬ ▬▬▬ ▬▬▬▬▬ ▬▬ ▬▬▬▬ ▬▬▬ ▬▬ ▬▬▬▬▬ ▬▬▬▬ ▬▬ ▬▬▬ ▬▬▬▬ ▬▬▬ ▬▬▬▬ ▬▬ ▬▬▬▬▬ ▬▬▬ ▬▬▬▬ ▬▬ ▬▬▬ ▬▬▬▬▬ ▬▬ ▬▬▬▬ ▬▬▬ ▬▬ ▬▬▬▬▬ ▬▬▬▬ ▬▬ ▬▬▬ ▬▬▬▬ ▬▬▬ ▬▬▬▬ ▬▬ ▬▬▬▬▬ ▬▬▬ ▬▬▬▬ ▬▬ ▬▬▬ ▬▬▬▬▬ ▬▬ ▬▬▬▬ ▬▬▬ ▬▬ ▬▬▬▬▬ ▬▬▬▬ ▬▬ ▬▬▬ ▬▬▬▬ ▬▬▬ ▬▬▬▬ ▬▬ ▬▬▬▬▬ ▬▬▬ ▬▬▬▬ ▬▬ ▬▬▬ ▬▬▬▬▬ ▬▬ ▬▬▬▬ ▬▬▬ ▬▬ ▬▬▬▬▬ ▬▬▬▬ ▬▬ ▬▬▬ ▬▬▬▬ ▬▬▬ ▬▬▬▬ ▬▬ ▬▬▬▬▬ ▬▬▬ ▬▬▬▬ ▬▬ ▬▬▬ ▬▬▬▬▬ ▬▬ ▬▬▬▬ ▬▬▬ ▬▬ ▬▬▬▬▬ ▬▬▬▬ ▬▬ ▬▬▬ ▬▬▬▬
DEVEREUX, KING AND CO.
AUCTIONS.
ASHBURTON ASSOCIATED AUCTIONEERS.
TINWALD SALE.
▬▬▬ ▬▬▬▬ ▬▬ ▬▬▬▬▬ ▬▬▬ ▬▬▬▬ ▬▬ ▬▬▬ ▬▬▬▬▬ ▬▬ ▬▬▬▬ ▬▬▬ ▬▬ ▬▬▬▬▬ ▬▬▬▬ ▬▬ ▬▬▬ ▬▬▬▬ ▬▬▬ ▬▬▬▬ ▬▬ ▬▬▬▬▬ ▬▬▬ ▬▬▬▬ ▬▬ ▬▬▬ ▬▬▬▬▬ ▬▬ ▬▬▬▬ ▬▬▬ ▬▬ ▬▬▬▬▬ ▬▬▬▬ ▬▬ ▬▬▬ ▬▬▬▬
TUESDAY, JUNE 9th, 1925.
▬▬▬ ▬▬▬▬ ▬▬ ▬▬▬▬▬ ▬▬▬ ▬▬▬▬ ▬▬ ▬▬▬ ▬▬▬▬▬ ▬▬ ▬▬▬▬ ▬▬▬ ▬▬ ▬▬▬▬▬ ▬▬▬▬ ▬▬ ▬▬▬ ▬▬▬▬ ▬▬▬ ▬▬▬▬ ▬▬ ▬▬▬▬▬ ▬▬▬ ▬▬▬▬ ▬▬ ▬▬▬ ▬▬▬▬▬ ▬▬ ▬▬▬▬ ▬▬▬ ▬▬ ▬▬▬▬▬ ▬▬▬▬ ▬▬ ▬▬▬ ▬▬▬▬ ▬▬▬ ▬▬▬▬ ▬▬ ▬▬▬▬▬ ▬▬▬ ▬▬▬▬ ▬▬ ▬▬▬ ▬▬▬▬▬ ▬▬ ▬▬▬▬ ▬▬▬ ▬▬ ▬▬▬▬▬ ▬▬▬▬ ▬▬ ▬▬▬ ▬▬▬▬ ▬▬▬ ▬▬▬▬ ▬▬ ▬▬▬▬▬ ▬▬▬ ▬▬▬▬ ▬▬ ▬▬▬ ▬▬▬▬▬ ▬▬ ▬▬▬▬ ▬▬▬ ▬▬ ▬▬▬▬▬ ▬▬▬▬ ▬▬ ▬▬▬ ▬▬▬▬ ▬▬▬ ▬▬▬▬ ▬▬ ▬▬▬▬▬ ▬▬▬ ▬▬▬▬ ▬▬ ▬▬▬ ▬▬▬▬▬ ▬▬ ▬▬▬▬ ▬▬▬ ▬▬ ▬▬▬▬▬ ▬▬▬▬ ▬▬ ▬▬▬ ▬▬▬▬
ASHBURTON ASSOCIATED AUCTIONEERS.
▬▬▬ ▬▬▬▬ ▬▬ ▬▬▬▬▬ ▬▬▬ ▬▬▬▬ ▬▬ ▬▬▬ ▬▬▬▬▬ ▬▬ ▬▬▬▬ ▬▬▬ ▬▬ ▬▬▬▬▬ ▬▬▬▬ ▬▬ ▬▬▬ ▬▬▬▬ ▬▬▬ ▬▬▬▬ ▬▬ ▬▬▬▬▬ ▬▬▬ ▬▬▬▬ ▬▬ ▬▬▬ ▬▬▬▬▬ ▬▬ ▬▬▬▬ ▬▬▬ ▬▬ ▬▬▬▬▬ ▬▬▬▬ ▬▬ ▬▬▬ ▬▬▬▬ ▬▬▬ ▬▬▬▬ ▬▬ ▬▬▬▬▬ ▬▬▬ ▬▬▬▬ ▬▬ ▬▬▬ ▬▬▬▬▬ ▬▬ ▬▬▬▬ ▬▬▬ ▬▬ ▬▬▬▬▬ ▬▬▬▬ ▬▬ ▬▬▬ ▬▬▬▬
PROPERTIES FOR SALE.
HARMAN AND STEVENS, LIMITED.
CITY—SOLDIER'S MORTGAGE £925.
▬▬▬ ▬▬▬▬ ▬▬ ▬▬▬▬▬ ▬▬▬ ▬▬▬▬ ▬▬ ▬▬▬ ▬▬▬▬▬ ▬▬ ▬▬▬▬ ▬▬▬ ▬▬ ▬▬▬▬▬ ▬▬▬▬ ▬▬ ▬▬▬ ▬▬▬▬ ▬▬▬ ▬▬▬▬ ▬▬ ▬▬▬▬▬ ▬▬▬ ▬▬▬▬ ▬▬ ▬▬▬ ▬▬▬▬▬ ▬▬ ▬▬▬▬ ▬▬▬ ▬▬ ▬▬▬▬▬ ▬▬▬▬ ▬▬ ▬▬▬ ▬▬▬▬
£1350—SUPERIOR 5-roomed Bungalow.
▬▬▬ ▬▬▬▬ ▬▬ ▬▬▬▬▬ ▬▬▬ ▬▬▬▬ ▬▬ ▬▬▬ ▬▬▬▬▬ ▬▬ ▬▬▬▬ ▬▬▬ ▬▬ ▬▬▬▬▬ ▬▬▬▬ ▬▬ ▬▬▬ ▬▬▬▬ ▬▬▬ ▬▬▬▬ ▬▬ ▬▬▬▬▬ ▬▬▬ ▬▬▬▬ ▬▬ ▬▬▬ ▬▬▬▬▬ ▬▬ ▬▬▬▬ ▬▬▬ ▬▬ ▬▬▬▬▬ ▬▬▬▬ ▬▬ ▬▬▬ ▬▬▬▬ ▬▬▬ ▬▬▬▬ ▬▬ ▬▬▬▬▬ ▬▬▬ ▬▬▬▬ ▬▬ ▬▬▬ ▬▬▬▬▬ ▬▬ ▬▬▬▬ ▬▬▬ ▬▬ ▬▬▬▬▬ ▬▬▬▬ ▬▬ ▬▬▬ ▬▬▬▬ ▬▬▬ ▬▬▬▬ ▬▬ ▬▬▬▬▬ ▬▬▬ ▬▬▬▬ ▬▬ ▬▬▬ ▬▬▬▬▬ ▬▬ ▬▬▬▬ ▬▬▬ ▬▬ ▬▬▬▬▬ ▬▬▬▬ ▬▬ ▬▬▬ ▬▬▬▬ ▬▬▬ ▬▬▬▬ ▬▬ ▬▬▬▬▬ ▬▬▬ ▬▬▬▬ ▬▬ ▬▬▬ ▬▬▬▬▬ ▬▬ ▬▬▬▬ ▬▬▬ ▬▬ ▬▬▬▬▬ ▬▬▬▬ ▬▬ ▬▬▬ ▬▬▬▬
£100—ROOMS and kitchenette.
▬▬▬ ▬▬▬▬ ▬▬ ▬▬▬▬▬ ▬▬▬ ▬▬▬▬ ▬▬ ▬▬▬ ▬▬▬▬▬ ▬▬ ▬▬▬▬ ▬▬▬ ▬▬ ▬▬▬▬▬ ▬▬▬▬ ▬▬ ▬▬▬ ▬▬▬▬ ▬▬▬ ▬▬▬▬ ▬▬ ▬▬▬▬▬ ▬▬▬ ▬▬▬▬ ▬▬ ▬▬▬ ▬▬▬▬▬ ▬▬ ▬▬▬▬ ▬▬▬ ▬▬ ▬▬▬▬▬ ▬▬▬▬ ▬▬ ▬▬▬ ▬▬▬▬ ▬▬▬ ▬▬▬▬ ▬▬ ▬▬▬▬▬ ▬▬▬ ▬▬▬▬ ▬▬ ▬▬▬ ▬▬▬▬▬ ▬▬ ▬▬▬▬ ▬▬▬ ▬▬ ▬▬▬▬▬ ▬▬▬▬ ▬▬ ▬▬▬ ▬▬▬▬
£250—5-ROOMED Cottage.
▬▬▬ ▬▬▬▬ ▬▬ ▬▬▬▬▬ ▬▬▬ ▬▬▬▬ ▬▬ ▬▬▬ ▬▬▬▬▬ ▬▬ ▬▬▬▬ ▬▬▬ ▬▬ ▬▬▬▬▬ ▬▬▬▬ ▬▬ ▬▬▬ ▬▬▬▬ ▬▬▬ ▬▬▬▬ ▬▬ ▬▬▬▬▬ ▬▬▬ ▬▬▬▬ ▬▬ ▬▬▬ ▬▬▬▬▬ ▬▬ ▬▬▬▬ ▬▬▬ ▬▬ ▬▬▬▬▬ ▬▬▬▬ ▬▬ ▬▬▬ ▬▬▬▬ ▬▬▬ ▬▬▬▬ ▬▬ ▬▬▬▬▬ ▬▬▬ ▬▬▬▬ ▬▬ ▬▬▬ ▬▬▬▬▬ ▬▬ ▬▬▬▬ ▬▬▬ ▬▬ ▬▬▬▬▬ ▬▬▬▬ ▬▬ ▬▬▬ ▬▬▬▬ ▬▬▬ ▬▬▬▬ ▬▬ ▬▬▬▬▬ ▬▬▬ ▬▬▬▬ ▬▬ ▬▬▬ ▬▬▬▬▬ ▬▬ ▬▬▬▬ ▬▬▬ ▬▬ ▬▬▬▬▬ ▬▬▬▬ ▬▬ ▬▬▬ ▬▬▬▬ ▬▬▬ ▬▬▬▬ ▬▬ ▬▬▬▬▬ ▬▬▬ ▬▬▬▬ ▬▬ ▬▬▬ ▬▬▬▬▬ ▬▬ ▬▬▬▬ ▬▬▬ ▬▬ ▬▬▬▬▬ ▬▬▬▬ ▬▬ ▬▬▬ ▬▬▬▬ ▬▬▬ ▬▬▬▬ ▬▬ ▬▬▬▬▬ ▬▬▬ ▬▬▬▬ ▬▬ ▬▬▬ ▬▬▬▬▬ ▬▬ ▬▬▬▬ ▬▬▬ ▬▬ ▬▬▬▬▬ ▬▬▬▬ ▬▬ ▬▬▬ ▬▬▬▬
£110—SEVERAL Splendid Sections.
▬▬▬ ▬▬▬▬ ▬▬ ▬▬▬▬▬ ▬▬▬ ▬▬▬▬ ▬▬ ▬▬▬ ▬▬▬▬▬ ▬▬ ▬▬▬▬ ▬▬▬ ▬▬ ▬▬▬▬▬ ▬▬▬▬ ▬▬ ▬▬▬ ▬▬▬▬ ▬▬▬ ▬▬▬▬ ▬▬ ▬▬▬▬▬ ▬▬▬ ▬▬▬▬ ▬▬ ▬▬▬ ▬▬▬▬▬ ▬▬ ▬▬▬▬ ▬▬▬ ▬▬ ▬▬▬▬▬ ▬▬▬▬ ▬▬ ▬▬▬ ▬▬▬▬ ▬▬▬ ▬▬▬▬ ▬▬ ▬▬▬▬▬ ▬▬▬ ▬▬▬▬ ▬▬ ▬▬▬ ▬▬▬▬▬ ▬▬ ▬▬▬▬ ▬▬▬ ▬▬ ▬▬▬▬▬ ▬▬▬▬ ▬▬ ▬▬▬ ▬▬▬▬ ▬▬▬ ▬▬▬▬ ▬▬ ▬▬▬▬▬ ▬▬▬ ▬▬▬▬ ▬▬ ▬▬▬ ▬▬▬▬▬ ▬▬ ▬▬▬▬ ▬▬▬ ▬▬ ▬▬▬▬▬ ▬▬▬▬ ▬▬ ▬▬▬ ▬▬▬▬
HARMAN AND STEVENS, LIMITED.
▬▬▬ ▬▬▬▬ ▬▬ ▬▬▬▬▬ ▬▬▬ ▬▬▬▬ ▬▬ ▬▬▬ ▬▬▬▬▬ ▬▬ ▬▬▬▬ ▬▬▬ ▬▬ ▬▬▬▬▬ ▬▬▬▬ ▬▬ ▬▬▬ ▬▬▬▬ ▬▬▬ ▬▬▬▬ ▬▬ ▬▬▬▬▬ ▬▬▬ ▬▬▬▬ ▬▬ ▬▬▬ ▬▬▬▬▬ ▬▬ ▬▬▬▬ ▬▬▬ ▬▬ ▬▬▬▬▬ ▬▬▬▬ ▬▬ ▬▬▬ ▬▬▬▬
FORD AND HADFIELD, LTD.
CHEAP CITY PROPERTY.
▬▬▬ ▬▬▬▬ ▬▬ ▬▬▬▬▬ ▬▬▬ ▬▬▬▬ ▬▬ ▬▬▬ ▬▬▬▬▬ ▬▬ ▬▬▬▬ ▬▬▬ ▬▬ ▬▬▬▬▬ ▬▬▬▬ ▬▬ ▬▬▬ ▬▬▬▬ ▬▬▬ ▬▬▬▬ ▬▬ ▬▬▬▬▬ ▬▬▬ ▬▬▬▬ ▬▬ ▬▬▬ ▬▬▬▬▬ ▬▬ ▬▬▬▬ ▬▬▬ ▬▬ ▬▬▬▬▬ ▬▬▬▬ ▬▬ ▬▬▬ ▬▬▬▬ ▬▬▬ ▬▬▬▬ ▬▬ ▬▬▬▬▬ ▬▬▬ ▬▬▬▬ ▬▬ ▬▬▬ ▬▬▬▬▬ ▬▬ ▬▬▬▬ ▬▬▬ ▬▬ ▬▬▬▬▬ ▬▬▬▬ ▬▬ ▬▬▬ ▬▬▬▬
£1000—NINE ROOMS.
▬▬▬ ▬▬▬▬ ▬▬ ▬▬▬▬▬ ▬▬▬ ▬▬▬▬ ▬▬ ▬▬▬ ▬▬▬▬▬ ▬▬ ▬▬▬▬ ▬▬▬ ▬▬ ▬▬▬▬▬ ▬▬▬▬ ▬▬ ▬▬▬ ▬▬▬▬ ▬▬▬ ▬▬▬▬ ▬▬ ▬▬▬▬▬ ▬▬▬ ▬▬▬▬ ▬▬ ▬▬▬ ▬▬▬▬▬ ▬▬ ▬▬▬▬ ▬▬▬ ▬▬ ▬▬▬▬▬ ▬▬▬▬ ▬▬ ▬▬▬ ▬▬▬▬ ▬▬▬ ▬▬▬▬ ▬▬ ▬▬▬▬▬ ▬▬▬ ▬▬▬▬ ▬▬ ▬▬▬ ▬▬▬▬▬ ▬▬ ▬▬▬▬ ▬▬▬ ▬▬ ▬▬▬▬▬ ▬▬▬▬ ▬▬ ▬▬▬ ▬▬▬▬ ▬▬▬ ▬▬▬▬ ▬▬ ▬▬▬▬▬ ▬▬▬ ▬▬▬▬ ▬▬ ▬▬▬ ▬▬▬▬▬ ▬▬ ▬▬▬▬ ▬▬▬ ▬▬ ▬▬▬▬▬ ▬▬▬▬ ▬▬ ▬▬▬ ▬▬▬▬ ▬▬▬ ▬▬▬▬ ▬▬ ▬▬▬▬▬ ▬▬▬ ▬▬▬▬ ▬▬ ▬▬▬ ▬▬▬▬▬ ▬▬ ▬▬▬▬ ▬▬▬ ▬▬ ▬▬▬▬▬ ▬▬▬▬ ▬▬ ▬▬▬ ▬▬▬▬ ▬▬▬ ▬▬▬▬ ▬▬ ▬▬▬▬▬ ▬▬▬ ▬▬▬▬ ▬▬ ▬▬▬ ▬▬▬▬▬ ▬▬ ▬▬▬▬ ▬▬▬ ▬▬ ▬▬▬▬▬ ▬▬▬▬ ▬▬ ▬▬▬ ▬▬▬▬
TO CLOSE DECEASED ESTATE.
▬▬▬ ▬▬▬▬ ▬▬ ▬▬▬▬▬ ▬▬▬ ▬▬▬▬ ▬▬ ▬▬▬ ▬▬▬▬▬ ▬▬ ▬▬▬▬ ▬▬▬ ▬▬ ▬▬▬▬▬ ▬▬▬▬ ▬▬ ▬▬▬ ▬▬▬▬ ▬▬▬ ▬▬▬▬ ▬▬ ▬▬▬▬▬ ▬▬▬ ▬▬▬▬ ▬▬ ▬▬▬ ▬▬▬▬▬ ▬▬ ▬▬▬▬ ▬▬▬ ▬▬ ▬▬▬▬▬ ▬▬▬▬ ▬▬ ▬▬▬ ▬▬▬▬ ▬▬▬ ▬▬▬▬ ▬▬ ▬▬▬▬▬ ▬▬▬ ▬▬▬▬ ▬▬ ▬▬▬ ▬▬▬▬▬ ▬▬ ▬▬▬▬ ▬▬▬ ▬▬ ▬▬▬▬▬ ▬▬▬▬ ▬▬ ▬▬▬ ▬▬▬▬ ▬▬▬ ▬▬▬▬ ▬▬ ▬▬▬▬▬ ▬▬▬ ▬▬▬▬ ▬▬ ▬▬▬ ▬▬▬▬▬ ▬▬ ▬▬▬▬ ▬▬▬ ▬▬ ▬▬▬▬▬ ▬▬▬▬ ▬▬ ▬▬▬ ▬▬▬▬
£1350—CASHMERE HORSE.
▬▬▬ ▬▬▬▬ ▬▬ ▬▬▬▬▬ ▬▬▬ ▬▬▬▬ ▬▬ ▬▬▬ ▬▬▬▬▬ ▬▬ ▬▬▬▬ ▬▬▬ ▬▬ ▬▬▬▬▬ ▬▬▬▬ ▬▬ ▬▬▬ ▬▬▬▬ ▬▬▬ ▬▬▬▬ ▬▬ ▬▬▬▬▬ ▬▬▬ ▬▬▬▬ ▬▬ ▬▬▬ ▬▬▬▬▬ ▬▬ ▬▬▬▬ ▬▬▬ ▬▬ ▬▬▬▬▬ ▬▬▬▬ ▬▬ ▬▬▬ ▬▬▬▬
FORD and HADFIELD, LTD.
▬▬▬ ▬▬▬▬ ▬▬ ▬▬▬▬▬ ▬▬▬ ▬▬▬▬ ▬▬ ▬▬▬ ▬▬▬▬▬ ▬▬ ▬▬▬▬ ▬▬▬ ▬▬ ▬▬▬▬▬ ▬▬▬▬ ▬▬ ▬▬▬ ▬▬▬▬ ▬▬▬ ▬▬▬▬ ▬▬ ▬▬▬▬▬ ▬▬▬ ▬▬▬▬ ▬▬ ▬▬▬ ▬▬▬▬▬ ▬▬ ▬▬▬▬ ▬▬▬ ▬▬ ▬▬▬▬▬ ▬▬▬▬ ▬▬ ▬▬▬ ▬▬▬▬ ▬▬▬ ▬▬▬▬ ▬▬ ▬▬▬▬▬ ▬▬▬ ▬▬▬▬ ▬▬ ▬▬▬ ▬▬▬▬▬ ▬▬ ▬▬▬▬ ▬▬▬ ▬▬ ▬▬▬▬▬ ▬▬▬▬ ▬▬ ▬▬▬ ▬▬▬▬ ▬▬▬ ▬▬▬▬ ▬▬ ▬▬▬▬▬ ▬▬▬ ▬▬▬▬ ▬▬ ▬▬▬ ▬▬▬▬▬ ▬▬ ▬▬▬▬ ▬▬▬ ▬▬ ▬▬▬▬▬ ▬▬▬▬ ▬▬ ▬▬▬ ▬▬▬▬ ▬▬▬ ▬▬▬▬ ▬▬ ▬▬▬▬▬ ▬▬▬ ▬▬▬▬ ▬▬ ▬▬▬ ▬▬▬▬▬ ▬▬ ▬▬▬▬ ▬▬▬ ▬▬ ▬▬▬▬▬ ▬▬▬▬ ▬▬ ▬▬▬ ▬▬▬▬
BAKER BROS.
CHEAP SECTIONS.
▬▬▬ ▬▬▬▬ ▬▬ ▬▬▬▬▬ ▬▬▬ ▬▬▬▬ ▬▬ ▬▬▬ ▬▬▬▬▬ ▬▬ ▬▬▬▬ ▬▬▬ ▬▬ ▬▬▬▬▬ ▬▬▬▬ ▬▬ ▬▬▬ ▬▬▬▬ ▬▬▬ ▬▬▬▬ ▬▬ ▬▬▬▬▬ ▬▬▬ ▬▬▬▬ ▬▬ ▬▬▬ ▬▬▬▬▬ ▬▬ ▬▬▬▬ ▬▬▬ ▬▬ ▬▬▬▬▬ ▬▬▬▬ ▬▬ ▬▬▬ ▬▬▬▬ ▬▬▬ ▬▬▬▬ ▬▬ ▬▬▬▬▬ ▬▬▬ ▬▬▬▬ ▬▬ ▬▬▬ ▬▬▬▬▬ ▬▬ ▬▬▬▬ ▬▬▬ ▬▬ ▬▬▬▬▬ ▬▬▬▬ ▬▬ ▬▬▬ ▬▬▬▬ ▬▬▬ ▬▬▬▬ ▬▬ ▬▬▬▬▬ ▬▬▬ ▬▬▬▬ ▬▬ ▬▬▬ ▬▬▬▬▬ ▬▬ ▬▬▬▬ ▬▬▬ ▬▬ ▬▬▬▬▬ ▬▬▬▬ ▬▬ ▬▬▬ ▬▬▬▬ ▬▬▬ ▬▬▬▬ ▬▬ ▬▬▬▬▬ ▬▬▬ ▬▬▬▬ ▬▬ ▬▬▬ ▬▬▬▬▬ ▬▬ ▬▬▬▬ ▬▬▬ ▬▬ ▬▬▬▬▬ ▬▬▬▬ ▬▬ ▬▬▬ ▬▬▬▬ ▬▬▬ ▬▬▬▬ ▬▬ ▬▬▬▬▬ ▬▬▬ ▬▬▬▬ ▬▬ ▬▬▬ ▬▬▬▬▬ ▬▬ ▬▬▬▬ ▬▬▬ ▬▬ ▬▬▬▬▬ ▬▬▬▬ ▬▬ ▬▬▬ ▬▬▬▬
HILLARY AND BAXTER.
£1040—ST. ALBANS WEST.
▬▬▬ ▬▬▬▬ ▬▬ ▬▬▬▬▬ ▬▬▬ ▬▬▬▬ ▬▬ ▬▬▬ ▬▬▬▬▬ ▬▬ ▬▬▬▬ ▬▬▬ ▬▬ ▬▬▬▬▬ ▬▬▬▬ ▬▬ ▬▬▬ ▬▬▬▬ ▬▬▬ ▬▬▬▬ ▬▬ ▬▬▬▬▬ ▬▬▬ ▬▬▬▬ ▬▬ ▬▬▬ ▬▬▬▬▬ ▬▬ ▬▬▬▬ ▬▬▬ ▬▬ ▬▬▬▬▬ ▬▬▬▬ ▬▬ ▬▬▬ ▬▬▬▬
£2500—RIGHT in the City.
▬▬▬ ▬▬▬▬ ▬▬ ▬▬▬▬▬ ▬▬▬ ▬▬▬▬ ▬▬ ▬▬▬ ▬▬▬▬▬ ▬▬ ▬▬▬▬ ▬▬▬ ▬▬ ▬▬▬▬▬ ▬▬▬▬ ▬▬ ▬▬▬ ▬▬▬▬ ▬▬▬ ▬▬▬▬ ▬▬ ▬▬▬▬▬ ▬▬▬ ▬▬▬▬ ▬▬ ▬▬▬ ▬▬▬▬▬ ▬▬ ▬▬▬▬ ▬▬▬ ▬▬ ▬▬▬▬▬ ▬▬▬▬ ▬▬ ▬▬▬ ▬▬▬▬ ▬▬▬ ▬▬▬▬ ▬▬ ▬▬▬▬▬ ▬▬▬ ▬▬▬▬ ▬▬ ▬▬▬ ▬▬▬▬▬ ▬▬ ▬▬▬▬ ▬▬▬ ▬▬ ▬▬▬▬▬ ▬▬▬▬ ▬▬ ▬▬▬ ▬▬▬▬ ▬▬▬ ▬▬▬▬ ▬▬ ▬▬▬▬▬ ▬▬▬ ▬▬▬▬ ▬▬ ▬▬▬ ▬▬▬▬▬ ▬▬ ▬▬▬▬ ▬▬▬ ▬▬ ▬▬▬▬▬ ▬▬▬▬ ▬▬ ▬▬▬ ▬▬▬▬ ▬▬▬ ▬▬▬▬ ▬▬ ▬▬▬▬▬ ▬▬▬ ▬▬▬▬ ▬▬ ▬▬▬ ▬▬▬▬▬ ▬▬ ▬▬▬▬ ▬▬▬ ▬▬ ▬▬▬▬▬ ▬▬▬▬ ▬▬ ▬▬▬ ▬▬▬▬
£1850—PAPANUI ROAD.
▬▬▬ ▬▬▬▬ ▬▬ ▬▬▬▬▬ ▬▬▬ ▬▬▬▬ ▬▬ ▬▬▬ ▬▬▬▬▬ ▬▬ ▬▬▬▬ ▬▬▬ ▬▬ ▬▬▬▬▬ ▬▬▬▬ ▬▬ ▬▬▬ ▬▬▬▬ ▬▬▬ ▬▬▬▬ ▬▬ ▬▬▬▬▬ ▬▬▬ ▬▬▬▬ ▬▬ ▬▬▬ ▬▬▬▬▬ ▬▬ ▬▬▬▬ ▬▬▬ ▬▬ ▬▬▬▬▬ ▬▬▬▬ ▬▬ ▬▬▬ ▬▬▬▬ ▬▬▬ ▬▬▬▬ ▬▬ ▬▬▬▬▬ ▬▬▬ ▬▬▬▬ ▬▬ ▬▬▬ ▬▬▬▬▬ ▬▬ ▬▬▬▬ ▬▬▬ ▬▬ ▬▬▬▬▬ ▬▬▬▬ ▬▬ ▬▬▬ ▬▬▬▬
£1140—REDUCED from £1500.
▬▬▬ ▬▬▬▬ ▬▬ ▬▬▬▬▬ ▬▬▬ ▬▬▬▬ ▬▬ ▬▬▬ ▬▬▬▬▬ ▬▬ ▬▬▬▬ ▬▬▬ ▬▬ ▬▬▬▬▬ ▬▬▬▬ ▬▬ ▬▬▬ ▬▬▬▬ ▬▬▬ ▬▬▬▬ ▬▬ ▬▬▬▬▬ ▬▬▬ ▬▬▬▬ ▬▬ ▬▬▬ ▬▬▬▬▬ ▬▬ ▬▬▬▬ ▬▬▬ ▬▬ ▬▬▬▬▬ ▬▬▬▬ ▬▬ ▬▬▬ ▬▬▬▬ ▬▬▬ ▬▬▬▬ ▬▬ ▬▬▬▬▬ ▬▬▬ ▬▬▬▬ ▬▬ ▬▬▬ ▬▬▬▬▬ ▬▬ ▬▬▬▬ ▬▬▬ ▬▬ ▬▬▬▬▬ ▬▬▬▬ ▬▬ ▬▬▬ ▬▬▬▬ ▬▬▬ ▬▬▬▬ ▬▬ ▬▬▬▬▬ ▬▬▬ ▬▬▬▬ ▬▬ ▬▬▬ ▬▬▬▬▬ ▬▬ ▬▬▬▬ ▬▬▬ ▬▬ ▬▬▬▬▬ ▬▬▬▬ ▬▬ ▬▬▬ ▬▬▬▬ ▬▬▬ ▬▬▬▬ ▬▬ ▬▬▬▬▬ ▬▬▬ ▬▬▬▬ ▬▬ ▬▬▬ ▬▬▬▬▬ ▬▬ ▬▬▬▬ ▬▬▬ ▬▬ ▬▬▬▬▬ ▬▬▬▬ ▬▬ ▬▬▬ ▬▬▬▬ ▬▬▬ ▬▬▬▬ ▬▬ ▬▬▬▬▬ ▬▬▬ ▬▬▬▬ ▬▬ ▬▬▬ ▬▬▬▬▬ ▬▬ ▬▬▬▬ ▬▬▬ ▬▬ ▬▬▬▬▬ ▬▬▬▬ ▬▬ ▬▬▬ ▬▬▬▬
REMOVAL NOTICE.
THE LONDON DENTAL INSTITUTE
▬▬▬ ▬▬▬▬ ▬▬ ▬▬▬▬▬ ▬▬▬ ▬▬▬▬ ▬▬ ▬▬▬ ▬▬▬▬▬ ▬▬ ▬▬▬▬ ▬▬▬ ▬▬ ▬▬▬▬▬ ▬▬▬▬ ▬▬ ▬▬▬ ▬▬▬▬ ▬▬▬ ▬▬▬▬ ▬▬ ▬▬▬▬▬ ▬▬▬ ▬▬▬▬ ▬▬ ▬▬▬ ▬▬▬▬▬ ▬▬ ▬▬▬▬ ▬▬▬ ▬▬ ▬▬▬▬▬ ▬▬▬▬ ▬▬ ▬▬▬ ▬▬▬▬
CONVEYANCES.
KAIKOURA
▬▬▬ ▬▬▬▬ ▬▬ ▬▬▬▬▬ ▬▬▬ ▬▬▬▬ ▬▬ ▬▬▬ ▬▬▬▬▬ ▬▬ ▬▬▬▬ ▬▬▬ ▬▬ ▬▬▬▬▬ ▬▬▬▬ ▬▬ ▬▬▬ ▬▬▬▬ ▬▬▬ ▬▬▬▬ ▬▬ ▬▬▬▬▬ ▬▬▬ ▬▬▬▬ ▬▬ ▬▬▬ ▬▬▬▬▬ ▬▬ ▬▬▬▬ ▬▬▬ ▬▬ ▬▬▬▬▬ ▬▬▬▬ ▬▬ ▬▬▬ ▬▬▬▬ ▬▬▬ ▬▬▬▬ ▬▬ ▬▬▬▬▬ ▬▬▬ ▬▬▬▬ ▬▬ ▬▬▬ ▬▬▬▬▬ ▬▬ ▬▬▬▬ ▬▬▬ ▬▬ ▬▬▬▬▬ ▬▬▬▬ ▬▬ ▬▬▬ ▬▬▬▬ ▬▬▬ ▬▬▬▬ ▬▬ ▬▬▬▬▬ ▬▬▬ ▬▬▬▬ ▬▬ ▬▬▬ ▬▬▬▬▬ ▬▬ ▬▬▬▬ ▬▬▬ ▬▬ ▬▬▬▬▬ ▬▬▬▬ ▬▬ ▬▬▬ ▬▬▬▬ ▬▬▬ ▬▬▬▬ ▬▬ ▬▬▬▬▬ ▬▬▬ ▬▬▬▬ ▬▬ ▬▬▬ ▬▬▬▬▬ ▬▬ ▬▬▬▬ ▬▬▬ ▬▬ ▬▬▬▬▬ ▬▬▬▬ ▬▬ ▬▬▬ ▬▬▬▬ ▬▬▬ ▬▬▬▬ ▬▬ ▬▬▬▬▬ ▬▬▬ ▬▬▬▬ ▬▬ ▬▬▬ ▬▬▬▬▬ ▬▬ ▬▬▬▬ ▬▬▬ ▬▬ ▬▬▬▬▬ ▬▬▬▬ ▬▬ ▬▬▬ ▬▬▬▬
NELSON AND WEST COAST.
▬▬▬ ▬▬▬▬ ▬▬ ▬▬▬▬▬ ▬▬▬ ▬▬▬▬ ▬▬ ▬▬▬ ▬▬▬▬▬ ▬▬ ▬▬▬▬ ▬▬▬ ▬▬ ▬▬▬▬▬ ▬▬▬▬ ▬▬ ▬▬▬ ▬▬▬▬ ▬▬▬ ▬▬▬▬ ▬▬ ▬▬▬▬▬ ▬▬▬ ▬▬▬▬ ▬▬ ▬▬▬ ▬▬▬▬▬ ▬▬ ▬▬▬▬ ▬▬▬ ▬▬ ▬▬▬▬▬ ▬▬▬▬ ▬▬ ▬▬▬ ▬▬▬▬ ▬▬▬ ▬▬▬▬ ▬▬ ▬▬▬▬▬ ▬▬▬ ▬▬▬▬ ▬▬ ▬▬▬ ▬▬▬▬▬ ▬▬ ▬▬▬▬ ▬▬▬ ▬▬ ▬▬▬▬▬ ▬▬▬▬ ▬▬ ▬▬▬ ▬▬▬▬ ▬▬▬ ▬▬▬▬ ▬▬ ▬▬▬▬▬ ▬▬▬ ▬▬▬▬ ▬▬ ▬▬▬ ▬▬▬▬▬ ▬▬ ▬▬▬▬ ▬▬▬ ▬▬ ▬▬▬▬▬ ▬▬▬▬ ▬▬ ▬▬▬ ▬▬▬▬
WHITE STAR LINE.
▬▬▬ ▬▬▬▬ ▬▬ ▬▬▬▬▬ ▬▬▬ ▬▬▬▬ ▬▬ ▬▬▬ ▬▬▬▬▬ ▬▬ ▬▬▬▬ ▬▬▬ ▬▬ ▬▬▬▬▬ ▬▬▬▬ ▬▬ ▬▬▬ ▬▬▬▬ ▬▬▬ ▬▬▬▬ ▬▬ ▬▬▬▬▬ ▬▬▬ ▬▬▬▬ ▬▬ ▬▬▬ ▬▬▬▬▬ ▬▬ ▬▬▬▬ ▬▬▬ ▬▬ ▬▬▬▬▬ ▬▬▬▬ ▬▬ ▬▬▬ ▬▬▬▬
TRAVEL IN NEW, RELIABLE CADILLAC CARS.
▬▬▬ ▬▬▬▬ ▬▬ ▬▬▬▬▬ ▬▬▬ ▬▬▬▬ ▬▬ ▬▬▬ ▬▬▬▬▬ ▬▬ ▬▬▬▬ ▬▬▬ ▬▬ ▬▬▬▬▬ ▬▬▬▬ ▬▬ ▬▬▬ ▬▬▬▬ ▬▬▬ ▬▬▬▬ ▬▬ ▬▬▬▬▬ ▬▬▬ ▬▬▬▬ ▬▬ ▬▬▬ ▬▬▬▬▬ ▬▬ ▬▬▬▬ ▬▬▬ ▬▬ ▬▬▬▬▬ ▬▬▬▬ ▬▬ ▬▬▬ ▬▬▬▬ ▬▬▬ ▬▬▬▬ ▬▬ ▬▬▬▬▬ ▬▬▬ ▬▬▬▬ ▬▬ ▬▬▬ ▬▬▬▬▬ ▬▬ ▬▬▬▬ ▬▬▬ ▬▬ ▬▬▬▬▬ ▬▬▬▬ ▬▬ ▬▬▬ ▬▬▬▬ ▬▬▬ ▬▬▬▬ ▬▬ ▬▬▬▬▬ ▬▬▬ ▬▬▬▬ ▬▬ ▬▬▬ ▬▬▬▬▬ ▬▬ ▬▬▬▬ ▬▬▬ ▬▬ ▬▬▬▬▬ ▬▬▬▬ ▬▬ ▬▬▬ ▬▬▬▬ ▬▬▬ ▬▬▬▬ ▬▬ ▬▬▬▬▬ ▬▬▬ ▬▬▬▬ ▬▬ ▬▬▬ ▬▬▬▬▬ ▬▬ ▬▬▬▬ ▬▬▬ ▬▬ ▬▬▬▬▬ ▬▬▬▬ ▬▬ ▬▬▬ ▬▬▬▬
NEW CADILLAC CARS leave Christchurch DAILY.
▬▬▬ ▬▬▬▬ ▬▬ ▬▬▬▬▬ ▬▬▬ ▬▬▬▬ ▬▬ ▬▬▬ ▬▬▬▬▬ ▬▬ ▬▬▬▬ ▬▬▬ ▬▬ ▬▬▬▬▬ ▬▬▬▬ ▬▬ ▬▬▬ ▬▬▬▬ ▬▬▬ ▬▬▬▬ ▬▬ ▬▬▬▬▬ ▬▬▬ ▬▬▬▬ ▬▬ ▬▬▬ ▬▬▬▬▬ ▬▬ ▬▬▬▬ ▬▬▬ ▬▬ ▬▬▬▬▬ ▬▬▬▬ ▬▬ ▬▬▬ ▬▬▬▬ ▬▬▬ ▬▬▬▬ ▬▬ ▬▬▬▬▬ ▬▬▬ ▬▬▬▬ ▬▬ ▬▬▬ ▬▬▬▬▬ ▬▬ ▬▬▬▬ ▬▬▬ ▬▬ ▬▬▬▬▬ ▬▬▬▬ ▬▬ ▬▬▬ ▬▬▬▬
A. E. HARRIS, Managing Director.
▬▬▬ ▬▬▬▬ ▬▬ ▬▬▬▬▬ ▬▬▬ ▬▬▬▬ ▬▬ ▬▬▬ ▬▬▬▬▬ ▬▬ ▬▬▬▬ ▬▬▬ ▬▬ ▬▬▬▬▬ ▬▬▬▬ ▬▬ ▬▬▬ ▬▬▬▬ ▬▬▬ ▬▬▬▬ ▬▬ ▬▬▬▬▬ ▬▬▬ ▬▬▬▬ ▬▬ ▬▬▬ ▬▬▬▬▬ ▬▬ ▬▬▬▬ ▬▬▬ ▬▬ ▬▬▬▬▬ ▬▬▬▬ ▬▬ ▬▬▬ ▬▬▬▬ ▬▬▬ ▬▬▬▬ ▬▬ ▬▬▬▬▬ ▬▬▬ ▬▬▬▬ ▬▬ ▬▬▬ ▬▬▬▬▬ ▬▬ ▬▬▬▬ ▬▬▬ ▬▬ ▬▬▬▬▬ ▬▬▬▬ ▬▬ ▬▬▬ ▬▬▬▬ ▬▬▬ ▬▬▬▬ ▬▬ ▬▬▬▬▬ ▬▬▬ ▬▬▬▬ ▬▬ ▬▬▬ ▬▬▬▬▬ ▬▬ ▬▬▬▬ ▬▬▬ ▬▬ ▬▬▬▬▬ ▬▬▬▬ ▬▬ ▬▬▬ ▬▬▬▬ ▬▬▬ ▬▬▬▬ ▬▬ ▬▬▬▬▬ ▬▬▬ ▬▬▬▬ ▬▬ ▬▬▬ ▬▬▬▬▬ ▬▬ ▬▬▬▬ ▬▬▬ ▬▬ ▬▬▬▬▬ ▬▬▬▬ ▬▬ ▬▬▬ ▬▬▬▬ ▬▬▬ ▬▬▬▬ ▬▬ ▬▬▬▬▬ ▬▬▬ ▬▬▬▬ ▬▬ ▬▬▬ ▬▬▬▬▬ ▬▬ ▬▬▬▬ ▬▬▬ ▬▬ ▬▬▬▬▬ ▬▬▬▬ ▬▬ ▬▬▬ ▬▬▬▬
★
AKAROA.
▬▬▬ ▬▬▬▬ ▬▬ ▬▬▬▬▬ ▬▬▬ ▬▬▬▬ ▬▬ ▬▬▬ ▬▬▬▬▬ ▬▬ ▬▬▬▬ ▬▬▬ ▬▬ ▬▬▬▬▬ ▬▬▬▬ ▬▬ ▬▬▬ ▬▬▬▬ ▬▬▬ ▬▬▬▬ ▬▬ ▬▬▬▬▬ ▬▬▬ ▬▬▬▬ ▬▬ ▬▬▬ ▬▬▬▬▬ ▬▬ ▬▬▬▬ ▬▬▬ ▬▬ ▬▬▬▬▬ ▬▬▬▬ ▬▬ ▬▬▬ ▬▬▬▬
WHITE STAR LINE.
▬▬▬ ▬▬▬▬ ▬▬ ▬▬▬▬▬ ▬▬▬ ▬▬▬▬ ▬▬ ▬▬▬ ▬▬▬▬▬ ▬▬ ▬▬▬▬ ▬▬▬ ▬▬ ▬▬▬▬▬ ▬▬▬▬ ▬▬ ▬▬▬ ▬▬▬▬ ▬▬▬ ▬▬▬▬ ▬▬ ▬▬▬▬▬ ▬▬▬ ▬▬▬▬ ▬▬ ▬▬▬ ▬▬▬▬▬ ▬▬ ▬▬▬▬ ▬▬▬ ▬▬ ▬▬▬▬▬ ▬▬▬▬ ▬▬ ▬▬▬ ▬▬▬▬ ▬▬▬ ▬▬▬▬ ▬▬ ▬▬▬▬▬ ▬▬▬ ▬▬▬▬ ▬▬ ▬▬▬ ▬▬▬▬▬ ▬▬ ▬▬▬▬ ▬▬▬ ▬▬ ▬▬▬▬▬ ▬▬▬▬ ▬▬ ▬▬▬ ▬▬▬▬ ▬▬▬ ▬▬▬▬ ▬▬ ▬▬▬▬▬ ▬▬▬ ▬▬▬▬ ▬▬ ▬▬▬ ▬▬▬▬▬ ▬▬ ▬▬▬▬ ▬▬▬ ▬▬ ▬▬▬▬▬ ▬▬▬▬ ▬▬ ▬▬▬ ▬▬▬▬ ▬▬▬ ▬▬▬▬ ▬▬ ▬▬▬▬▬ ▬▬▬ ▬▬▬▬ ▬▬ ▬▬▬ ▬▬▬▬▬ ▬▬ ▬▬▬▬ ▬▬▬ ▬▬ ▬▬▬▬▬ ▬▬▬▬ ▬▬ ▬▬▬ ▬▬▬▬
AKAROA.
▬▬▬ ▬▬▬▬ ▬▬ ▬▬▬▬▬ ▬▬▬ ▬▬▬▬ ▬▬ ▬▬▬ ▬▬▬▬▬ ▬▬ ▬▬▬▬ ▬▬▬ ▬▬ ▬▬▬▬▬ ▬▬▬▬ ▬▬ ▬▬▬ ▬▬▬▬ ▬▬▬ ▬▬▬▬ ▬▬ ▬▬▬▬▬ ▬▬▬ ▬▬▬▬ ▬▬ ▬▬▬ ▬▬▬▬▬ ▬▬ ▬▬▬▬ ▬▬▬ ▬▬ ▬▬▬▬▬ ▬▬▬▬ ▬▬ ▬▬▬ ▬▬▬▬ ▬▬▬ ▬▬▬▬ ▬▬ ▬▬▬▬▬ ▬▬▬ ▬▬▬▬ ▬▬ ▬▬▬ ▬▬▬▬▬ ▬▬ ▬▬▬▬ ▬▬▬ ▬▬ ▬▬▬▬▬ ▬▬▬▬ ▬▬ ▬▬▬ ▬▬▬▬
PILKINGTON'S
▬▬▬ ▬▬▬▬ ▬▬ ▬▬▬▬▬ ▬▬▬ ▬▬▬▬ ▬▬ ▬▬▬ ▬▬▬▬▬ ▬▬ ▬▬▬▬ ▬▬▬ ▬▬ ▬▬▬▬▬ ▬▬▬▬ ▬▬ ▬▬▬ ▬▬▬▬ ▬▬▬ ▬▬▬▬ ▬▬ ▬▬▬▬▬ ▬▬▬ ▬▬▬▬ ▬▬ ▬▬▬ ▬▬▬▬▬ ▬▬ ▬▬▬▬ ▬▬▬ ▬▬ ▬▬▬▬▬ ▬▬▬▬ ▬▬ ▬▬▬ ▬▬▬▬ ▬▬▬ ▬▬▬▬ ▬▬ ▬▬▬▬▬ ▬▬▬ ▬▬▬▬ ▬▬ ▬▬▬ ▬▬▬▬▬ ▬▬ ▬▬▬▬ ▬▬▬ ▬▬ ▬▬▬▬▬ ▬▬▬▬ ▬▬ ▬▬▬ ▬▬▬▬ ▬▬▬ ▬▬▬▬ ▬▬ ▬▬▬▬▬ ▬▬▬ ▬▬▬▬ ▬▬ ▬▬▬ ▬▬▬▬▬ ▬▬ ▬▬▬▬ ▬▬▬ ▬▬ ▬▬▬▬▬ ▬▬▬▬ ▬▬ ▬▬▬ ▬▬▬▬ ▬▬▬ ▬▬▬▬ ▬▬ ▬▬▬▬▬ ▬▬▬ ▬▬▬▬ ▬▬ ▬▬▬ ▬▬▬▬▬ ▬▬ ▬▬▬▬ ▬▬▬ ▬▬ ▬▬▬▬▬ ▬▬▬▬ ▬▬ ▬▬▬ ▬▬▬▬ ▬▬▬ ▬▬▬▬ ▬▬ ▬▬▬▬▬ ▬▬▬ ▬▬▬▬ ▬▬ ▬▬▬ ▬▬▬▬▬ ▬▬ ▬▬▬▬ ▬▬▬ ▬▬ ▬▬▬▬▬ ▬▬▬▬ ▬▬ ▬▬▬ ▬▬▬▬
EXPRESS NON-STOP MOTOR SERVICE.
▬▬▬ ▬▬▬▬ ▬▬ ▬▬▬▬▬ ▬▬▬ ▬▬▬▬ ▬▬ ▬▬▬ ▬▬▬▬▬ ▬▬ ▬▬▬▬ ▬▬▬ ▬▬ ▬▬▬▬▬ ▬▬▬▬ ▬▬ ▬▬▬ ▬▬▬▬ ▬▬▬ ▬▬▬▬ ▬▬ ▬▬▬▬▬ ▬▬▬ ▬▬▬▬ ▬▬ ▬▬▬ ▬▬▬▬▬ ▬▬ ▬▬▬▬ ▬▬▬ ▬▬ ▬▬▬▬▬ ▬▬▬▬ ▬▬ ▬▬▬ ▬▬▬▬ ▬▬▬ ▬▬▬▬ ▬▬ ▬▬▬▬▬ ▬▬▬ ▬▬▬▬ ▬▬ ▬▬▬ ▬▬▬▬▬ ▬▬ ▬▬▬▬ ▬▬▬ ▬▬ ▬▬▬▬▬ ▬▬▬▬ ▬▬ ▬▬▬ ▬▬▬▬ ▬▬▬ ▬▬▬▬ ▬▬ ▬▬▬▬▬ ▬▬▬ ▬▬▬▬ ▬▬ ▬▬▬ ▬▬▬▬▬ ▬▬ ▬▬▬▬ ▬▬▬ ▬▬ ▬▬▬▬▬ ▬▬▬▬ ▬▬ ▬▬▬ ▬▬▬▬
AKAROA.
▬▬▬ ▬▬▬▬ ▬▬ ▬▬▬▬▬ ▬▬▬ ▬▬▬▬ ▬▬ ▬▬▬ ▬▬▬▬▬ ▬▬ ▬▬▬▬ ▬▬▬ ▬▬ ▬▬▬▬▬ ▬▬▬▬ ▬▬ ▬▬▬ ▬▬▬▬ ▬▬▬ ▬▬▬▬ ▬▬ ▬▬▬▬▬ ▬▬▬ ▬▬▬▬ ▬▬ ▬▬▬ ▬▬▬▬▬ ▬▬ ▬▬▬▬ ▬▬▬ ▬▬ ▬▬▬▬▬ ▬▬▬▬ ▬▬ ▬▬▬ ▬▬▬▬
READ'S ROYAL MAIL MOTOR SERVICE.
▬▬▬ ▬▬▬▬ ▬▬ ▬▬▬▬▬ ▬▬▬ ▬▬▬▬ ▬▬ ▬▬▬ ▬▬▬▬▬ ▬▬ ▬▬▬▬ ▬▬▬ ▬▬ ▬▬▬▬▬ ▬▬▬▬ ▬▬ ▬▬▬ ▬▬▬▬ ▬▬▬ ▬▬▬▬ ▬▬ ▬▬▬▬▬ ▬▬▬ ▬▬▬▬ ▬▬ ▬▬▬ ▬▬▬▬▬ ▬▬ ▬▬▬▬ ▬▬▬ ▬▬ ▬▬▬▬▬ ▬▬▬▬ ▬▬ ▬▬▬ ▬▬▬▬ ▬▬▬ ▬▬▬▬ ▬▬ ▬▬▬▬▬ ▬▬▬ ▬▬▬▬ ▬▬ ▬▬▬ ▬▬▬▬▬ ▬▬ ▬▬▬▬ ▬▬▬ ▬▬ ▬▬▬▬▬ ▬▬▬▬ ▬▬ ▬▬▬ ▬▬▬▬ ▬▬▬ ▬▬▬▬ ▬▬ ▬▬▬▬▬ ▬▬▬ ▬▬▬▬ ▬▬ ▬▬▬ ▬▬▬▬▬ ▬▬ ▬▬▬▬ ▬▬▬ ▬▬ ▬▬▬▬▬ ▬▬▬▬ ▬▬ ▬▬▬ ▬▬▬▬ ▬▬▬ ▬▬▬▬ ▬▬ ▬▬▬▬▬ ▬▬▬ ▬▬▬▬ ▬▬ ▬▬▬ ▬▬▬▬▬ ▬▬ ▬▬▬▬ ▬▬▬ ▬▬ ▬▬▬▬▬ ▬▬▬▬ ▬▬ ▬▬▬ ▬▬▬▬
AKAROA.
▬▬▬ ▬▬▬▬ ▬▬ ▬▬▬▬▬ ▬▬▬ ▬▬▬▬ ▬▬ ▬▬▬ ▬▬▬▬▬ ▬▬ ▬▬▬▬ ▬▬▬ ▬▬ ▬▬▬▬▬ ▬▬▬▬ ▬▬ ▬▬▬ ▬▬▬▬ ▬▬▬ ▬▬▬▬ ▬▬ ▬▬▬▬▬ ▬▬▬ ▬▬▬▬ ▬▬ ▬▬▬ ▬▬▬▬▬ ▬▬ ▬▬▬▬ ▬▬▬ ▬▬ ▬▬▬▬▬ ▬▬▬▬ ▬▬ ▬▬▬ ▬▬▬▬ ▬▬▬ ▬▬▬▬ ▬▬ ▬▬▬▬▬ ▬▬▬ ▬▬▬▬ ▬▬ ▬▬▬ ▬▬▬▬▬ ▬▬ ▬▬▬▬ ▬▬▬ ▬▬ ▬▬▬▬▬ ▬▬▬▬ ▬▬ ▬▬▬ ▬▬▬▬
From Christchurch to Kaikoura, Hanmer and Blenheim.
▬▬▬ ▬▬▬▬ ▬▬ ▬▬▬▬▬ ▬▬▬ ▬▬▬▬ ▬▬ ▬▬▬ ▬▬▬▬▬ ▬▬ ▬▬▬▬ ▬▬▬ ▬▬ ▬▬▬▬▬ ▬▬▬▬ ▬▬ ▬▬▬ ▬▬▬▬ ▬▬▬ ▬▬▬▬ ▬▬ ▬▬▬▬▬ ▬▬▬ ▬▬▬▬ ▬▬ ▬▬▬ ▬▬▬▬▬ ▬▬ ▬▬▬▬ ▬▬▬ ▬▬ ▬▬▬▬▬ ▬▬▬▬ ▬▬ ▬▬▬ ▬▬▬▬ ▬▬▬ ▬▬▬▬ ▬▬ ▬▬▬▬▬ ▬▬▬ ▬▬▬▬ ▬▬ ▬▬▬ ▬▬▬▬▬ ▬▬ ▬▬▬▬ ▬▬▬ ▬▬ ▬▬▬▬▬ ▬▬▬▬ ▬▬ ▬▬▬ ▬▬▬▬ ▬▬▬ ▬▬▬▬ ▬▬ ▬▬▬▬▬ ▬▬▬ ▬▬▬▬ ▬▬ ▬▬▬ ▬▬▬▬▬ ▬▬ ▬▬▬▬ ▬▬▬ ▬▬ ▬▬▬▬▬ ▬▬▬▬ ▬▬ ▬▬▬ ▬▬▬▬ ▬▬▬ ▬▬▬▬ ▬▬ ▬▬▬▬▬ ▬▬▬ ▬▬▬▬ ▬▬ ▬▬▬ ▬▬▬▬▬ ▬▬ ▬▬▬▬ ▬▬▬ ▬▬ ▬▬▬▬▬ ▬▬▬▬ ▬▬ ▬▬▬ ▬▬▬▬ ▬▬▬ ▬▬▬▬ ▬▬ ▬▬▬▬▬ ▬▬▬ ▬▬▬▬ ▬▬ ▬▬▬ ▬▬▬▬▬ ▬▬ ▬▬▬▬ ▬▬▬ ▬▬ ▬▬▬▬▬ ▬▬▬▬ ▬▬ ▬▬▬ ▬▬▬▬
KAIKOURA BLENHEIM and NELSON.
▬▬▬ ▬▬▬▬ ▬▬ ▬▬▬▬▬ ▬▬▬ ▬▬▬▬ ▬▬ ▬▬▬ ▬▬▬▬▬ ▬▬ ▬▬▬▬ ▬▬▬ ▬▬ ▬▬▬▬▬ ▬▬▬▬ ▬▬ ▬▬▬ ▬▬▬▬ ▬▬▬ ▬▬▬▬ ▬▬ ▬▬▬▬▬ ▬▬▬ ▬▬▬▬ ▬▬ ▬▬▬ ▬▬▬▬▬ ▬▬ ▬▬▬▬ ▬▬▬ ▬▬ ▬▬▬▬▬ ▬▬▬▬ ▬▬ ▬▬▬ ▬▬▬▬ ▬▬▬ ▬▬▬▬ ▬▬ ▬▬▬▬▬ ▬▬▬ ▬▬▬▬ ▬▬ ▬▬▬ ▬▬▬▬▬ ▬▬ ▬▬▬▬ ▬▬▬ ▬▬ ▬▬▬▬▬ ▬▬▬▬ ▬▬ ▬▬▬ ▬▬▬▬ ▬▬▬ ▬▬▬▬ ▬▬ ▬▬▬▬▬ ▬▬▬ ▬▬▬▬ ▬▬ ▬▬▬ ▬▬▬▬▬ ▬▬ ▬▬▬▬ ▬▬▬ ▬▬ ▬▬▬▬▬ ▬▬▬▬ ▬▬ ▬▬▬ ▬▬▬▬
CHRISTCHURCH, LAKE COLERIDGE.
▬▬▬ ▬▬▬▬ ▬▬ ▬▬▬▬▬ ▬▬▬ ▬▬▬▬ ▬▬ ▬▬▬ ▬▬▬▬▬ ▬▬ ▬▬▬▬ ▬▬▬ ▬▬ ▬▬▬▬▬ ▬▬▬▬ ▬▬ ▬▬▬ ▬▬▬▬ ▬▬▬ ▬▬▬▬ ▬▬ ▬▬▬▬▬ ▬▬▬ ▬▬▬▬ ▬▬ ▬▬▬ ▬▬▬▬▬ ▬▬ ▬▬▬▬ ▬▬▬ ▬▬ ▬▬▬▬▬ ▬▬▬▬ ▬▬ ▬▬▬ ▬▬▬▬
★
LYTTELTON-GOVERNOR'S BAY DINGTON MOTOR SERVICE.
▬▬▬ ▬▬▬▬ ▬▬ ▬▬▬▬▬ ▬▬▬ ▬▬▬▬ ▬▬ ▬▬▬ ▬▬▬▬▬ ▬▬ ▬▬▬▬ ▬▬▬ ▬▬ ▬▬▬▬▬ ▬▬▬▬ ▬▬ ▬▬▬ ▬▬▬▬ ▬▬▬ ▬▬▬▬ ▬▬ ▬▬▬▬▬ ▬▬▬ ▬▬▬▬ ▬▬ ▬▬▬ ▬▬▬▬▬ ▬▬ ▬▬▬▬ ▬▬▬ ▬▬ ▬▬▬▬▬ ▬▬▬▬ ▬▬ ▬▬▬ ▬▬▬▬ ▬▬▬ ▬▬▬▬ ▬▬ ▬▬▬▬▬ ▬▬▬ ▬▬▬▬ ▬▬ ▬▬▬ ▬▬▬▬▬ ▬▬ ▬▬▬▬ ▬▬▬ ▬▬ ▬▬▬▬▬ ▬▬▬▬ ▬▬ ▬▬▬ ▬▬▬▬
MOOKETT'S MOTOR SERVICE.
▬▬▬ ▬▬▬▬ ▬▬ ▬▬▬▬▬ ▬▬▬ ▬▬▬▬ ▬▬ ▬▬▬ ▬▬▬▬▬ ▬▬ ▬▬▬▬ ▬▬▬ ▬▬ ▬▬▬▬▬ ▬▬▬▬ ▬▬ ▬▬▬ ▬▬▬▬ ▬▬▬ ▬▬▬▬ ▬▬ ▬▬▬▬▬ ▬▬▬ ▬▬▬▬ ▬▬ ▬▬▬ ▬▬▬▬▬ ▬▬ ▬▬▬▬ ▬▬▬ ▬▬ ▬▬▬▬▬ ▬▬▬▬ ▬▬ ▬▬▬ ▬▬▬▬ ▬▬▬ ▬▬▬▬ ▬▬ ▬▬▬▬▬ ▬▬▬ ▬▬▬▬ ▬▬ ▬▬▬ ▬▬▬▬▬ ▬▬ ▬▬▬▬ ▬▬▬ ▬▬ ▬▬▬▬▬ ▬▬▬▬ ▬▬ ▬▬▬ ▬▬▬▬ ▬▬▬ ▬▬▬▬ ▬▬ ▬▬▬▬▬ ▬▬▬ ▬▬▬▬ ▬▬ ▬▬▬ ▬▬▬▬▬ ▬▬ ▬▬▬▬ ▬▬▬ ▬▬ ▬▬▬▬▬ ▬▬▬▬ ▬▬ ▬▬▬ ▬▬▬▬ ▬▬▬ ▬▬▬▬ ▬▬ ▬▬▬▬▬ ▬▬▬ ▬▬▬▬ ▬▬ ▬▬▬ ▬▬▬▬▬ ▬▬ ▬▬▬▬ ▬▬▬ ▬▬ ▬▬▬▬▬ ▬▬▬▬ ▬▬ ▬▬▬ ▬▬▬▬ ▬▬▬ ▬▬▬▬ ▬▬ ▬▬▬▬▬ ▬▬▬ ▬▬▬▬ ▬▬ ▬▬▬ ▬▬▬▬▬ ▬▬ ▬▬▬▬ ▬▬▬ ▬▬ ▬▬▬▬▬ ▬▬▬▬ ▬▬ ▬▬▬ ▬▬▬▬
ROYAL MAIL CHRISTCHURCH-GERALDINE-FAIRLIE.
▬▬▬ ▬▬▬▬ ▬▬ ▬▬▬▬▬ ▬▬▬ ▬▬▬▬ ▬▬ ▬▬▬ ▬▬▬▬▬ ▬▬ ▬▬▬▬ ▬▬▬ ▬▬ ▬▬▬▬▬ ▬▬▬▬ ▬▬ ▬▬▬ ▬▬▬▬ ▬▬▬ ▬▬▬▬ ▬▬ ▬▬▬▬▬ ▬▬▬ ▬▬▬▬ ▬▬ ▬▬▬ ▬▬▬▬▬ ▬▬ ▬▬▬▬ ▬▬▬ ▬▬ ▬▬▬▬▬ ▬▬▬▬ ▬▬ ▬▬▬ ▬▬▬▬ ▬▬▬ ▬▬▬▬ ▬▬ ▬▬▬▬▬ ▬▬▬ ▬▬▬▬ ▬▬ ▬▬▬ ▬▬▬▬▬ ▬▬ ▬▬▬▬ ▬▬▬ ▬▬ ▬▬▬▬▬ ▬▬▬▬ ▬▬ ▬▬▬ ▬▬▬▬ ▬▬▬ ▬▬▬▬ ▬▬ ▬▬▬▬▬ ▬▬▬ ▬▬▬▬ ▬▬ ▬▬▬ ▬▬▬▬▬ ▬▬ ▬▬▬▬ ▬▬▬ ▬▬ ▬▬▬▬▬ ▬▬▬▬ ▬▬ ▬▬▬ ▬▬▬▬
NOW PUBLISHED.
▬▬▬ ▬▬▬▬ ▬▬ ▬▬▬▬▬ ▬▬▬ ▬▬▬▬ ▬▬ ▬▬▬ ▬▬▬▬▬ ▬▬ ▬▬▬▬ ▬▬▬ ▬▬ ▬▬▬▬▬ ▬▬▬▬ ▬▬ ▬▬▬ ▬▬▬▬ ▬▬▬ ▬▬▬▬ ▬▬ ▬▬▬▬▬ ▬▬▬ ▬▬▬▬ ▬▬ ▬▬▬ ▬▬▬▬▬ ▬▬ ▬▬▬▬ ▬▬▬ ▬▬ ▬▬▬▬▬ ▬▬▬▬ ▬▬ ▬▬▬ ▬▬▬▬
THE LATEST AND MOST ACCURATE
▬▬▬ ▬▬▬▬ ▬▬ ▬▬▬▬▬ ▬▬▬ ▬▬▬▬ ▬▬ ▬▬▬ ▬▬▬▬▬ ▬▬ ▬▬▬▬ ▬▬▬ ▬▬ ▬▬▬▬▬ ▬▬▬▬ ▬▬ ▬▬▬ ▬▬▬▬ ▬▬▬ ▬▬▬▬ ▬▬ ▬▬▬▬▬ ▬▬▬ ▬▬▬▬ ▬▬ ▬▬▬ ▬▬▬▬▬ ▬▬ ▬▬▬▬ ▬▬▬ ▬▬ ▬▬▬▬▬ ▬▬▬▬ ▬▬ ▬▬▬ ▬▬▬▬ ▬▬▬ ▬▬▬▬ ▬▬ ▬▬▬▬▬ ▬▬▬ ▬▬▬▬ ▬▬ ▬▬▬ ▬▬▬▬▬ ▬▬ ▬▬▬▬ ▬▬▬ ▬▬ ▬▬▬▬▬ ▬▬▬▬ ▬▬ ▬▬▬ ▬▬▬▬ ▬▬▬ ▬▬▬▬ ▬▬ ▬▬▬▬▬ ▬▬▬ ▬▬▬▬ ▬▬ ▬▬▬ ▬▬▬▬▬ ▬▬ ▬▬▬▬ ▬▬▬ ▬▬ ▬▬▬▬▬ ▬▬▬▬ ▬▬ ▬▬▬ ▬▬▬▬ ▬▬▬ ▬▬▬▬ ▬▬ ▬▬▬▬▬ ▬▬▬ ▬▬▬▬ ▬▬ ▬▬▬ ▬▬▬▬▬ ▬▬ ▬▬▬▬ ▬▬▬ ▬▬ ▬▬▬▬▬ ▬▬▬▬ ▬▬ ▬▬▬ ▬▬▬▬
MAP OF CHRISTCHURCH
▬▬▬ ▬▬▬▬ ▬▬ ▬▬▬▬▬ ▬▬▬ ▬▬▬▬ ▬▬ ▬▬▬ ▬▬▬▬▬ ▬▬ ▬▬▬▬ ▬▬▬ ▬▬ ▬▬▬▬▬ ▬▬▬▬ ▬▬ ▬▬▬ ▬▬▬▬ ▬▬▬ ▬▬▬▬ ▬▬ ▬▬▬▬▬ ▬▬▬ ▬▬▬▬ ▬▬ ▬▬▬ ▬▬▬▬▬ ▬▬ ▬▬▬▬ ▬▬▬ ▬▬ ▬▬▬▬▬ ▬▬▬▬ ▬▬ ▬▬▬ ▬▬▬▬ ▬▬▬ ▬▬▬▬ ▬▬ ▬▬▬▬▬ ▬▬▬ ▬▬▬▬ ▬▬ ▬▬▬ ▬▬▬▬▬ ▬▬ ▬▬▬▬ ▬▬▬ ▬▬ ▬▬▬▬▬ ▬▬▬▬ ▬▬ ▬▬▬ ▬▬▬▬
PRICE: 1s EACH.
▬▬▬ ▬▬▬▬ ▬▬ ▬▬▬▬▬ ▬▬▬ ▬▬▬▬ ▬▬ ▬▬▬ ▬▬▬▬▬ ▬▬ ▬▬▬▬ ▬▬▬ ▬▬ ▬▬▬▬▬ ▬▬▬▬ ▬▬ ▬▬▬ ▬▬▬▬ ▬▬▬ ▬▬▬▬ ▬▬ ▬▬▬▬▬ ▬▬▬ ▬▬▬▬ ▬▬ ▬▬▬ ▬▬▬▬▬ ▬▬ ▬▬▬▬ ▬▬▬ ▬▬ ▬▬▬▬▬ ▬▬▬▬ ▬▬ ▬▬▬ ▬▬▬▬ ▬▬▬ ▬▬▬▬ ▬▬ ▬▬▬▬▬ ▬▬▬ ▬▬▬▬ ▬▬ ▬▬▬ ▬▬▬▬▬ ▬▬ ▬▬▬▬ ▬▬▬ ▬▬ ▬▬▬▬▬ ▬▬▬▬ ▬▬ ▬▬▬ ▬▬▬▬ ▬▬▬ ▬▬▬▬ ▬▬ ▬▬▬▬▬ ▬▬▬ ▬▬▬▬ ▬▬ ▬▬▬ ▬▬▬▬▬ ▬▬ ▬▬▬▬ ▬▬▬ ▬▬ ▬▬▬▬▬ ▬▬▬▬ ▬▬ ▬▬▬ ▬▬▬▬ ▬▬▬ ▬▬▬▬ ▬▬ ▬▬▬▬▬ ▬▬▬ ▬▬▬▬ ▬▬ ▬▬▬ ▬▬▬▬▬ ▬▬ ▬▬▬▬ ▬▬▬ ▬▬ ▬▬▬▬▬ ▬▬▬▬ ▬▬ ▬▬▬ ▬▬▬▬ ▬▬▬ ▬▬▬▬ ▬▬ ▬▬▬▬▬ ▬▬▬ ▬▬▬▬ ▬▬ ▬▬▬ ▬▬▬▬▬ ▬▬ ▬▬▬▬ ▬▬▬ ▬▬ ▬▬▬▬▬ ▬▬▬▬ ▬▬ ▬▬▬ ▬▬▬▬
MOUNTED ON CALICO: 6s EACH.
▬▬▬ ▬▬▬▬ ▬▬ ▬▬▬▬▬ ▬▬▬ ▬▬▬▬ ▬▬ ▬▬▬ ▬▬▬▬▬ ▬▬ ▬▬▬▬ ▬▬▬ ▬▬ ▬▬▬▬▬ ▬▬▬▬ ▬▬ ▬▬▬ ▬▬▬▬ ▬▬▬ ▬▬▬▬ ▬▬ ▬▬▬▬▬ ▬▬▬ ▬▬▬▬ ▬▬ ▬▬▬ ▬▬▬▬▬ ▬▬ ▬▬▬▬ ▬▬▬ ▬▬ ▬▬▬▬▬ ▬▬▬▬ ▬▬ ▬▬▬ ▬▬▬▬ ▬▬▬ ▬▬▬▬ ▬▬ ▬▬▬▬▬ ▬▬▬ ▬▬▬▬ ▬▬ ▬▬▬ ▬▬▬▬▬ ▬▬ ▬▬▬▬ ▬▬▬ ▬▬ ▬▬▬▬▬ ▬▬▬▬ ▬▬ ▬▬▬ ▬▬▬▬ ▬▬▬ ▬▬▬▬ ▬▬ ▬▬▬▬▬ ▬▬▬ ▬▬▬▬ ▬▬ ▬▬▬ ▬▬▬▬▬ ▬▬ ▬▬▬▬ ▬▬▬ ▬▬ ▬▬▬▬▬ ▬▬▬▬ ▬▬ ▬▬▬ ▬▬▬▬
CHRISTCHURCH PRESS CO.
▬▬▬ ▬▬▬▬ ▬▬ ▬▬▬▬▬ ▬▬▬ ▬▬▬▬ ▬▬ ▬▬▬ ▬▬▬▬▬ ▬▬ ▬▬▬▬ ▬▬▬ ▬▬ ▬▬▬▬▬ ▬▬▬▬ ▬▬ ▬▬▬ ▬▬▬▬ ▬▬▬ ▬▬▬▬ ▬▬ ▬▬▬▬▬ ▬▬▬ ▬▬▬▬ ▬▬ ▬▬▬ ▬▬▬▬▬ ▬▬ ▬▬▬▬ ▬▬▬ ▬▬ ▬▬▬▬▬ ▬▬▬▬ ▬▬ ▬▬▬ ▬▬▬▬
